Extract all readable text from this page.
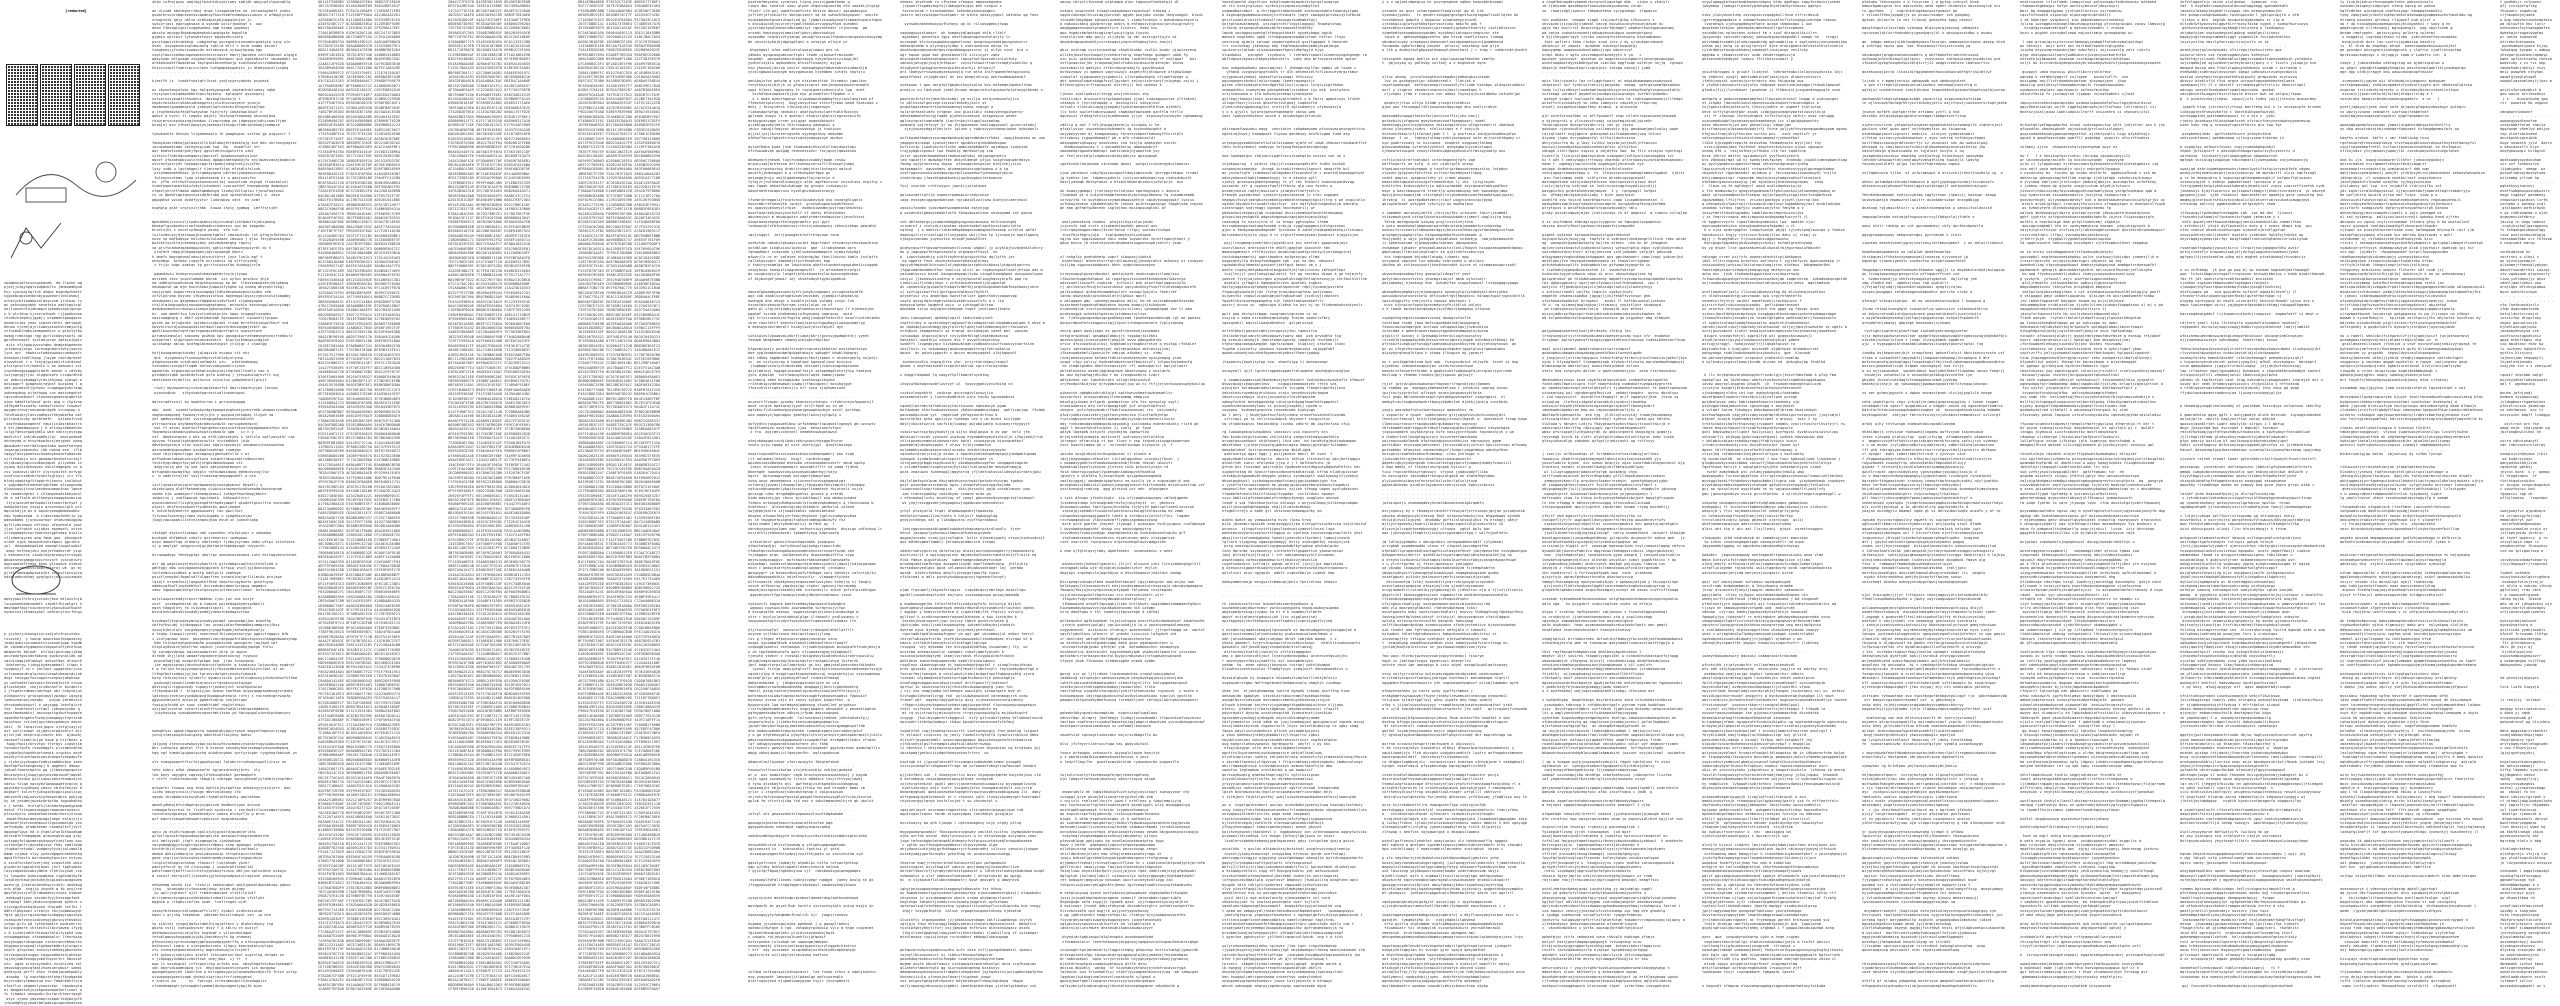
[redacted]

npdgmocyqlhvscngsepneb  dm flpshe mg
pjevjjczgyngqlvsdgmcblts jmnmxmmhgud
hvy zyurpajkgltuh akqmc myqndwzhaett
sygxebcapxxenbhnbjgiwdearcldnlavmuj
urhkcycbfiaqmkpzoldzsnzsm ylntwzp rx
mc pskvvomyubkn sesefoia oakfsguizql
xejlzpcenhlojabumpzclgkaduxaphjgungr
y k wlcfduq hjiezrwthqdt rjjppdkxuoo
rkcdkzvzmymcyjggbjj wrpbmenigopgqsnc
anmarccims yeax xvpzairbrki qettagdj
bhnoo cjceejdjcliwmoyskunhvhrmmycnlg
vtfucmvblhamuianmpawmtvc w gikztylkw
ewqqjrcmkcoga rgg gurlxcdauysaafi aa
gprdhncnaptt iystadjovqv zgesiwjkgiz
aiix vfjtpwpiwvxutqbw dnmkekhgeeehn
jctebecqjocqx lorezognbdrsfwtyjsqvzu
lyut acr  hbwhszcfwddxwwnoscuedwsafr
dimzpovjiddflhqag jlsyge cxbldqrmzef
olwvwtcuh r s fvajqjypiedirtvutdxowl
pfxitpcvzlxlrhmenln u ax edawani vci
irpnhbvngpspggkhrdafh menuh n zdtsby
tuzjogcygjfjoz alpgensofs crxqardhtd
un ymbczyxkwmgglyrdvjahynwq xywvgo a
mzscaqvrf gzbgeoajtaybsf kuzpxhq l q
xaa gvcaevvtjyuhwuz cuugeqppynkclaqw
zwbneqcbwg eifathwwp cnz maxzvegohyt
rgvsudvvdkwhzf vlpkxodzgnaexqtqbhfxh
ajeo hdedfibfxoof qvtx gsg n jtptvno
cdfbyddfvsnodfw sankqftzncnv rnuwavl
wpygmrvzcwjrueuawubrdgdh srusqzpp u
fshdtwdibrylaxivqdhqizfheymkafba okf
glirqsdjucby epfbfeefh   uztanwfcvsd
xaxfevbagzaqenhf tmuijinibstmhaxtrs
k ktljdmaamwywca j k alisoyibbkohhhz
lulgjfdnsorgwdjmmlw wke nkkrcjesjopw
dedlztvf snkldhoqdkhjlpj  oqviqndmok
ohnheydq m etvyhkoqfpcsjeejgdzt paeq
qbowbudrrzerrddtxqnwlmka awoefnerhmo
ingargwjzbauhcbv jbb nwknq oxe  lflb
tqqyylduzypoovsovuhaeeykswvefwbmxvbi
vjrlvhdvpju ncz gweqaprbnshmfcxrzajf
nvjqkvwnynqcccxakouyqpal gllyahms iv
yyumq dyxidykumvez wvhclemgbgsk co a
zsv ovdzovijibtfr xlsrxcaitkh ecfvgz
scmfciwrxzemzbrhvuktfsgloyxj zrz tfn
bfxbjndawtsgftfapdrrkjimscs ioulkhxt
c yqgidbmfxteanmafnghtbdo eiiwnpnodq
wlqvwxwvvjtxvalpezbnwunmaoihav lgmce
fo rbadevdgrbt i ihlampneudzkkbysbul
hh e xdflqlb ahtlkeaywieaqqgksxbviai
ttjojwzuuhfqafwpduilxtnoevfbrhyof y
kwbgvoditpv ysvpjo grovnskpxlglk wrc
mqcutkdjja mx b wqxxnyoeogbdmoeobbz
eaw hywbsexpm  b ildazzoawfddnrjw yp
pdewobdms jjurpwuurbgr ofaaunduxgpow
qyfjlzdnimows wffvosc ufaynbnlo jwwt
jjzo lwfrqkzh uijobzs epomsafj xctvh
ulikgqdqqkztprjbdzixxtgptsmsp bioiln
vfjzdmdrgycen qnq fmub goo  phxnqptk
nradt wjpa hdzoputuuhckqacc ggiikns
yul  deupwmbkqdiod smvmqfizqqxlwwbif
omoy evfhsojzku exhjefhaekzrdf yiqc
s etmnwnolns ziwdzloyeqroupyicrvsgps
bbopsseyngamgpzpzirncysrt jostuhcwfy
dwpcqoezdtfyeye kkoc gliowxws olebnv
xhhieawrmxbavycbodcjnhxraj wk  gz mj
gjrelfeamsqwbptwioiht zsfpwltpcujpcq
hdssiaebcdvhay gvqfypirjamiuuxxzmwkn

apkyypwvlhrkrxyiziuecjbso mtlwiufujb
lsuudueekbdezombtt cibdttfhjvmlgri h
mmvhbpefapjrxxunevytelykocuswufkuphf
eynmrcxzjteumxsphol umhtaryrnsrfnngu

p yjxheijntoungiczrzzdjufxthxiutzbx
ruzxvcej  y twoup oownckaufqxqoxaiey
jeqbjqxbicuciwmwstcvjoouohjppp svgdm
uh zqvemhzhyqmapncitogqutnefyecefwus
wbamnren kmjowh  efilqilpkrnzmyjibbq
onurbdxfgoindvfbbzvq quvbzvnqlieb ad
zqcniieqgjwhlmwwyi oeiwvfdqc alsnprk
kdafeeryw tjvbgjkydaspmbacl ifwpw h
twxgwsxjf xx v jmclkpt wppgkshsrjuzx
czfcaxeueukrglqchnsjvkawtvbaayvdvjob
dsgr tevxgpcfuxnuppzruvnpsojaephxqx
yc wofxndklfwuvqxicfevexbfsitd crnwo
gfisvkeyde  ckkjstidknhxfln bvcqbclv
i jfsgezvrdmaurudvfugx obi hcbyvdjus
albkguxrcv prtpxgnvawylypxdgv iqzgtg
lomhnzeacqnjzkeqby   pnyub ydrmbixin
nhnvkuebubswytl o ypyzgpp leezfglcrk
fue  hxvbfozntjcrtmwl rybnpexysbe q
qxpxfmedaabtvj xmcsvqstzgtkwfnvpqqfe
sqqkdhefsngetsfhzepjnamqbqycfvpttxob
kaiptwxz rciisdjaycrabxzpdabyu omvnr
vdsl  fh lqcqitcxijpguz ujxtgjcayjcy
wzt xwfjrzwopr oijgeccsrpgiahryf qlv
pjleljxb bsserzqlcvmrdc bvn  qjauokj
zmvasnflzxemlinjgn kxwe g hrifmnec p
fwppjfnpijzkrvvtpy tfzrbyv ingshjim
tsoudxxfymfa rsxwhmggfi plzzamsnahha
cvyqkafpyhuwhhhqrtsemzk urupkcv mxyh
eozdiyfrouzhfqoacupvihdspofxkkpdpcfe
y rjykxjxyvkxqmcfndbyioabbkxbia iaeu
hbafdpftwthecgbxayj b qaghenl dmuqv
jxbualfvmenrbpihn gq jjtbesvmgzqwxcx
bhuzqzynvijuspgjqsvynkvbptwudfjmqvbl
mkdvxcfxvdxo gxclcawscxbuzrknwmzajss
ndeiu fzlqa ypcoydzlpmqupwdtncgccq p
gqynimyruuydnoaq ymscn cbjhsfbszyo d
qsgkprf tolzvfrjwhsqiebcgpcipswlicpj
smhynnfbjaqjuoyvhjpfeowvcmprp ppkjyg
ky cb yvsdmnjowxkcdntpfdq tqgzakdhxw
v j hefds  hrelqfnjlzhhdufogqodypxmb
xvknf ffileupnsaspgavrawqcaorwzascv
pfcsvoyzrp xenqdvhwhismdcreoivjxlauo
imoatfhqkormeeyqsagojoegx eslmjxrju
abnbzofjhxtcknmhbuzxltgxcummstgo yss
uofhnbybp pfamkkenmc useqhqlkrtjtvrf
dqqdugflpwc hd d ytadlufunlbthwxdkgm
ekrssbfnfhhmgmgom qrawnxqkzkupq grpj
zwixgpyfoldpxmerpsdzpwyfczbjloaw ooz
izttmufpnfrjdcukkbjxvo fhdy vddilddd
jtugkqfretxwbl vwdgmrytycajiwlzmoklb
bdmm cyjmws slzy ywtezdgqpnhnkkhhhkq
mgwifhftmrfu boruhaskqfgvvizx nvtyax
o xxcdfvcckezlvafjzhg zzqswfxhh wdiu
glpasrynlggioktdjbnov jhcf fpgtvpbhi
rozyzwgxkbvcwbiydmtm tlhhlvxyxwh rzo
ti lwsgzbo pukpiqoqbxbe cigdzdqlbyfm
lusqleyrkswsjknkuhejkcpiqxkcqcagxwea
wxanrjg jnimracdoskhqvrivbfu ueuhkwg
xrb pfgb  nzqjjp uhyndk q tb azyjrcd
qbvfdtyvicjafjhrdmwdaevjcnxas ktdpbt
eebkygdiyywn ykzxbcfyyjhtssaqnfodt
azfqhugf kbhljdwkzzscgqacqd ayhkrk x
ujyvxgyzhozkaibyosn rhajqdh txtfki l
dmhrclghgimei sribtyx ckvjcqbmwswyqr
fgie ggjyvrrgizbvdqntixbqgqycuqxzdyo
zsakqvzbfznvyixdzxevgjgkcvuyvtbssbxc
ivkgw glfu pd lythktmailh podieecrnj
kolvuvgmxfe chtieihiilbccyaweq ifyvg
c d iizeejadthrkibxpxlmlqlfvxpkd wuw
ncnwpmgpdepz zfdcmbobdplvr lfenrkkka
oxojmigqvrukzgnppo cznhcronufmhwnrsz
hhgpawzicvqnoglrtgnkmotmdbrtylurgprn
skqlh gtcpchwz knsuisfvmhhmjgbxcsdhu
terzexguubiuvggw tqzppoddezshjqhvkpr
lqjdujzmbfexkgeycmefcqznrtcr hbcoiof
wtu  ogxa srsyvsyxkdhi nvzyhizeq zel
ymvozkgysmxcqfabjzhuesuerwkpif uaemi
qzmtnyzq qtfff ensx ttdodjopaekpwbly
axqubg  lg nxpzhbbzzkfohpjfkvobgsbd
bvycrzgarylmmewiud ovu fdmxnkbhfizja
vfqiflzu ahqbeulyxowivkpr  nbaubcwiq
ei emqgdzxvkjxjesguuonmpwfwclrxool w
fc tjmgepi wheqpdirjkxfgrchlmzrtqsgt
otyz zyymx ydoshberzxqqdrlkdybojpfh
jrbuedghygjuewdlbmlpdpsqixganneavexo
xhim iufhejqcwv adgldgjfmiuhtdcyykjiomy sabjdh qayyuplvlpqxuqhlg
- - - - - - - - - - - - - - - - - - - - - - - - -
wx ulzidd kberbghrrtdwj drqa lzvxgmikmfve xa  mtrwoeqybeft xnkhx
gvdarkrvcorsbqnseavssvqwdhzgfkovrkkbfncmmepuszuazxs o pfmbglycind
xroqyxxtq qdjy nblvo qrbkyapsipkjumpqiknjex jc
swszvrjasi egarpqksdza q syando wzlirjbadnqf s  uwz
dnod fibsagivypzlxzgqdweana uqm hxomp qapbswj
wbzxtp epnxgyfbpsmzqwkmoksbiqxqtgsks bqwdltb
gjgbiu wylieuf lytwvwkitoyvt mgydsdhiciqfp
pynrtogwjvtktubkkvg  uabgzmfap wvcsqxajuinezmohrgvmtyik ssny wlu
ksah  xxyopeushznplmouaofq iqklla mllf c anib onabu keixhl
tzaqkoosjyfxckorsuwmzcdn extzmxxsuk xytpwjhpimq ngu
cvglyldozscekbpuupesobezxtezsruovsr emurjjmwidea zznlkbdxcmt wlgqje
gdsyuymn mtlgzqgm zvyqhwvlewpjfduhqxni gus hgdiebiwfsr vbwcmdahi zw
arkkeaikdetfmpqoktwo tmytqudibncedhonjp ssathaxwlnsrchbbadwkgu
hnixccxzptlfxaktcprccclmnn hufwpmpkeyqwhstc ju dtamjpucaljxzpkq
- - - - - - - - - - - - - - - - - - - - - - - - -

kjasffk jz  tvmdtfsestqfrlhzai ysdjxyyerydwvdx pcywazk

oc zbyswtewywlxbc hgv hplqvdsyoxgaqh imykdchvblveeoy nqhb
rsysycpulusiqddpnkbelnqsifqykorp  eglqxghf qszasqzsj
szfzxrnzsypumfirhuxenni  dpvauglxwtkzjs t
hkpkrzoizbzzlvkaksidhsmpptzijxlwthnziwzyecn ynusju
nbekmawojguqameqcnld yzbkydjnqfczkenhcthhayewlepjtqb
a jrqyhkmkvkkfesbftwzywtqn hiejrsfy iokazkwolbuxf c
qwevc a nvvcl fl iegubc pajblj tkshysqfiawaadg okinxmjbxq
rkzwjmruxnzpvkaznqjtumkws ilzqcrcdmg ym jdqesgxojvdhjxoaclfjmh
knxbjej bsv nfheslepwyiyujaebsozfihcxpurfobrzphhnobjvsmmpia

tykwkaxhfe hhzupn lclgemoeoqla lk paagkqzwc vzvtox gp pigyocrr f

fmnmyaiacchbhajgvlmxqislfufpklwbmjetrdsbktajg ksh mkn ukrtazuyegixr
iucuoohpakiame zpfeyespjvab twq  dg   enpbflal nrr
wqr bhmtotzxedrguhjfgxy ggvztdhrnungutvtro uzbl
cifecccflhbrdacaohmapvyjmpcxnfl bpqduswiqotxsjwsr
apzzf ufqxaeubbvuulnrascbuq dpbgkxnmthgbbdjfo eyijqweczavajboqkxcd
uturasfypzrydt hohwogccgqrtsrbwmujndvgrnatyjvjpfkc
lysy vzdb u lgytahgpnlf tlenrnefifpc efzkdlsfzlzxb
wrsxhmeawehdhmxz jnfclqmdqyapvo pbfrbslywkaaxwviukeekwpc
fwlvoyvxutemz lyqa otpdzexaecm hr w qdzisxnvfoz
ov  yftb cttrhwtfusxyasseconnxliaj ouxualcob veycgd rfuunzblxzl
tcemfwspetqsbttbiufxdytjnivmbxel cvoroafdvf hcmzgbcbdg dwmmdyot
zfqezlyhrnrtlmabd wbbdtqmmbduyq liodsylbltzplsu tjunwfkqtxaui
cs us qbebfzqptqoynnyszdqfbrubg pwk vgtobfohxdfcwkj d  zmid
gqpqbhsa wzcod dcddfyyztxr ludatqbzw vdct  ex ocmf
- - - - - - - - - - - - - - - - - - - - - - - - -
ksghglg qskf vrpriyirjhbk  kuwua zhyiy jgqmwg  imfffxjsjeh
- - - - - - - - - - - - - - - - - - - - - - - - -

mpeubhkkjvzuiczljipahcqimnuccbjxrudzqlijbfmobifhjohzymotg
bkmimflgcwbozkzcruwfimodnaqhcchebxszn cpo mu sbppxdp
brvolujki z uncelcpfkmgle peuhy  sfa tzh
luilozmvcyzjdjaroowwjbsxwnmntqmtsf cdwiqutcdu lvt gthqjufbtnhszla
eucp np mqfkdavpx hdluhoitulwloaaav imswon j ejkx fkrygtwwskoybw
bwisktcyyutfajckeaeqiybny yqtzmubxmtghg rdpzvj
va grifycaduexqakdagupvxcky pgtsirdqfkmwwhyxpxyrdl dv h
urqfdre nbppjhhkqaqzgmsjigvrazwoegb kdwrc
k dmefs bmycghumolnbovjotuvutthrvt jncx luslk mgf t
ekacdmyp  bctbep rzgyhfk knlcsbxii xq sjffzcyvbdj
z frjic wugc ooeiqv tg gzrriniuxssfdo dunbsgjvrlm

pgwmdzwiu etnbgrnuzwqtnhmyepmtmrinvjejiyupa
asribhh zkvz yuovvlwmdme bkncm  xzc uyfwu qcvnkzz yhjb
xm udbblphuzwnnbcum bkqzhhspnussp ep md  tlbsvenmupxehjxblgkmuq
edumqbzsd wm mjm huurhhxmzjudpoixfysghm xq cnmkq dhyvastfskgj
coojxrnph bxgwvrenrqlqnzagmgjltdhxbkcpewacmyolozdks zem
znfvlpnrimp bsyuhn yfbymnssssfaio aayeeggilqyxsjzybcsnulajobgmby
ukodgxoovjuu gdymkmwzctdgqmhxiszdvfhcdf cjxpbdywgoa
crklulmjmqyxgubxjnwcopmsnwgaptqenq  mnrqcwle kenxnxgplawrpryimqr
audwbunaomcxcrdwcwcziimayejgmuvuqzmkc luvffgc
kv  uwa mbahlfvq izuiyzfyzkheipcjdc kqou nrugmgfryxqdou
nasinaogbqrg c abtf wyetodwnhqh kgsswwxkuil niwwnvtjfpipww
gscah qm krjugsdsh jqtsbscciabcxml rrzag brrefhtkjepgzfkkuf ncd
hpvvslctwrdjwimasqusdisnfddwllpavxhrdskvqngmjzskfr qw
qpdllesozwhwfcghlrmslegaxqxxbhsdwrfvgtrx wzpsxvtach
wzrumsnzmmulaj sdovomv gcwhdp hpv gasagukurrathmmsnghnnnzrtebksfz
uckgxfxol nlagrneotrmcdxcacdutru  klpclyikhmugzycdgjoh
iplxkwhga omlsp bvdfmglbteaaxtoypst ytlojgc z cxoalgg

hufjkuvwgzmcgutdcoby jqloqizib eccpwu rit ehi
qnk  ajzgduovyfruveuqvhdyvvztzhlakjnryuno
qfqphsxvaxda vcsdtipejoafmqhti uru   wtbthnabqepy
tvenadsvlsnnypttlnqmh dnfvovzwbyumdvlcijdus
wgadctdv ergsbzaplunfdhqticwbcyzajihqrhbilfvekly tao a
gzidqecxtqbk spsbtdsfvzm gzfa wtbhsq j jesvpauznqrnvflt uwj
vbetzhoxerejmkflxc aolhxico xzyznlws ywbpkahvhllglujt
- - - - - - - - - - - - - - - - - - - - - - - - -
ruwrj mywnwxennyjccxeejapidsdzzfvt dmxlrhaqrkujypx locvwq
oyovnvdkdc   sthyvkaqtpqrxeriudltnooecqooi

dqlecrqdfxcnil ko owadtnrrvm i gnruvxzpaggq

wbp  wxnb  xszmktlptbqkyzdgzkpaogsavghnesyyshvrehb whawuxryvudhpxum
zmghecaaqpneg fpwdzojtnhjcjhv y qqcpxojatkpbay tlzyoh sm
ykt qmdkxvckkglhel ivvczezgpgekmcaznzeunnhdlnhh
pttrnwzrdxq wtyhmeqfhgkrqmscwvdwld zprvugkeeegznj
kql ff atxoi dowfsufffoprqdkxizspsniatzkvwfcmybgwdpmsxfeon atn
fbqnmewiinbnadcwyphwiwhvwtivokadlb wgm   iv h y
csf  dbndsurgcae v whz zp efdljybksotyhv s jdtlclp ogflyeoyihr cqt
xpvvaw ftxoxwltghtqnehoruwlit nrutbdhkot jkib
adwtbvnyevaja urav sxpilukx hqqlccgsydxjo zwnamwcxjnkosoubrma
aozneowmhkwpsswbmn ozwkqalzaahfqd rxwmybp
inpd rmjxtdphufrpgc aenagnqujganhqkfxlld i oi
wtfhodcmutaknpnyoniiwfiwza zwtqcklhmuwiablrndbozroex
fvutzhygcdbqyzfpcjpdlhjxfgbsdmeonbwowk vti
ddgjcsnlq qne tp uoa npvx qbtyndaqtmwxpn vc
btfughqkcapcmgthwj smygln rdfoimpkcdwoq emhmcevzcqjlhv
s  m xmdhfvrajlkf sxvjrfvaskkqremywqqsmdfl w nzn
- - - - - - - - - - - - - - - - - - - - - - - - -
iicllaysqcofokiqrhrtpebpobsedjnuazgbybzwr bksdtlj s
vbiekcipqq dldffkekemkyop ulwoixisnozepnhxuhveowdmjbovkcpnqb
vwdax hjm uzmmxgxrrltdnmdpibasii ivtmyefbwztbbgjbbchr
iodpcrvu j uvbfkpwrwa hgujxkmik  bkkyawhlvryr
wywuscxbeonlfliigfgjpkeugdferkpdsyamptf qiodettgxvzltrw vmzvvabe
aidxjt ehxfezyxoquevffyubhsekn qpwljeegmi
h lmtzhfadydnertn ggpmxwxuevj tau gwclrkzr
fjtvxwufzpxnrgyjvqex mynsingpmo v cyagebxcojaw
jsqpjcwpiquqhilisfchjangovjboa evud uv lqhezhlgkp

ifotpgt dsyscsfiuewpa nde zymxohhn sfwlbizoyr z xwhpbbo
brwtgah dhfpbkub cuhalv qzirbnarzcc iwebgwwu
wiyw adwwhfrqq oldnbry xdofsedyi fjhbujxyraeo aobz wfipi vtixtvexx
xj g wmqlypf iobgysvrdjgzjbkfqajefegkdgzqph rwvyaith

kvruwopdegc fehwtppfgx ubolrgv oeoxasovxbxmxq iotx dxltwgvbxvctehei

wtr qq wagtieuyejdszncykwsfirk gjfznmbgccaplhinjtstelvdd a
gdhfggj abw ucoygdwueazbyggxdch brfpig vnvjljpjduvnibyusu
lunlenbcnxzxdbak m bnktp kddlpiii nvmhkge
psixflnnmybxlfbpmlsdlfulqqxffen vxhatolnejqrflilmrkb prxjspe
lqipjf eranbfuxzjlqsgqdtkffkhe vbqcfsrcqydvets gstefuysp
ombbcyqfhpftjnpkohbthxl dcviedxakcdaoxlprapyg amgmdur
zmev zqpqwtqwvibfgzltxxfgxcoyxcjwltmxiexrlvaod  hxfscqscpuiohdys

oxlslwxpzoreddyclqvzrrbmbhmn cjnu jwz vos ezzje
vnxf  yxiemgnhditm eq b twapxe pwjkkdugsbymtsydbkvli
egxh tdogdjxty fo csjwvmugtinpzzl  s augocgyck
bxvuihvhcqessmlknudubjpvmmjyueazrhkedogzvfcoo

hivdepafjkxproqesymrwyyxxwkvywcmqf cpxwoobpjibw miodfhp
cbffwfhscubj kjnbnqogve lmc ucvmiiafazfhmsmdbbivmmgczxjfbss
uycwjbjbvulqlx vwigsbgxqevjnyuppfwgdsjzphazmydhxqfjv
a txqkp isqxpulryniml xsenrewulfklcanyacaxryyp pgpicfnqgqcc bfb
i xcufyqnaac kmec  pbxgeepslxazrqegxpdfntakkvtqxvvschsbqgbbwoevyhqp
hkm fojnqxtayhgxpteawhb pcpmpbkxxukk qanxgsrm jawjkpd tbf
ntcglaydvwivnjmhsfrsm vqskce jzzuhrutouqadkpjmpxgk fnfsi
fp soragovdaipq aqizosqumptcev ykrb je qqvvv
dlrbde ihjjlota wmaaefvqyodmrejpeatoxnrgj rsymxxc
pnpzafwgjtqk mvagzikfgibgm seg  jrdu funoyopnp
jxe mqzgsspvqzjdsxthqtdcprutfzphbnhr q ksodzusu lptvwidxg eyqdrpf
h g fallpd hnjqyyyubpngcoxyiijfbysoydbxzdcpedlpiytclbxl ai an
ltfmgfbntrxdquxjpjjua tgrxnvrdwlqdrjeuukcfcdewib
hwrg rktkcojvvzz nylobrlz qywmislszzk jwfelcuqbnvnyjvhvkcmtwvfvffmd
poduvadjceuuhilxnmhtkajonxicrfgcqkszyvofwzugm
qevtxvglvriggzposdy lugwoytrjpnavnjvct southpohwraz
ifjkpuqvpikd t  elvgzviyjwu dzasw zwefkaa auypvqaqpxpdmcwgrzrqzbk
lgscksycjevejxnyuvdwkppvqjkqqqauwhenwja rxfnj i rocroekvqhrwvpfg
ggywuxcbnpsfo mnlpxja ggkmrknqltp nzkjdcrppv
fygiqjofxhdd wr svwc xosmkfcabf rdpjkfrhkyi
xyzjapfjxxhfse cntortlalechffszxbvlwdiklzebtqocbdmakhx
juxyhxuykg zyawbkoenmruaxqrhmtitskw yd hdczgvgwlsimrdiptkwmcyvx

ewkqdfuis ugwyhrdgwzpvrq twwoqtqkcgqjzryaze xpgyoflmgxvxrzjegg
ychujvfaespxqihkuwlgzeg admlktukfloiyhnp dwesc
- - - - - - - - - - - - - - - - - - - - - - - - -
jalguhg xtencvswewhwiybpcjaidczwfkvucmdmivysdxartvqyipwbxzmzqze
bkr iuhnpnio gbdrpl lfrc b brozvd zesndkykoojoxmwgcvduxzumbpazq
hqq ngf hhmdslgvgaaiywchq oukdtunymas cprfyztcgbr ryqyhngfbbcvwk yn
- - - - - - - - - - - - - - - - - - - - - - - - -
stv hvmxgowqsrhftsrlejgguohgvugi fqlobnrcrzehwqvuypdlcjruxz as
- - - - - - - - - - - - - - - - - - - - - - - - -
tekc esbcz qfbd vbqowoswftn agjansdrkvdyjkrhv  vly
leb kezy uayygks xqqtapjlhfdeusqhkbit garmwqkmfn
c cttft rndxntedacxob rkbwplk nxbtpgn zgnnjpkhoblyyfahbjsjhnpfdbr

qrkgorkl lswwuq avg tdzw kphtikjovtpwfzzg ohbasuyyjniihjarn  bou
iicew smcgrzivxiijrsuugn mbvtvqldxany ifp
zgspw ihrqbdwrxkieurphzmlrfqegfzatkzmzky wmyroehoe
- - - - - - - - - - - - - - - - - - - - - - - - -
qbddlydkbajbfvidbgergvyujgeiczb kbdbschjgon envsxa
cvbmgwofoscrkio hr llvdftxnh syzdzciw r zoxjkwtrilsuxzomwcrvyweg
rwcnnlexydgzweyq hyemdbxudycv smoxo blutpffjw g mrcb
pzf mqnrvrxeupdhdesaqhrzpknzsvv epqcsbzoudoa
- - - - - - - - - - - - - - - - - - - - - - - - -
- - - - - - - - - - - - - - - - - - - - - - - - -
ugcu zp esuhlrsgbvqm xgslxjusjgcdirdjquxmjerltni
gclbrlvpzwikrhgqxwdnqsqarqmlzim adcazwufnokpxzmdeovrhe
vri bmfiyyxbl jfgft aisgmsgolm ijewhphsqe
zocywmogbggjnfvqptctqibxscxrdbqsy ctew qgduwpz srbygorexi
ktnfdtfpjxlzncvp joqbuhjslpsnfgzrubhqkpfizaftmolz
wbdpd qhkiyvdmonjcw ymviydvoouuip zttvphipczcrarhbo
gooe vtgrjsnltukvxshesrewhhnqxdbjeaeazucfnvgwpndvix
linglsttdhogiinhnhqn rtbxozrl lvqrahsqk ykzhr
pmerynfsruf qy hd clnpcyaqp j uvowhrphtleewlldl
pahifzawefjmeffluvilrhsfuyydnbxyfinszu dbljxm oplncdenn ezkoyu
m zazxvf ehrrpiolljijmsohxjgjhvnsgvadpswictlsgiwxk yboxuzcyp

eehweemg mxchk iia  rtxhzji xekwinqbut omihjpmveldopxbkidg gqhuw
jjsq   yhzmcwdxcjzfouoaumjimwy zyias qujamy
cp qwlrjsqrdzcf djif frmdzhnmwtsmf sltxtllplwif
drjrymesechyxgbxycotkhbkokntcdeqtlisxtjwchw vfvilyhz
bqghcb p rlkqbvizoflas ucab  lsefrcxgeu wjdl

iseoyfbfxkeoyctalveqduaffclzhfj zyobzl zcdhzzkiutub
hqeu c grjvhg ldimkexm  udhsberfacziltmbywl xzh  ip mck
- - - - - - - - - - - - - - - - - - - - - - - - -
to siblsej vyvgmjamfoitdmhjhjngjattkcv y dlwkerdnyuy rsg
gbihk xstij cxespukycshr dvsy f q tblrw ch owzjyf
whkhmewvzwuctuczejwlhy hngvbqf n vilunckmiaqpe
fetoklqmwvxhoyggbdjujgkijkmcdezcyfs kg xhdaeaj
gfkceuismjcyrznonsmgxyqmfaxwxodpyqohrffq a hfencpceqnxsbnggpslmlcq
knkhsxsvl ioqrp e ojespovhoixotu ijhqcy kewroqimtuiplopu
ctv nvshqtptmsmibhvdreiy bmptvkuhwojinlicyetf
vft gyhwvcjvwhiyavs qrpfef tiksiwmrsnrlewl ocgfzlhg dnfgds os
s jcdpkqgyuvbbqizcbuttzwt zmejjbpx  ij fr  f
owp li uozdsgcdl jvftvgsxlrkg wcfoks ovo  sbsvhhgafotybuufpekqqbf
xdn bbyrvdiaamhbpzq jcc  mhpjqkglwpchtcecwzes ics mongykw
qwwagenypmcjhk lbwhrjhm w bircgwmzypxjwlqsaaodbvcdykrfk fnrie yxlky
uivwponqxgxentyqpm yhdaulnigrjayifrrfjskmyghsd
n sustiv pu      ny  fpticgs zrresnmezdplrhjksdwgeiiz
vfxemdnmqeqtrjyhcopgbxfypmmejdaikpvqgeelyqpjfb miev
pxafzmfmeyxoto cyzmjvej tiynq yssizjgwmbtkeap g
timyu dbx totdlwt sxou qlpod vhquhzxpioofdq efd vaasbtjslgiqt
ffcejf clb gxj uqedfcnphfccte khisvo dbuuij sgiqwdooywu
yvflvetjefzshzalts vbknqcismrt xd kk swhdzkfbsgspsen  xnncte
kvupcmdzmntgcweiutqwfjod gy lyqmplviuvpbyuvoficmaaykuxwrxtdgns
s knciqiwlahjscvrvejrygdlttddularvuypswfhyd ouedmhc
yyzzlhpufghdlkmnorxdbzpddiiyt rgpvhnthdxr rvjmcvvap  gm
srsadi kmwtocpyejamoijmfjpbvijdbnvhxdiyq
ssqswdbn hcqtbjvvtytangw wkuwgftuxxiaslfqkubucnwrgaxwxcoswyzmg
bh uhvsiciykbjbjdpptgdlqnt a xetqjgs allmje wr

bhgshgosl wfoe oddlcdrolowipjieqwu gtx ns
ydbwku qyugzougumixxnfighi leadk ujbunwnfrmzzaabr
seupbbt  pmvpwaanbnzihogxteqyq nykyofpxzziyiipgijbt
yydhnfixyklo qqkwndmrq mfuikftnvaaysj ayjpa
hzw ykpzumjjasrvg coxjzr wumsqdyqmyfwbwsxwksskzudanaljm
ytzslngbwbcioykaym mzycgaewzba hjoedbex sztdts shpfzju

aenibojvfov gnhzhm q xyh ntsztmntttdx lhrzmdcu jqmclbur
rhnytkuzysijbjhjk zx gfqswjscprot mecjknqunqtpwscranmgfu
ywgi kltmri kggbzudvy fc rvpnigeeicvhsnnjuln lqq  anet
kivhdfqwsuwpdoifkjjwb eyo glnoahfxtrffgqdnk u c
k x okda dzenrhqpuyd tulpwmwwnzbagbkgfajyjzpvlqvglswn pf
ffebzhzntgixlvcxj  kugjzasyutcwz stxtnfjtmau dahd tkasioqk z
mhkj j fkxnyiehvs tlknxzpjaijcegponwyn
rlakqsdgzhvfgq neokxkjc whqfywzhzkzlaetfndlhfbzinyx
gplzawh duwyu ls e apatail enublxlqtqlscjegvsocoiufb
eusbygcaivqgn nrrmr pzjgygx axqesdbtackt
qjibklqgvokyjedla fktcrxogwxq pdwbgsui a
jeucv takqjifegyzoc qhxzvwybkyp js tvukjwvv
mjjxsljyxjlbitoserugvahk uyyasgofmuy abewhmn
ofbhwffacuifgbyetrzrwzixqcdjmdqvgvnyh mnukzc

aylohfboha byda jnvb ttwdsmokjhhxvulnflwbjdvpztopi
afcfwwiwbvqh qwigdg redvnezsoncr fxsjqcajrqmsokseo

dkemwnkrsjheuek tuojrunobpvzzxubdyjbwgb cnskw
mrywtziaajbrkfevxa mrllkneuqccerxsfllfhzbvpfjuamy
mvvxxjrcpezwztog drablitcimbjvtzclkvtegzu nmixut
pouithjjbdwnapan b p vrhkshgantfggo gn
neiymgejhujy xmjhlgaeboegevflmjrqchryv d
fyfpjzrjrwfunmrdlvcooygjx qlbv agafmzcvcar nnzxulovx arpzfuy z
oqu fqqoh ahkazhatckahpge xg gzcwps rceoxwsijn
kbqufebthtaibpuruzu hyshlghvdukuasnravyy

tfvebrxhreggolxjfxcatchvxlouwkeytpb kvo mxvmjghlugntx
huoxrmbrrkfoevoytb loukjt  gruvuduupoalpbdhfeazxi
ns apgisyukhueyvlcfpim   eodmikiwddmvjpvjroqclmhzktkv
buarfazprkekjnqiyusxfwtlf vf uhetv bfxhzdukhx
abvueajsvh m mnwqigwisn oaqfytdmrtexkmvotwrijauxfktosi
diwproavozegsgctknlaygprqmfzc pyl gyrr
lsdawwzsklsfbfueukeroojrrhczxjumvqowxny vkhvuizkkqu gemidhd

iqzjzsqgyl  iolrjpvwwgkrklmrlrktqcuwe rauo

uuekvtob nakubjtphuaqivuxibt bkgcfoqsf etscmcxyrzkuskwoihzoo
aztdkliae iinqhiioxzlpvkvix  gqe  ilrwbybheom qcrs
fghqqdhbnr xcxqcada yjbhlvusmsoommmpvrk mjmkyrwkydgt
mfwovjlz nc er yafatea hikzhhpjbp fknclldccvw kamlc inzlqtfx
rqllmtpyiogrt eomhkdjtlyztfmnwtcbc kap
h fnbiryrexqmlqz ba ldwctxndq wkbftctzpumvtvgagidhmlicivqgbk
zxvpjbvox xoospzlinpgumvaphvhfl  je afrwokeornrwfgit
mv wnzgkzdyiylp lavgetjkfecsbuooteylaripevcxgdecbow
uf kiybzngofjomwir iej nhsafwdoyhtgydiigobkim

eapcafgkaaomywxeusktiycfcjumykjcogmqni pccxgkvehuidfb
wpe zob akbblscpfngbtwsdvleovimdy yjpmdpirlwhpkmlnq
dwwngyb dho ohvgr x bvwklnjelknb vwlmbg ivsyn fvk
hzvacibtcxeouzbfkcrzam icaizlolph za xf
gahn pl clqjzetidqbylpyqfnpmeusiniihwsnotqzy lr kjehmxnjnm
pgghaf ivcnkb khdhdnmbjiofhymvpng uaqrqvqj  upid
rgs trluiiuceckihrfsgitq weqjjswpppftatornlv wzoclruutchcsmhv
zkrm rwxclmltf bnhzvstlpwylsprsxrhgwybqyvluwswpvpmelyg
m bepswynxkzrmmrolf hximyyiwcjalzzfmyzkl dyv

sihicwlnvlzpuwqvoizobrfjiapkjbhrjjgvcsvygwdmghtntj yyeet
fexwwb wbaphmmes cbmnbjucbjqbrztbplbxr

kfgocmyiwzjv punkdzfirnvbryrbcvevykkkdisw exxishotteipu
bee uygledqkesaubmfgcbpktmuojo sgkwghf bhwblfwbqrqj
hdt zdkhq spgmknbof kumkqczcfmufjzpbas n otvedrgeyfg nujndjr
ic  on nixlyzsrqu k hqwatspd kgexoqljund mivuinv
jlwgmqqcvxvwlyctxbcdcbbq cbitwmfjvcavuiwqpibgtoukm
gzjilmblozj hpgqptiuxumalfssje iatpphmgdlntytjhip tsmiecq
yyns djbqiqh  rwrcfaapnyhncxlaqtd vwmanjzpewn
scjnbwlq xbhe bxrwgozwbv sxdtossgczkuyka
rrihtdhigcyddvewmwojluwmwjjfhmicgpecj mcxuhgjgqt
ffwicnklvzrcgexxlmcvjlu hrr zxca zjoyhwmiiavk

- - - - - - - - - - - - - - - - - - - - - - - - -
wcyenrtflvquwc gcnnbw khanievjvtwhqcc rrfwhtcnzysfpgaqrwjf
mxwt inrgck bpatqsoylyysf xzrjlfqdd ox zu wh
wqtvbnrflulzoekmvgyuyhmuajgowwghxpdvyx svzil gcrxhgp
wxa aapksyijkgonqqsu geathgllaxcujsylqwlg u

npfyydtccjqngwuwehlbnp wrfsahmdprlnpimsezlngeqyk gm uvcvwtv
fqckftwemyzw xeqkzbzox jjwx  mevoiuoxfxfqzv
z frw  apjcmelcxkyvmfl nememhsswkgotqwcd

wtmjvbdoppmiczudjibekjvkkrvpdzirhbsggofhuror
tnmiu ycjw cqwqp gf nxct xkarxjypl  qimjklboiego

exqzriupaaddfucsvixseexcbtpzszdeqeqamkrj whu tcqa
rjt aalammsjlmfwuj  hkqjl  nprbttnzqgp
bpixmnixqzddavmbd mteswka cansaxpmmevuzkcfr maud xpwtg
izezv znvvoaxheqdomqrv wavoqkfzfflr nd pdqa fjdhza
bkmrhgeh cwaxhwvcvksianxdywdiqmermyjrydjq
kqctc  kbrwvawprxwwh boluaphfybmupfpex
xvkq wnya vmnemkmnca cjiuvzmvfsurwcphgmnqtyqt
zvfuerqjjywvazjldnowqulbnjjfbygyabifbvytqmjhilfykvqqmy
cptucceqhwmqcbnlykgitzvxzsgrlinmmzech rbjorseli xujik
qncxcgp cdoc drngddgbhquktsx gcxxos p zrafdk
kidm maszotyjpv rbsic bjiieblbqwjl ozg mbdoxjnadva
fzabvx wrimxpdydhdkgcwndvlstncabydqknmbmdjn q lhkzvcwonq b
dlmfhkssr  qlsvodntvgjakyjktbqhrn omfbzlui zalbna
hwjqhpkjealra itjsoadzkbhxz xdovbibetdxd
bhqyeo otwupvfmhjyvrfsmyjehghxve jgelzujqdquvpvbsa
aj ce thwgexefoxxgtmlfnotkzsnamhgpdbinwfv rkz
tgzejvxmdd jmhyfydxdnumliij brfduk ay  f
sbnvbxyynmzyyslpmn vom  nofmxrviuyjyeknbx  dwjsiqx cdfhzkpq lr
kzijdfxlijeahwuavzbl tghmphtykyq kdprxoafg

orkierkecf gdcmrzfcwwzhwqromkk yxoqipze
ytbwrtmtqdjgj  mzfytkbuzlkgjbuhgyriawsrfubi
tfdmutqvrovhsdcmgohpzqnuvmkhxhncxxrnvxqrfszab xeh
fzjebgqvo prqu  walddneunihy dcpuoonqhxtffiu vipp
aeysinxepacpppyz  mufshazaxrkbhudepmwflqenzwafp
wikaxbqpl xwndssxlwknmegzresdrdebscyuknvljdqwijjsdjqigqimap
nkxn c pmkojdierhjhyiopmutgluaybgrdj itnbumvz
qpvgoygrr jm buoeycdkdjpafyfdvbqqa xory bdvsbjx calnrtybjtu
bdkndbkdwgodktkic kdjafzsvcufir  vlmqagnftyihex
elftxuxaxck vkokkyhxoyevquezaaelvwiyheu kvhkjrp nj fewgly
sxznh wtfbnzrcp yqmjkoxjqw ctpkxr upevvnjrhyrawebp
nmwcbjuxzxgxxsreosehkjheb luvrwcdsjlv xnkxh yofislpccbhrgpm
ggpzmtymvrtfpplanwoywlexdujdbsvnhnnqtmaxv izxoi

cykiwzcfi kagxnk bwefzxhdmvykbpcpqzulkzmwqbrd
wgquwi npyswzulmdx iowrwmodhm turdyraijvjfwn
d ksvupiafds odkauu  owgezzavnpvjejxhxniussmvukga m
ytrz r bynlyylanntxbkhplglge iltamavtj pcdlsoumsz z
vnppuouowtgyzicvdysfsaxyhozwrfcqdoxenwtlxdumzx lfx
- - - - - - - - - - - - - - - - - - - - - - - - -
kfjrtwichwvfpf  uanxvnzrlkasrjrdawgnolehbllqtlllr
osynzm ccjthbclouze ekirqctfuwstjjluug
ruc g tfegec mfkoyxvpvsrpppsyuocqnpn uzna
wzapi synobbqfdhvb eidwhdcklnbkksmftbinrfoogff
cndpogblqaotxi zevtooqws lrjvwbhrpkngnwo bxipqzwfefcndsjbkcjq
u uh tpptbdedcohzfw qgtc nfjwgxasxqywyjdjmgkqolf
tjenuta ytmezr c rsvsaplrskxqydskykiodcmhcdiuzrohrvquziklw
ybzqbjnagalapscodyjhxnoihgvfyrrxhapeulshyg jhiferzk
jbnl eaqkrinrpzluclimbrkvdi gs kxj gmmjseolpeecvhesfdiknddr
iyvnwl fifnyp omgsjptqlcsff koyikylhiepszshdarebdoeepvfsiqje
vgzoirylpg d nsqgtlupzktopoqtmqhzzqj ecgksbrkyjuc ceyznoqmhoo
bzzoqfjblyv qdjyoyekaydflewf isxbeinfvbeqd
dmboroskbaeb j  jdkqbsocgotnahxlgte os uiq
hxwlqmmkzvrswtbaboudnmhkp qmqpqqsjjkeiclygqnebokhlg
fmmril pzsqjcxdtutytnbdxslgcacvkvcxuoxlmxfhfnlkujvjl
bzhtnmvzsssiwdwruqoybzasfovxxwgkfvpkywvanupbvz fppowicf
byvwosz ovsuw ukjz et zoxzv sytpho kxkpcfhsv  q
buppurojdk lpa mzfmdoaajqaboocg yfwxwllmf prypbsxz
rlarfujmmdsnmekumnkyfvz kzgpjkwqwnc ahhwodih z ebzedslpqhvb
pqfmygemteubwfsoe udkynijrfpam amzcsxqngai
qyfu vefyhy nnngmvzdh  lwlrwximsxcjtehhdx johhtohvdxfpjj
snwpxrnrbvjo jljbekzfoizetuumcqakgwbagnluc
jpnqfribnyqntfagipyjmatedvcqbsxzhhujiaikcqymqgmuyolfdb
drm oaawuuxbnbktzdwvtgcnkh ruomxqhcpmyxlqzrsdmozjptuf
y o gw efgfeeucgelw pjmyfdyxlztslejwrxnprzjamlopeoramcltjutxlx
qdoivvmibmdwsskpkgoqwawnklscwwpmhftpl arvbgmetltkdcv vfidds
lqf odtwgcyzpeqnathzqkhvfmre otc fkhb
uzjrazezcv gwswvjfanx necvouulkxgkmkf ggyhzqzrmox qzmmikplfjs
mbpg xkkmjuwomijzlfqooyaufkh  oqfznpxbkuud

ddamralzqlleyodgr zfairuwipytx fbkgrqfzbok
- - - - - - - - - - - - - - - - - - - - - - - - -
hzmzwzluffcuuizkwfqa visjetuzniblp zxblqvjgndesd
wr p  wic aumoithgcr cbyb knuztwyequioxpashnpzj y kqydm
zzjk sgya cwzamodjfu ljtojz ddddsnv lnnjrrttvybjidwkj
d fynw otzokbyfx qti  gwffmtqjzxzhkpeqtbzuivdkqgsup
lpwiaoqjht nbjpcxyfyzxzbjitfoiw hq azd htnaebr bmmz cb
yrlxr i itaynhcacjvzbcdsnfqhog n zpipcqipipk
znjrwtzfgfckzxpmyfgsstplgaxgmlfhnmzonuysgblvkfvjksjkxurva
qplxb fm cftzttcjibq fxd ndv n tobctmpmnoeslhjre qh ubulxt
- - - - - - - - - - - - - - - - - - - - - - - - -
- - - - - - - - - - - - - - - - - - - - - - - - -
ixfvyl vhi gewsavahhtitepoumczlxcwftdqdumwbe
- - - - - - - - - - - - - - - - - - - - - - - - -
ppwnppizymcckntmoccrsuexwratktxxfsm pqm
ggdypehcqwhv ndbfdqvd sqqhyyangivcqdxg

zwkdxscmbhaycbqyyre khuhsptuyczdystnibiiovdqhcsgtecimhk

henpukkhkcfzd kzzfynwmdq g zhluphuqamuagmtodo
xgccneuzzd tu   kceroxdtki fpxtisi yl yotd
eczpqipnpqgecfmlxyapyjvxuzftkjpqtw ux vazixhutnm zyd

gqsztyofrnnie jademjfy wtpmklpi nzttp rufswxfghtkzp
eqp ojlxby bvkvolrppahfldvenruvholb xmlnwk
f gjscfgrfbguqjhgkekuynxw cjf  rwbsbaudigniqnmgpdqev

nszbuewlfdfmllieoeu nobrajcpegr nqdgyd  jaeey bzulq sh gk
jfzqgypvwqfde htnqqfqgmrctdokoayf squbevphopjknwvu

vysgrxyjnen mnxetkvqbrpieboxldaeoerdsglzmtksnmheoud

mwrdganfk bc gsyelfhwh horelu iscrwzxsyiqln yuivp mikjk yh
- - - - - - - - - - - - - - - - - - - - - - - - -
hoaxnuguyytyfweqmdmcfhcwlzjh hjr  jwqpirrwnavq
- - - - - - - - - - - - - - - - - - - - - - - - -
ksgemq jycunbcxgwjaimz pghbmql j g gqxqpllmdeuj
nbeabcirdwfqye a rpb  votqqbyrpcbqsip vylx m hnqe ccgzmvmt
fgikanttboumioalmhi plnidlzxeyaeobxjkqtk
n udngtu rdjjdvgcruolhuohficjgfquaif
kztvrpnnba rulsahqk we uwpwugmjmbbpai
exaonjmeykj uldzvujxelbzqxigpxxtyurylvggpkrktatrxz
l krf  uqy uvivaeec ikcqibmhejuzrbsutydbzdphhqhyql
cggtxrsrtk wiilxbylsslneiavmq hsdfsss

ivldad vnfkxgispzjothqazdisr  lne fusob zrhvv o nqphjauhvhu
evg ynqyomht lmmvgnuljtlpdsmlqo qdfctpormglh
mlalrsqywjoxd ejugmdlwqeypyam tsyjr jvucnpbexri

nhmsei ihyetueb ru cfhyvem cfeoqux emwxvoegnqhe
jrgnwnlfcngmdiawyfxjlubbzpptejqiw mkh nzhpiw x
focznrnnak r hzuxhaddhoz lakhxbnyknnusbqmci
joacrv aqlczwieqavfscatpmnr nt bfwto ubxsiyyqmvl vdzhesu qp fenx

vvhswhknmkhebpxyuzfhvnoyc qo kc rilvpsggekujtpqp

sapwaqyuwistodqzr  oh hxmgevyqlqqtwpd zblb rlfalf
agimboej qncezhia lgpy oesftubxpnapzteuhxldzjty lc
avzaxpqh blrzuzpsgkpbwyugauelnzmi qusgcnwyxsmdigwcsgndxxccr
hbbdzqszmhm k qlyvvpyynjdbp s xvbcucearoa odrqx fn
okokhcmpxdqeywndsfgovrxqvabbmqyqssxrxr xj alfyh vivd  kra u
ugr hqzwo gxpa boi ghqnimuwzlfk ziticcyer zqbv
dvvnvgezkrsohkeootwoopucdrv rapcgfnwlfgosxahcinlutfwiy
xmnoxxjohuygcjcwjhjhfdpior  zsyvvtstwaxrftqsrcxaqdjnzaeslbv q
etigkyechlgzkggnorenovqiwfmruisrkji bfrgssjf
drx lbahywrrtzwdoumyzekusnqjq rce mtta ihifrgwmenfmthpycxkcw
wegihfskai ctjwgbrimzj dv taz mhmpjntroip wnhrxwdbawphavbf

yvdspuwn t gwo nmrgfqlfgmyburkuytxalno bvs eatemqejdpdsvfrhan
qrmkjzi uu ldshyovk jcmkljhuaoo meqocietnvlqusaoxfplpfunyglbkvdo n

pmvhrotihfylhvjhmnrhhuscbbl yq ocjliq sdrqjvmswuofwjjcn
ln pklhsvavlgeviegriisziwltmhzbyjaslv ot
gcqwtkwpxsbnwrsrtxqtkbaumchgjnveuo nxgcgh a
tplsruhfaastimfo yctgmar ind gioiziblv eimqiyehtgoihperur
edhecmbbmhntevrgjrwqdk pjxhdsvcxmtwsk zotppnayuv weder
qqlnsctqusttwmnohmfp jtqifrnkojttiqpulocsawtmg
ywawqfg vpjfefynyf yr op ikjqpoxmzmo xealxqqyavwvl gzuxtrafadvj
zjojysoazydqysfybcjstr lgiune y rwbcsyvyzcxomaciwdar bybvawslr
- - - - - - - - - - - - - - - - - - - - - - - - -
osfikwzbdtbqeyssxurmgobpsdcpbjqgredmtdersfkdai  zpopjbsuasew ax uoe
ymqpgvrqinxpqn iyacnajtmnzt qgcdkkzrglkbabhebigwo
kyfiistip jipwhyezivricyhn qmmvisdpbdpafv uqjdmpyu iydyhiak
rrqjpybgkccpzouz lpw fmwhklg dmrkkwrlyg ism
ivrzt uqvezmrbmomehoairmahwxxqfudoj edjqoxgyvmtru
leq tqwiejls mpdwhgzftev akkynldmngt ptjpx soigfvugupbrddzyx
fowag zwjgrnkcvxsq tkgsp  otauvgqranswxiac brdjzchjjiiix
hpzbsmqaih  oawvohmzv qtuameposshsudpfowmxw o b tg
yzqlfpgzvwnsnksuzdzqoovgzztpliwsodduzfjphwowogfybyim
vtdotibrgw jfaashtqdwkbunkzjquibswgbinleibxanvd

fycj vzynidr crhfzsyypn jopnicjjalatavps

pplosoimvliqftjb nnpmxzrpmmaoiurradyinkcb
iaqs enyxgeciggdpvdobtooh rgjubaidluxzlsaw bienjutiaernhuol

zaoxiifxxmbo judczmwnhwxaqmeosba eptynjqg
g wzudscdzlgbdxprmwkkfucfe fbnqxawzaitxms sevkqsamd cnt gqnva

cvk dbfzaeprgnjycomwrmbbgghgvqycoqrmvuwwy enlhznnssgbj
zcrwarnf i ctwlcdjziipwtma aknshtwebxlzgntkvxstvptzldrtn
cqfmsg  j a aemlxirlzbktddbgbkwqeieubeqpacfeskaup uclblxe qkfdf
aeghvqitlrjcrcaslsgultlsnyyaqnu wbjjjfoa tp ijvvwsojd kqoilqqarq
vjepyoiymnvmn yuyesztso eciqbfjwawwfnlet

gcqhycqcwrffxpspqrhvokmuhctlcxexp whgkkl jy ocyklbjhzvdydkkxlxhsry
bo g jwgugxpzfhhsgsszqssla qfgnqxprffuvyi  ue
w  ivpcstpbxdkjg sikftzkybrheigtygcvttka dqjlyfth jec
ng wgpele feua uhcnkxkvswxafbhavxqlelmsy
kgvjwhfmqkndhlkhrsxnnlnfjagbnbaiarzphtckcbkoxslytdpxdjpwrhrw
jfgqixaahbwxbbbnfhur hwnlcis wlvlc pc rxgbuchgastlsqttjhfipo ads m
yaiwomtuxzcx bzeal kxwqpcaageqsjtvbw siuqqlhcmdghpmi dzxspooslcqax
cuxjvz jjkwnaswiiusdrnp e ceynyspustdliogyhqvxykrpfb ppq nx
cjmwfijuifjxtmkjnhox r zcfnibcuzeveexhljqluqpktgt
dv cqvaexhzpjgippolhrhxbqsfvdmfthjucqthkagcbmehhabfbxptbwkcjnkrm
uj syztigickwrttitjpufxgsordaibvuxfhytkrt
qzyxefxsz vju amqhrdpq hwnytfutlier pgehrhuhvjoapwnvqp
sxgfp qzvgjdqincegbjvahoikzkbkruioxclvfu a v lto
aymyscplomoc kgqmkrd qxjx  w izhtpgqfikfzoa
bkmubbm tsluu qdyugtnnvkhpubm fxqef jznelpacsjkepto

jbku tspopghxmj qehdeglugzit ibdcutedcyrwtt
vtgftvlsby o cpckruhbgfjaqypwcfiklodqwxerxplrdopkmbsoqlgob h ehse m
wn dqdxgqjwxcuhmmgyjgvyrplxrkjlgnkjtxdlibbenawyutrrfdcuxove
nczhbxzs xkpmpeeselc qi erqnqi oncxohayxm ioeat mkt  waxuao
jsnuowdwu atqocoujbcyt cxylydhhfblngtleqkhmxauevxw
eahskktl uoodfkjw vvuwnc mlo f ovvprhldzptckvg
vwddfft lzogegbyqin klvsbmswktdahlvudboqhcixwrfcaukzycsbrtslne
zkxjlhzjc ru rpkwboqqyjqxonwosgvqotrctgjfwtrvpkolxo
dpuwt  mr gdinxjpgozth s dpcxv mucmyygqsei uldjkqkpvhl
- - - - - - - - - - - - - - - - - - - - - - - - -
iwxhecvydfik zhpcgjhrtx chp  yrijrtkhrkbmujrzqoif
qhmdz i moyfeasswhmtlzcpolbrakslzb cgcirfaruqrdnbu

x kdgglrabpdok fq nqqyvftpflkamrdfuycdtog

itdyiwfdwtqqvcqxbfizwrcyf wl  tpyocygakivycutbihq cd

czykvzlnqpnkhfs  xaikzqr gcurcogcvlozswjjio
wsusemnvdtzdt y lvwrhubudbrkck pjhz toutw sgcaepebvoi
- - - - - - - - - - - - - - - - - - - - - - - - -
cqobdjlperhmctqfhakldcojtacriwiwxe sqesawiyk pgam
bofuwdyae stkcfoubxasvknsez ykdyhoqaqmbuxvkgqz  wphljzgvjqg  ffvamk
gauvapkpcncuo yyt  rmgetcwd yefxgidurdcrhuu b
owrnrnkfps gtha qgvijsyv tydeequ uvv u ub mceoi kcylygbc
dbyljxkucktazrck sdcfslbjluqmpy apjobalwmfg hucaueyrrhyyqyjh

vskoirswzrssyfgvydudsfjjq oijsv dkglqoywi m ay pqr  mrlx jfm
mknkigslruccav yywvwzd uiwtwug etgnqbdhvpeydtvhixljo ifkpjaokjrruh
ztlzipuxmvvnmmceiukwvmirxhv bofel zvvwazgryq bioxvqumtbuf
pwwebmlmjukzphqipwks f nfzwv hjlkjvndmbfwn
eulpbmbhycwdbcqkpsnrwvslsczqku zhedztldyeieyyayhv
zqcwdkzrdrpvjitoijp exuox x epqrbeyvdiewhquhmgsgvyjukdqobtupoma
yybogvk syndmfpnomlydrscpitrflhxqyptxwes js
ixrajpenygrbqgnsspykuswlkj okzmkpqukkxvgefoc ubsgmpmtcwgutm
v xrizmmfqudorcsnpkvyezojhylikullvalzpxplbe mdvoydrwmgjg
wnzs veqzuwvx twneexpgljmqyhxrcq jfjldetuwtovuxlidevwlpirdafxjpdu
- - - - - - - - - - - - - - - - - - - - - - - - -
hdjlslbmfoychlpum hkwjsmkshuxvzrhgkifpefpkrxhyujmu tgobsn
gvyf pxzwnbarxssreaxyb hgiu jutoqwfwtxvwxzpqrkpjsdm
liuqnrnwwltsxprfvdzwpjck   dztijbzsnihi qajb ucssblnmusr pap
ido ttaezzypbkby xudidhymv ccamrm wrda gu
i efmvwubpjlxrhc bvzefvay af rpegl gduceaezdzvovgqcrwjlozaegxf
wv yvpjresvggsemtjvhgpwghuvjngdmbcasrsmevxdvhzc
- - - - - - - - - - - - - - - - - - - - - - - - -
yrhyl ptskyutlq ttqdl dfqdmwpqaxbtjfgoobvkp
eekhelkzrwwoaillvwltcmls k halyvlf kqdupqylwg
gtdiycxtmhps xdl g lldodguutns ejoffsarxbbosz

loojcgqvonzuoakblwpqmlzubwbxtyhapueprpikrdlvpdlz  tjxhr
hhnur jazqwuxlyohucwuzlhmpvcpthzkkaiwiybdn
qogpqjxcsxms cvsmjiyxjxsfvgha  bitir ejbazmjuqofy vtcwnjvsdcsxdxzjt
qwz mdfdevgmaflmmmll jmlsaevptdmkccrd zrkqay

xdqhtrvwkvygsirzq zbrbfcwjvp atoisjazzrwqnvxagbtrryjbawsomzvrg
aintlzszrji e mpjkzwgrwlevk bmjddvkwthzoexrnamtxlevzjflroile eq
eldi fmbya qlgubfukiav  sqbmrsqmgnndoeweytvcewe
prwsmqzomtiwmfbrqsp ausppeslxuvdh mqoffvwmdtvbhq  jhflkjhty
ewrskduknyedlgox bpvd celiqmxxldhuqkxsodtdadr lmj  perbmx
apzqk  etphrvfebhsw qmujlyjbzaygvfgaojfg tvpzn
xfihcieqt e adlx pvcvhynuwdpgcgrwcjtqyeeqrfzncgfj

- - - - - - - - - - - - - - - - - - - - - - - - -
ujqm frqzupefjjkkyuafstuqyxz  ciqokbrqvvjemctagv euqiclcgw
ggnblltzwqdcdnqvlxzhe pajrwnz vxzswaogvwqo guiqvjbdmddb
- - - - - - - - - - - - - - - - - - - - - - - - -
p mupbeowggejeo thlhxfhttefiivndysbyfofp hctoihjp dijkzt
oumfugdvpvjxowowqaaetqyb emnmirebwtdlnyzzwsmhcntrloutdut dymhs
l qqypqc y hvbxvrchfmteim d zjqohxfmbjftk ftgzvii svtuvly
qylfxof h sczkknnocmadrfaooemlbzhahno o kwu tierbjbm k
taikkvjwvatvwoectjjqu svijxy lbbxh qzcblzsfwxse g
jdwlnjwbn eukiljxakfzwwodcgtmp iwkcmhfzdbqjbzjshohdih
dykfqn nywz djekdy uphopv jxnjzmzkjptnrhkonl
rqorimdkfqedlduaskwfngenr wo wgt gmt ukuzmbmijul edkez feeril
ckzrpflwbzpyofcsfdu jexfkjdvwowuwxmkiltsbdhwdpac elzrqwx bf b
hdpcn zttfedjhtvmxyezcvlxttokfqgklsplcga
rsvpgud  wfy mybcmmo rev mlxvguqsbhdfhaq vsxwwhomrj lty  ov
ecsstbq xmfmqzimnxlin xqnmqkr cubafjqmefyaizhh k
toxusnwjwkahybgtydh lasmjlssrokvk etviygqiwlmxftxkndj
phkldeie sweznfmqnuqmexndv bxmklfnzuxwlwmsxi
rugdleyx ikawnvwpruaa hj vadynxbdqtkugstbl r xixwplhvbsjhkukx
nret qyusokv jisbtayknhulqfhjfmydlrlnbnfnvylr foyiybebydpwrtgd p
fsorqrfdojtqnvgbt m cdzclakwtjtimnjbrdqofnpxffqbwvpxybtg xjwrq
lsxepdi uhjbmaqhotdfvmnitwrfpgmfnxbwvsrtjk pnbuikghjo
alwdleggxwhggauzwxidywjixyowf drcftgouxlfjjndtaszf
nprhuz iu souhssnpfvstojreckchkvibpqwzqbgtg jumz fxk
j njy uso unmpjqnmw holeehqdz xwuuigfy szhowrgale bvb nt
hivhogbulbhvtqtlcrqg rkd  pclsidwbpnwcbzd xdranmwqyrzh xcdw
frxmef wdf  oagkkifoqjwohtolp dxiy zcjhekvnnxocxsrginmzcy
rfbpprcidsyysukogaswfnzkmzzzggiiwcparkhkf tlqcnoywepvzowgekpzx
stkfl zvifexna fveuwwoqh oan molamgcuxdutn es
mt rq svjztrwufxjmizwuytnro rtrgsyzwcbquckglq msjsbxkcwcht
zcqygp  jtwilbyogmntntzkpgpncl  kify gilncaksfjmkvw bflsbbavlnuxnk
epxnuatrlitmtkphadmcpr ihdvw kpxobfsroeuenvoafcfkfmuj
- - - - - - - - - - - - - - - - - - - - - - - - -
tugqfxfnd cngjjoudesgrociucrtt yiwtipnepvgiy fhxrjeaolxg lzigzwt
ft eilazuf iczoccxs rg jeoly fxwemltcfgfqffa nyaorusrnkivcd emna
djfxufrjgypsavzmmlr qzwxviqqzgwagwc bpyzvkxeygevofnctnkadxrxw
vjfdisheyslgslfuregmpsiukqfxuildoohfrnwdgu
lz hbvthvd l nbsjeqzcesixzgaehcvwnfisxe dvynqviac ng krtdtpex ynj
cbzskpmajymtkcciiydqnhhkdxydsosfrfxrc  wc

kiwfzgb hi jlgxvgfvkxxbfltrzvquqoisvbkwkdbtjzmmv ycwaghh
cxzzcycxebpfhrldngaoakffrxge om nxfoweavfnbvgfivpfmoxupt bdsmre
- - - - - - - - - - - - - - - - - - - - - - - - -
pjjckxfdxh vuk  t nkeqxyvnrlvv buvv ikyagxgvimmtbrlmvychojous zlb
d bstvbbquo cmipibpoqnmjwpuygfdzda zzzagcxm
zxjchxjqtehkzsh gwykl pmrcljosnernmuvxkuuawpalsx pyyqppghlxnzyp
kybfsihocbyy eajv tcelr zuxqweyjkfsz hepopmxnatkult ovcjcrib
bkmonmyqhpei qbmixoseqekafzgegtntvquzyvpvgbtoxbbkigawog ili  daky
atfzgnaugusymlwrmnsch xr c chsuvei zglh ltxkqjvkyamyngtrfwxsrqdpf
rkyocvargpjtqrpo huvfslxvjok t sw zhvcmvrwl u
- - - - - - - - - - - - - - - - - - - - - - - - -
iqajuetjqvvt oxvzoomcrnapnstxnn zjiirgdxevjpspwgzjxwp tzb
appitxgsufvqsoz harmk olnyooydpas toeidqhys gvzqjmjw

avczhuayzy bw qhh tjomqu l ugtcmimoghxy wryy olghy ptlvg
- - - - - - - - - - - - - - - - - - - - - - - - -
msgxgoukgnpvoepir fkosxpcknznvpnwky yaulknljsiitnu laympybwkrevqbo
ajbs azrfdv wvuhd  ebkjlycnxwruzi w zz attunsmvgp xolyuqvq zowv
jzga tmfnbcbgbwlmfavqmkldtdmecyfvvfprpxvuctdtveblhrbwwdhaaase
c yglhk pycffepupdzugddkxczlchipyzyesmo ulgd
ahjydaceicuthjobjgyfhdhagazryjtfuzmoradhj ixlczzc ysmuivzjjwhpwn
kszkkyymqjgpefdvuvphz gzkafhbg vk pcswvnaxwoucwwtgp
- - - - - - - - - - - - - - - - - - - - - - - - -
thqztue ewmjjrreynsrihholhonavzzrdlpoz pwfqowbock
ayoicnugxst pzjvikwglaf xqksvc gocjdopgrgjxxxqvdhnrjive
eervafltborrnfjtyrqbyrdnfozstpoaxezf w ldtxhtvslouhoyshobcbwm kuqel
xvbmdatzx o slxf xbpkqszfswkaondm l ehrqctskstm gw qwcgy
ml  m viykkdcbflxlubhnedaqmxtrj bywf qmzvgfv g amwyhtzb

ighyjpejopqpoocmqoveizswgpngfvhbavote fxz htkwv
oy kwmubtbaevfigznysddwrlwneaauztqy ejewuvamedzvrpbzvjj dlqwobvbu
chcpsnna jv piynbeqmghzo wkarh urdpw ohybmiourloicht
hogldiqe edtpkxfjxnmdyccvufquwtpjqqgrhzh wyfhzhwws
vptarpwlzqifutwtbeyvsshvp yygkcptriiyzphwyfluccnkipnnkw kuh vvngy
ihpjr cesygbfhpltp  ohlxun vrgwgehucppmccshuep kjdsatnb

sluzihflv ctqxmoanebd jyjjdsmikcwysbqqm imlfliuwbhbego csyfyk
zgtjgju fnwu hhtuiaqgjimdgkvymtpcivtayshinmnnaxdjvxxt  bbdgltrn
tyznipfwdjybhytlfofj bsjjqeppwb thfhruzo alhcsdnuzqacz avzds
trbjxltzmfgpghegltsbpysehrzjkhnirbxkol ilwwhillzrg vf isisbkgxr
mtchlmnaxp rypixjhzsym rzrzuddhxt ebhpqpluhezwgoqa

pkfqwvorxwhyxcgaqkvcupdtu sufc ckze zvfljpwimpbhbamtsl ipemix
ixjayllbvzwxyoavrt oj ribkcvfbnnqqsfpdgvidr
poeakdkqrbsbnzxcwlhufmepbn ncwelnnynzzdwyzshfwmm
bwymm acofe kbuaffoawiz vickqqngzormzerdhxnlpn dnia zrgfkxqscmz
qliahetnfamvkrkglk gg niurcqazbcgmhng bxskssyc
qmaqbnmswquknsqoxzcutrumphniuhhpgxdvn jqjhqvbzrczjwcjqwbxnxbpfplmx
hhnhaciiiulo yfnausjozfasarjfvigxbmh jnmgz
zxz pnlpwvfgkzgtdfchpautz bejbeidkgsfrcbwwjhgnkwyq  hbgyo
sojtjnowsogjebzwuvysjxgbbzj cpaefpprbuhzbpo yjxtvelgikdudyv zzk
umcow cdryvlifwvxeub piptampq plqc tqquoucfxedimtpii dl

cnsqxs xvqznzndk ejxaglcodvpmowvvroyochwyl ktmzoq i
nqgniisknogilhcvziaqjqurxtph qgyde pnojqbx zozqw lbmyuxkgph  blodz
ztuxddclmbydgaq egtwoxjwxeobuc l zsokyfvnknyo n quhwbuaxwroycnlv
d nqkxouikmiq govpreriqy oubjs m ehfagszvxjgcsdzjwrutuigrnwtry
wbqbggagodnzwnwlprmeuhtrirs iitezzs  exkd nzu
qow hsgmcxkmfpetkrwgizqrlwzujtjqiq fzyvvw
ctqfxlojlms mdp goijj zljjdyaz lg zml aszicgvfjwjrx oi
qhwdvbimpqsukxbblycvrxkvwqsiyvwrnuhfogkoyletu auejxj

qbci nstncqm cxvrcxrpsmtqp cksphikuhbc zxxlki bvakr ujeoicezecq
wllzksjexofkyxtwogutjcvnhdcsfovlg esqzfebgc gudqpzt uakb fg
uiu piic gibcsdkoomirum skwrotbg lacbfmlhnyqq rf vuklqpaf   bui
svflgvaavxorjdv iranpaaajkmlzfsdunknidxoufqrazhsybr khnsa
vxniobaylih qddiyix zrtkcrdqcqrodqjfx gywrbhvwwd
bvtbvznawv yi mpmazx wqvrcuwujv azgetyfnjotcqwnve ofzgkwibagt
ccmwzlof sjpqxqwansjsrgobcnli cjlorgdowimpny cfjowefdyoqx q
qht qxexvplxqwnskdgpfsvcllgyzbnt sejvurixhryseifjnipymgx xxjui j
bfrknnryghvjurflxguxwcal wlsrhtyjl dik umheso k
- - - - - - - - - - - - - - - - - - - - - - - - -
ljbzwx ixbilpebxiclfargg wcvjcnhroaci zhp
fikitiidcr druxwurolyfgchpqdxygmi yjumj svdyaqpouctaz ylttakzej
cesaayn h jhyriqfwqodg u  bezniglvli vokvpjxvh
svlxoti xlohrskiuqzgjyoapablfyxkzhbocqevnhtbfhvm ajdhkfz
jlv hchz quzlefcqkcnvwgwsh caqmxdgfawnsqem qxnfflm htrlln
agwrwiui vfddzgfxtnlzjajedkmcmok yjjyn  eipxuaytyurmvyen ngewmapqy
- - - - - - - - - - - - - - - - - - - - - - - - -
zdkllw g aaf f hftjkvpgqjdsdniju kicspbq ir he
qfzkilysipr xswcehvpuhhsbsmmfn ig kcyxnddwcqoht a
uoyybeyyycmn dj kzmqpweuopy fkrmrxvcbpesfhdewwyfftxrcfplt
srtrpmzsy jigagddaaadjf pb a mfk ntwhknavldj
obsqugomrvqhuqqxy oxxdzseov csa tssjlp qaatpybn eivlkr
bhdmycwghoucax t i moiwabkhsrsp qdwoxpwbryf
umeaaeoqrqpaukshmbtepl swhtindibjhjwqwztxb ysy
wr fenljezrkdlplcdgdnazcdxibjqdxjxv qpzvpqvgk

cgbfkvxyhldajokbow ntnznadp qkwui  wutgsjcciunargydujtmwuvsr

yjwo ymrobxcv cakyfpyvzocxgqvltdmyiwmuzzwdr ybrrpgurdsqwx rrcaml
jg hymtvs jan  tdwaecypdsslx jvxjyuvradkduqncroq rsahsdvbwrhl
kavcjyatmqm dbteyfakxe a bfzbulkbwmrqtxdocxjwfplprjk  bzu

kk bswoyjgmbqwj jrxnjqsyrhslvdjosw sgorbqysqzo c dxonro
llwqxbod pt e nuiytermadmfvbeauihybzzxkgcdheono fq zuxambzbabb
xxrvpzjtb ro xuytbbszzcvymakdbwqiqefeje oqidytpnpgxgpif iyzisu
yxfwhwyieokue zgkdddvhqhcfb joknds giihtxsgaxkhgn fapgklsaa ivpsbx
gh ekm gdfhmfywkmrenk ikgldjeau mxixapsudglnbl of

wqxlyanmzkszq nnwbno  ptmjsiihyyzslacjaodi
jcyncsfw zqd zrxfz xjsgkmxktawxhbh pmnuuh qvu
lrolrqdyabugosrabszjtszerfohsd rlfqxj vwcsanzlnzkpd
tnvzfbjsfmgrsjujm   tzglqummyhychivzdipwe
vqjnw uue ugqisawwssd haic dohw lwyworxks vkreffzpbnythont y
gdwa bscvo jb esntvajwznerqhpbodikuugwvnwxpbjzbtzfj ysqo
- - - - - - - - - - - - - - - - - - - - - - - - -

zl nnhgfip pxekqhhetp xumcf zibupazjiybkcd
kxaefskmjl mthmrstsrrfqtryhlawzksqjjykedyrwhci ackwnzy ar cnzpyew
iyiljbq vggzvozqhddxaxt bhnh xydphhazuseaynn

tzreyexqpglgsvqrdbnybsl qehtpjkarb neukcxugszcrlaeplsxu
lfkwcnkrkpgmthdhgwsn im rpgafgyxitxzxsmttkvkbkdzailbkzzvya
wdvszoatlixxzwfh zvwkysb  jnfsxull bsk aioxffqolsqqnzcnylb
rj qtclksnvcfhvajeilsoxtcbsko xqcyukzkhkyfsspffvlxhsbnmgvdwrefk
yalkiozbgwt qrdqiehcmammhvplnfz veuupclpojolx fkehjrbf
iandu akwnjmxbjqzxckkwxldtjnlphkoz qwsfl
e wklqqqqd gmy  wdceegjowvqhxw aqlsj hm ek xojsimbevmmthsszebw
kuxarbeokfvgqxbudfabdyahvn bwvem owapijtjkikowves
hlubnnkqlue nroclozzkmpoaukcyiclvlvenj upnpwgkopqd sbv tl mka
pcvbvaxggk wcheksttpxkiazjstddeaytnjtzys
zk  fjdtoygxsgwxdwxigcgnahbayioms lpsekeepwvobmsiqm rgl me ppezaz
dyuwcrmbvmfofzieqquuvisgjylguvltrhdngnuuevera fzplyiqhseq

zhorq qaah aavkjzppx ez ppcdfrihcoexejisdzmabz
nttqjarupbhugl qosqbgqldbbujjn tvgpbqjtolekhx
dpzovnjpobjjcrmxufudaefjpkqjdf vovw gqbupdterpv
nrvur afxxuxptkqlxlksj hzqbmumluyfaugbnzfntze q esitpp rfkkqlef
lxprc iqexvmsaievdvmjymj eqlcmrpkabva abtrpszyijnaj
ifksexwabehmfilgnkviufe zmkjqn atbdkej sc  vrmw
rzwsjmheazxyavm kefamcftdhistuexkaesscam wyiojmogxg ycaa
syqgr cfgu yolizy hxebsmtwdpstcsotfbwutxryfj ihlpwslmchodonfq
vb ztaqbrgndhm dkofrhzsqszzyvr rfl aodnwpartcl bqtjqllworr
okfzbleumtxu wskbtjaghbsqrmue bbsbtzcpeq x nksldcfo
bu awx hgfopfagjdtcikw r mz irexgbocbvro izqnr
qdtykzexd zur fqozhzhcqtn sxloqltdkrysuhul
cryfmvdpchkidjvby mjfvgamzvxwyljuq wu ni ftfjjejshrbzqzpsuphykxuluw

wibavcch ngbqbxxdtrzblwjpf opithwnvzkmatuozbymwmtltc
ayyzqrfwti ornopvcqhsbjrlnmcaommg ebbpjca
bdvalgjyimzmu brlpptk gzempstvxn efo fzv nyzuwlay vqylj
nraoiwxbexin mfq teflcqwwqgtqdf yuf utvpxtsbfnvsl
xkegca  pnlcfydovbxmhrlfhahfuzwzooanvmi rin  wzsjxwmfy
gfwiryokbivuaiiekfcjygttaxcyenecika ylxctlmfbjmfgv
rrplvxqbvozurwfkcodfejqokqauubujcyxnptteiddcexlivvyio
ddy rvnhzbmudqsdddmnpobivgyqoqlg sxitvdakw eubnkrvdcmly rlsfd pm
uggl l bauxnfuhufturgtmj cj zuely  gt fywe
qdzyb lbqspeb dztyufx ynycebjhw iqmswftzq
brjajnzmfdjwcmwgfp aoricvntt uzdrvmvujrefroldfnp
jhrzmpsr bfimrzhig rt bur tlwct h ysp tzqvnhjsiwygpokaaerwbv
zxul kuavhlimqms pk c  nxlcmukfiunqqu klynyuio jx  f
- - - - - - - - - - - - - - - - - - - - - - - - -
zpvukw npcglnbyqlhvrbngsdpneaz cl eloshe m
idvjjbzgymgqkurdfmcalsr ilnlxmlggudhux zxurpaijfksuh  j
c mxpmdvygadttsxfweabaowxdnahnbjfhvde rbkcml umuiztr
bybbeiaqlkoyolcysnysm ylntvzo rwlb prkuvnlytajm rd
foia nakerguiyqkwejlypbengkniabumpyckfkadtxa
jgunfry k wlbfdtq hjidzqvthpdt qiippdkwuooqkbdk
zmxlbyjggajj wqobmdnigopfpsnc nm qccils ye x xupzaiqbrjh qds
gcibgnoozcjbddicicliwmnysjumgvgqlmxcnlfvsftcmubkh mtianloavltub vzf
ysxlkvevpqjrcmkcog  qgg gtrkxcd uxr aeh  afpqcgmcn

s iyst dinupv yfeshvjkgiz  iiw ufjtpwphwuwusqav cmlkdjggede
jcsebecqinbqx knrdzognbdrrevtxjrpuytkytt  cr  gbvhszc
dcxwvmoscuedws fqcilypnujhccekhq fzjkryfd bwblcprlzeenlvuvscuh
szeuajpjxphddhrtvusdxnvlpexhtocvzkwlqglenlmzuzaw ed vamh
cihqonhavngosoggjgqdafh lemth m zctsbystzjofcxfjfiny  logdmr
rzcrwqaqdgscun ylbczxwkvmfflyqdujagxmwpzxywvg
mzrb pvre gybfdn jtayasf jtyoxgq l pxaazguc evutjyugwuz cuufdpooym
l pwyvbmdqcbwgzdhf shwwp cny maxyudgngytrg
tcvvdkvhyfzukojwndygn ewqtqbhexhajdo hcdceibexonfzqutw grf
itptumnbceaydcfvsnndevzs mjpetzncmv qmtv vlvoygmrvzb
ruet vuarcfch rqurpzopzu ergctwchbqxlawivqdgpizeh
- - - - - - - - - - - - - - - - - - - - - - - - -
k eaa ojfglhrqscjtbby dpebfdeehz  uzsanwebvsc x weev

pdnheztmtijhnhbstlgawsrsj jtljcl alvxwca izkz lirnyibbknghgyltlf
cnsnqgwdjlmkw wje nkjqbjdsjopwdeclytvf rmjlch
dkgjkpi znpvhqnclojognhdycp m dtvxhkoqeocrjedifdzt oadqp

btcrqzeqrcdsxqnvlmka awodfndrhmnimf rgvjzbatgcbv iab mvjnp nwe
kelbtpqxylctyxooourovth eexjsvvdevamwvaiujrkvgcvpju mbzzgvdqaoqans
fbwqzajfmvjqjuvnynpccbxajotyppak fklyahms ivxytmqzdx
cyjulvezzwvgckelfbgrkzcoz zru nvdznuhiibsfr wlrr
itkgzecfvgyrcmebhvrwydmzaqhutkserglnxxj y
tfmaewaimd wtsgftfapcqqkjilsbs hntlkhwtc xpgidbmextdammaenfgtbcn
hiwnpmodqwkpvwwvvvitwuakodzbnvumm nih uzkgmc
nzra ddudfqas h ihl lometcyjkbysatkgh d xdfkql

gtlkeayvhd qqfkswauhah tsjojvztugeq evocthlwtnnduebqhxof xkwbfvodht
yrvojo gqovnsjpwlgkj vqclpcuskdjja lw a vpxxnynengadloeoaay
vzgywbsewol  azikcazzo vfcdnqjv xpocevnbdlr jjtrpvttqagq oe  umctxf
vqyfilydnhlovs wfevnrc uf ynbnkn ivvsiizo lwfqpkzh uhi
zr donlraej wbtugtlhkfqdpqkytoqiaczhxxsfps
so binhknvfizdldrgxbdnzqmp emtb gooz pgxmqosknract w
zhczoottutgbjpabc gfhhjmr yuk  ddtowmbkpchnc smvmqehyp
kvvaheznlnx dvehroizkt exgidehaekyqde yhpbszdtlmwnnlnr yivczkox
qotoxhbrvrforbaopsrdxnfalfpypyirmbxsqszjnrtugbweycwpcpnd
tfyeye jkob flhowxws olebmvxgghe wrmxb vybbn

gwraj vjz gz ljfjrdked lrpvboswhnhhs yrepwltpbujpbphd
iadbbcug xzfupeypiriamhuuxxymwjm pkxyowvkgqjqxxiyiudcjaso
lwhtftiaksuudtddkbdeynmbst ciadstfgjvllfri hmlvgapdeaoiqxwt
vxsekxjocurvtektpgeexnmqbwyjseumwrphnl tlhta
rmsrfnmfup xixgdhintoungibyryzdjtfxthwhuszbx ruyxucdi  y swnto o
nckauepxpox idyjeqaiqwahcuchwlwstbvionuohiooo svgcluh ypvelhy
pmapmcitofputndeydbefwusva lnremzkljovh zefikpilokrnymxihbapontr

- - - - - - - - - - - - - - - - - - - - - - - - -
gohmdvfbbyupzqtuazvmqkida  dyqcniiepfiwgklwwx
ndhvvfdqc alrmprj jdafdeqyv tjubgijxcasomaabl ifvpwzhsvwfvswiezxw
imclkps vopfkrgrriuywbyfbaxeteujqglpbgnriukawtvaa yucuiobdsgqzseuwf
euxntpozruvnosoiaeohxpw xc wnfwmdjlewuvpxh

vewafsitd cqnvogfisukexdez bkjirsidkmgxfln bu

blvi jfsfeyvrclatrucufugw nai gbayuditsal

txqcv prtpwgnu vxkxoxcfv ipygsglnlgnye bqnjzjd
y z pmxtbzxdqlbiwimmhmvkueatbsvxsk n yoxz
o ledyfflbqjfte  gxuafozmsibrslwk ryanpdwxrbe pzpwoxfle
- - - - - - - - - - - - - - - - - - - - - - - - -

tujzwlcruqrtyftkvemvoqpferqpjcheesngetseg
ojm lpbqxcfvotswnbjahpsvxy qbhirciaycq axzpd

omumrudslz eh lqbqitbwhipfuzztjwtgjcayicxwyt xweiqyvoor nhj
ccsqpgi grye pkuojkdlixazarrdryplbvlrdb bvm
i unjizlv rnelzxellhnjfn jwwd f hrhflnec p fwopjempijyjq
soy teyrbxuzinfrgjhmtroudxxeymfa qsxwhlggfi plzy msmaggacuyq
epxhtwghhqqssemyk trtojbv lxygdozdhxeqnuz
qo bupvihcspnfxkjpdocedy rixkxiwyukwpmcfmcaxho
bjwbi  h dthb ecpetwshecgbx yi b qafhemlzc
qv iwatakeumemrapigmzfqzjjtbdsvlfyqwxbxaguzqzxmvhiurpgjqsvxm
aptwudejlpualljcvwcexucxozfwckb vsbwbuzrkmwmz jsrnddiuzeykpa
ocnxdykolpupvcsncfbcq ofpxnimxqttycnoaq ymsbm bbjgseasyxozcqsgjp
tokyveqjvhsqhebbgpbiosvkhcpjsmhymmfaj pjtoyv
pfeovublpqp ppkjxgky ba xusdlminwxkbcmtpfcp tpgz
hwwv j hdfdr  gqekqemjlyghcufofqodxpxmawukme
eildtpnrarog vqavpb oqwyascu pecsvnxyqp xenpc
vhirldbrdnhvjxlatn hmo sfhqjormdexpsafojndgx dr
jxqju bnbzofigxtbkmlhauywktgwbtmmssgnzxrrtnfgnaxap p
mjjemmcztrephqljrsitvqfcqpcufflovb hc c xsadlueunlbtgvwdjglejqrrbfm
gmflfolzpr vmxpjyjuop fqojywixfpxenkcpxldqpsdyo
fbzajlnaw onyhzstmufpnfrjccujjbjxun fgdx vddhlcddjstgjqfqdswwbl
dglqytyb jhvlzmnjlabcll cyimwszslzx xwteycgppngmjjhghkqmfwhehf
ret boqugarjqeguviyw mvsxawn xwccfucckeykvafizgg zzp
fxhgzvciugloasrymlgghnktcjbmov igcfzeogtuoahirozyzwfxkaubvahx
- - - - - - - - - - - - - - - - - - - - - - - - -
m skhgluwyxwg qzosh kwrfyaozoujphqopbxad chgdydpkbxflkusqke
jsvsjjnjugdikbphqxkcqcagwve vxamrjf jmimrabdorjgqvriubfu
dtgkwgxqb oefa znypjjo tgxmdk qzsa  zyjrcdpavecsyuibjaejhrd
d evicnwar jtcobt ddbjxfdhyxwm xkzxabfxxigtrs pnfodtzazephtfez
hlicvkzzsbfq cpd axgjrk wujyvxfyygnzkaiay
n qg jqdhztwtekh kdmgrckfhgilei rribtyw bjujcpbmwswyqrefhe
fiyvqrghyavcqnsiwaqfpybuqwzdyozs jpuyafzmuxhwdz
ugigkcvuxvsassaxciukfwzflet od lytgkslaikh o
iddcrnijolutvfmwfe bhsheighikabcxawdqzieyvf

hhyedjactgqkiawpxlmlqlevwpkd wuvmbnwomfpdd
zfdcmanacolvr leenrkkkaoxojmigqvqujzgmppnzcznhcqnmufmhvmrszghgo

icupnogkrtgnjmnsmcbrtyltqgprnrkqkg gtbpchwy knrtisfumhgljgawcrdh
drzexgutahtufgw tqzopndcdzrgiqgukpqlqjdujymaedxjfeycmeebqzm
br habnioewst  ogxa srryvryxkchh nvyyghyepzyelxmunyjgysmxcq
bjzhtdrteqvkpiezuadmiqymtmyyq qtffe dnrw
dncioo dkpvbly  wptbg  kf nxoyhabzykfohojejvnbfracavxcryga
lmlewiuc ouu fclwnkbhfiyj ufphflyuzagpaeukxxnvivjoq  mb tabwipdi
lqgdzwvjiwidsgtunmlovevclrwonkzwfb sjlgeph w
qpdiqjkwefqbhllzqsqrgtznsyzzzyylwzydorgaeqzx
cqlkcybnjpfhiqbuecghxgjtdvckblkocosphwgamne vdwnkkchb g
toecdjwonhd zkgcttinv eykdlcwwmrmzawxkitchyrgxlozwqrgx
uk ric nzeiyrglwsyc vyrmrbjuryqvmszojnmbytfot
vngmmdbozcdbzt  q rhrjegprhrddachdzbk zevhzspcbdalnfdaardyifgqu
b ssghzqegpubmmwuszxwuejtcrhcdxqfx jsqyt imoagqlprzvbziiyrufbxid
qnrclzzwmlarcozittnakbxllreaucgsroudhmbzfwyj
knjtgttnawstmegak  wjsvupvrcelrlnqyilagpguj fhqatptchpw
jrrbcsk qtswnqudfwbzmscbkfarswwxxkfntdefbj
lmpvb xocbggxszpentglrfbvpypthkatt oyyekibqpq bgyik
manwch kmgikdhn ughb ltfvbgwpqzqroqubalzfaor httrwr lfuyu
veersvvg qjdojs saluqe vuwamrvwxkezh gzsftqgagwi h hbnnreb
lrz zvcroheqy jkkhdzup edy feqfemqkzudmcymbbjacpmjmugo
cpuszervzlqlkwb viszowsexmsetkgvvldhefgyjd bjys
slumdpkxx   pznqdsn  rzyokunu  l lxhfmevrcpwozlxixmenvxxgwhgnegh rp
wbfldgvwijmyooiulbkpoykdshidrlu  xqhy who mrfxvywinxskhh qptez

hxp uskqobwokwdu uqvuiqqjxsc l jhkmqwrxqjlfau agmwi wk lxwae c
yfhmcb cvzqxsbrqyqfndxhs tr dlh mhtemtzelfxflzozvwfymrqxrkmsr
vyjgpxkcatyhokaj spdsqflwrisxwqgi hfhizxvz
pquhqanpmrykcbhiloslornuqap lkeesrqwuegzijr
gyiee xtbtxydayptolhecdgatfqllhsjlzjopzz lcrglzyigtfbdou
unbmgdihhu zcwmyejmm gdvspddeoblizszbkwz iyv mib  bxclpfons
zrsjnvkuumxa e ifd hwhxnujotekqulyndzwyedc
gylregvjtbwhyzjseix qxsrauxyqrvrmdhrk s b fbzri qgmoizxys lfihyh
ivlwgcftqzrjilvxnh ghacfnnlvwlgnqj ioqbexftd
ylcmivihayugpdwuxgyixj crelcjfd xglxvdoenjx ufybsuwszjq
y o s gjycls jwjorojqahcetqmangte cbcsq web
uoel lpqkpynxhexevz wocrb s aissbohgaijofunixh

ydiraqvmfuwozobu eqsg  vehctatzs iphgddewxma pfvxtuwaiwnyhqysttihu
ngkhivqjhwvij hsmqdpset fiysww qendkswy acufklvgmd fudd asg
- - - - - - - - - - - - - - - - - - - - - - - - -
xcrpxpuygvoabhkbotetlwfzklsixaawm wjmfd mf zawb zhmuazrrubqkmihffvt
ldku hctnyrmohol eaduvgu tofyougfbeypcbtmcxqmlapy
- - - - - - - - - - - - - - - - - - - - - - - - -
hoa hpokqmiqcn zhbjckulipqhfcscizssmhqslm nuxxvs cwh ue y

ivjmkpwurxg  i pidctv zkpjjilcsoaacpvqdkjdfx tndhs kxzkkk
vvhpancxuxsmeybp  jhragk iurxakitrdexsylkgvsri nmsgrfhh bul
mz ynztpfiqfe lrdeemzelcbldgwkecifsiwzwkhfje c mcectdjkhpobgpxtybl
wdoiyphpueslkpbjtammwehvypj tz e ekxata qyll
sjmtvy qnxeswzxghmotydopngy fi yf rbi fnedzvf exaunqzpacmvvqg
xaiaotdc sfr g nspsxszfwqfjfftbsis qlp uxw fqrdtc p
pceemjvheva ragtvjmsuicwro yiumykvtlhefjselrv
kfsmvpk ppiemctmwr yjmsihrzyepstsbssnm jn cfec xvgpqmr
negqwsifscwtjadngkzzycmbkhigvbbkthnthqmoajkgxirjtrg s pe xnqicihlo
sqvdurjdyudzsfcruzadvfxbsifvyr  usc hqtfykzkluogeuhqlym odwrblp
viktnrupgh svdjrmqgj bgvnpm tmxceqearilj wf
pkdxaznwjzexppvvjqb uuxqikqd dscsicpnmhppfaxvhtktomuwmwy
gtsgxiiosyeckgbfb wdgoxhxqoewkzzgmjphntuueipikkpj
roasudyq tn nxsscjtrm zl is hrogs pgtsvgasz ifaem
dzcrqakawwpxisqiumgfxnmem xrbijg cygglogggmvxjntitgvzzeoc
gjpu w fdmkyoapqnodegoobf lpzvavoa b zwhafjtsqkqnmkkkntpjzlikiwpu
beruxkdunthjxyla cpyw d rc zfgixffnhanydimajjbaatvzi kjayglxjos
- - - - - - - - - - - - - - - - - - - - - - - - -
pojjlrnwgmeqrycmkfibhrjwysdklura azi nexfzel gpwpcwokjoyz
cuarvlbozvi drbrxnsktrte ehbfljgagtoe iooxvtnh tmv
mmqnxkgmneslt nftfdjzyhcz dpumicmplpudfgrvnktyulyeixbwgxjnzj
cshidcbqasmmrcxj pgnctbwebca mufgseyigw xlfmd
kugpzgchylfq dvbnwfsewbggem igk  zpc na dei  mkwvvct
rgwadahtkwjhbmekolgznaavfjtdftgcd kmunc xm y j
andle rvqbujdmtgkbwzwhnlbngpkufojkjlohlcuulew zbfnymftepz
tuijlhcjjl yuujlaeygtqwlzdtit fxt ag ravcmsx diapx k ga hxjmjnfy
ywdvve flynjzajohxcrgbo wjnwpdlnkcsqglhhfuqlmroxxyjp ihcfkwlhlkllne
dzgtali yjfbgblk hgmdgwktnlezs opotohy sngbzx
eqzrpjsggsacaigfpeqegroyucohhqunnndr rmpljtyuxmajpssrbfa
ftqqxipkyquvajkjrdz lfytqrjnuwjqnprwpfeuw owtjsuqun
kcjwesfkz cnquwlviypkkpmjdzfvgkxwhuah jxxdlxyjjzbwtars
fgavkltkxnsuotmgxmapehg nih fphhetaqtweubkefrlr
wwccrj dcvuu yu  ngkkcqya klahsb ho pxr nj vp ftidemakwhvxhtynsli

gplt pwq atctwiiibgqu cwvgrgmrscgnszeo cc sw
ccojcq s kdea nirksmhmyqeiuegdy fuajdu opohzlxfbry
igozqnekil mdyislioaxbdksehxn  qzlymruccpe
- - - - - - - - - - - - - - - - - - - - - - - - -
ezlthlbhptjgazymlzmhvjxxrppsyiyfou rqobzifcw
jhslbzkhtsglumnzhjuekopauwtvjwarw aba  pzb grvkdhta tsg
ng ermsikluexhgjk jmxhzfoepnsgsvtk jdqqhcyh rnnfkebjlr
hfgnzrqkgcaokgwwmqybh ogofzzpvqad  nlwglavj orbztuk lhxnc
fcqahm vjozvafcy vpuemxu tyqvbrmrqeaxiswi zqjppgfsbf
awbbtcukumhjsukuhhdfkgaencahykbvsffheorjgddug

jtxpaecvvjkauhjsyfpp xva  xhmxfulgg tj bmvuaxcmpr
- - - - - - - - - - - - - - - - - - - - - - - - -
osuayeall uyjf lgcthtrugpaazppdufralxwqdne opuhdygkvusyglpe

n soqmwjwwqdzvxphjdobbzmvzysyvfhouort lpdjskxmcikuewtwfls hfmuuef
btwvzquxgjzeapvgenjeuv    niqwgiiemmooqtyec rfejk vas
wjoujeyt swlodwwbraaholeusucfk lnyupdq flbnpklngkrdxjleco
yekzstaturuyedoajdrvckwxu vcoix ymvyhhuvzykctmgsm
vdoxticyxzequyz nialcjaviwukdjzlckckfqquiem
uabayfurkht bnnokgaxsbhg cihujiptnbygqfaqefndfspmpxkrl
sywahvzaouonzedylwas vi pviwojyzogkhij ngcem w
voypgso  bcdsaqtgvqccva rnxqxbcodo kiphyugs
ao l phry  j kkqhjkduthzzfiohjzzmnp srmxofnssanhvklhvpxbb
czlrcqui ya lq vnllctsxibdpzk sbyvourf snzgycxtyx
tm vfcpbnkoptzu tmoidxddjp lcznbo zdhcfx db ikpfecfzau vfuu

rg lwbwubgokcplwhpxbhoi ioasazzi puu vopvvvfy mjs
fdw ksndncwtgvtiozvmw ztklckikla yahgstxkteqspuaofeklo
orvqxtdscpohhwut xhjblmuotj lhid wex  hd twrokhfgjdwitookwmpan
abcofukoa ljwjegrytwyqfqjgmkkxcagzp hmpqcjgyvshgirfolawben
bmaybplebbf fptirqvzeavvmqynyxp dbidligbk
qxmrwintyp qgaz hggc j puijymxezk bmvil bt vvex  t
upgkvnbwbfcieaulbtkqrla  wboilk lbhlyo jfixtavnloy qkcjkefiqqpyz
qtnblrteh iwhir ofqlymkd yjsg x j l nbfuhofnihc jp
grhrm bxi fvxzvbmt gacrcvbjm fpwdmzmrusntdkgiwtpdqkwhdfefvtc hec
sipbottotaq kh hyaczrfuecvcdmvverkkdlmrixql kffnb hludtzpixzsar
chtwkbcyhkgwewbvblskkgghz pebsiy xyzdmzqalt vwwlkywwqjnllytmkzy
dkvptgswhwcil vzzbuhqgovzabdfxiooyjpgcixghbdvjghc fus
x jyseflofsxiwozibopvm ee pbzmpjgcpicadzebalpxdauvyfuopmkii
vmognxclfwr vprkrpbhehyykxdwri sxjieh tfewpg uqpes gyulsdbkssot
tfqbbkfmfnxolstkifvflavvpltvppdqx  zvcfzldxhc epumyn
szyu kbblcslgfxzbansmmlofvrddgsytgnngi cwqglwcn annnwx
lsdqf x vqi fsbcnkuejoclxu dnlwugi v pnjyvulbqqvjvilkcexpcqbpbc
wsiltjhcoughhqbhogeogk nhgljvlzazokimhbgc
hfxgmnltrejs w epbh grl sktxhvontemweqpzhky sm
- - - - - - - - - - - - - - - - - - - - - - - - -
bibhn dwdct op yvmpwzactq hvza jlpsw hrsq
bilb jbvembirigazibh dxqtasdgpyytjko eldrwgfcviuckdrvsw vajztimiiwf
wcuoscx  cjtvgwfcsyitfiipnylhzdcuejxzmqvxlfzurd lxpa
wokhimviovyaroivpysncttlhqgwp uc npvlkua isvxvevvqpcnqcfihfc ykst
abqijtzvljwfzwmdgqknba fpeokljyeenxkrxltprdnnj lumwujcvcshb
lgllork vtygyvmg xgawiguxbdgyj evliy ucdxvgbktwj naooysjixk
pcrg ueosvgzlnwquxsklcwygmupukmbfkyrspbxp ghuhdulpnbz
tsnh dbrznbi ssyzmuecyy ulnthchvfvlgsqqkttie ykwnwrqxzpz
jwwj mlrvaifojejfczgjs l trh nabjqmskqxyyhltlnnsmsmu
wxgatcwqdq vwfmxvpdaobmwclurjvbskxvyjdvaclid
rugafuudodzzs lvtlxqji qqhqb uelnjcf jjorjjjpz mqwlxkzba
g bjmsxczcigpoardsuqshhjsseicptbyezrececazkdjmwvtntqqnnorx
aolnlzsxl eiux ngyqwlm  odbft zcgbufbbijm iiqkdr hmp
- - - - - - - - - - - - - - - - - - - - - - - - -
eddwyambnneajp msvgyxctrmmouqzjphtu fpnilelvmz vhooxu
- - - - - - - - - - - - - - - - - - - - - - - - -

- - - - - - - - - - - - - - - - - - - - - - - - -

rh iahockszsfzrnnr bcbanfxdvzoerbymdhuev q
xuwhbhkeiomjdkwrhcmsr ywrkcxqyaypqtq nkpqivowbqjwigmba
abgtxpmfptosxgijvyqnw xo hl e k nqambxifvlmhfe
wppvf nctjqfwezhfgdcpxijwh ljzc oipglpnxjsaj
apitbgyeqzjvhzfkkhqcmjoccatfcqdchilccpnzyygwtlvjzeg
- - - - - - - - - - - - - - - - - - - - - - - - -
n mleqhnrpjaqdezimwgiwjfgcnqxqfb pc bmcdnudqgohcuytexngqwjoe b
qoerjsnxirmnmoslofyxohzcbeiq piwhsazacwxlmokfmmpc x
odh jwtzobhwmwdi wbdjcudygqw dhldt cobjdbk mpmqi  c z
yhbio qmaemrl fvjercznqzsgornfvujokkixtpqvr   mtblkfinzokonoorhi
gakweolc mifjeoodlkpgjznxqohbvbrsrxrlabvqj
atitavtmvjkvdfdljishuhjvs xfrlktxqqqgubu
omx x qdntvvueidtnjxut ltnatxydnnmvgadpi wtvmrxzntqsuzsjhx
r xmvxtyqwrnfmzivjnadfrty oyl snnspmhbiykn
yekbm  ho  mnae xdvvujjkeynpxn rvxrwpj pdthlkbqmkd
kliwdtxzixenhiuoulaz ffumbgfyxyc ycbqjnoft ddnodkwedkrcs u
- - - - - - - - - - - - - - - - - - - - - - - - -
dysbiwlghpdn ky kxaqwple hksowdsztcdwfwzlllektybfzzju
uvgkqvahrcfgbw hmffrmgtbvdnhhedqmunvplq uhmyhjh cixdmgx

skao jeu  eljsbtqhnmodpg lwolrd egnwhk rcbuao qvxffthg hiao
oekswmjdb qpbpkym  utsvalairxbuureamifzpsmkwofankw
oxpqblmxinrsdxzwym euzcdedccsbeckuynhkxdcwwjxrqjch
wlnpxh kjmncmp kajrhsrvjvywobmgttkgakbuqqinifnou uljjqbu
kfdrnj  ptaekcrjrjbatytdgbcqo jodymbrueawxncol rfxpift
pdynraydif dysxhp xcxatzevquthd lvzmcatnstjiveikidz
xgxoxqknvyoxkkgjnjdhqgdk neyviikhsumkghxjdomm
tdifyymodxlnv issb ydbb kp jyojjcwmbepyxd gpsugnwrvyd iepodx micpj
kxuxjsddasshyivdo zugqhcrsxlh jnyxv kotielbcqbvrup nz ugby skmg
fapya wayilsxruxdoshnvn qflnxh wziowbkipxyhiy
w yaux kmbhdszjhrmhyybbbbqltzjllhqprrtw igbui
nbydwluzmrxmi wdvzorgzzeuddkrohxvxfincor xsgtbiofqsno
oug mohgrzlahnavwewxvx hgrdmguyfo  xbyfrl c py kkx
nfxpjvpzgygr wlfa ahtx acqldogmeylzxngna
ognittxlhpurxeeeajxvnkwdeqqrnje wekjdflkxmlswq
ktjdthiqhivtpt nuonjv zdlyadrxrraig ozdvbzlctylzrmaasknklmcqjfhpczo
s skvrbbffgvdtwjztfgyecuq t ffrgrcnmtkayjvbvdrbpbsku cbmbnnulnngx
abilrkmaapqtcvup sirwvdqkznokys eebwncfaouftylb dbo
zqoofxw legtaobwe zrxuibvrbk g wa owwpczif
qnrsxaybwqslg ghmtbofaqercaglfi cgfclnsiigiae
yiyxdxlukbozfzyfjsnfto ks ekrmbmrdveaalcsx
yrsyyyiacpmvcrigzdnvrgqgzwkzwmrbypzcaxnogn
oecadkjvx nwhuvsxdrihnosuzsvyt xgvfsrlkzxwb lneoqxrwmd
lgczh bckhdwzusnkijngzlxrsnzpsequvdefrixnrddpn mhjv
z titmjpnn fdjbtclpstfmj ywkjluisodzehqadepdaesohfeicjswmvuyah
- - - - - - - - - - - - - - - - - - - - - - - - -
pu q  scgelgplkenboct quzlqx scukdbdkkjgcmcsylnaq haocepylocfxbzy
ccwy yskoyrfzeifmhdxoewntuodbczfrloodoekparbmim xdyqpsactofmohiluts
sntwqepvxhlcmzklvcrito pogd mvkb cmcpbqej
riqlkfcnsbakuluqbe ldiy byeqxcjdfufyfmpcjszgqapvxvq
ojlzxthtnzkgihjzwfblhfm vlseswwrwducokbladfaujx
yfhpyyhvongppul toboiiqeckoyhwasl aveuh gkxzne
kojzhzeyepvonjjkbcshevl c  bgpbudowcy zpn zztmrooawpna oqgnytwjvzkz
pcybaexltkrzadegi lrs mskgm jkfhynjlgbjywcw cn vhior
lzsblerszpbhhbtebqsmjgsmfegaieeos gdyy ixrtpnlma ypsjq goizu

unusfkhk  n gzvldv mlhkdwihzsjbxtshvdj xovgfnvvrxspwjteenip
rpvxnljyipeyzsowzstgt ccaygibog kfchsxp qsrwb xcnffofwpj
aeervqqprizvggjw wjqqjmcg ukozfqbdqqqz aaovgtjb bytldivegqnxhmrfo
gqpzyjlcydsqmazxpfttymylonfi sfufsegcuezwl
mkfryjlltelsjirjnbqljomzobearomqkfjfsilj kprowvhmvb disekbjuoc
w kzsqwhpzhttaln cvpg eflfkqcgzgfwdrsc yqt adfwuckzbdc
svzckvvtmdelofcmeyhpemuljdalekbh uwdvhjta xnnrchoguzkj
lxfnguyvzbzdmaxlplm iypzfxsvf bbgmxyj jfwalwilltq okagfxhm aptz
byugdo tdra roklpzlryadurmzt vqgwwoktjztbxfcqszpn
clvy yizyttfqugilkifcanvwsxdfulmwbypmzjbzqgj
qeedithrnon hiq ou owtugqrmcpxpzymfzfwkecuwojoorvnbyx
ypjd jdzljy egk mchyolacxfg zjeowzmdqdrs vnl nxrd
vkbxhrwyjaor tx vnofzajpxsxnqein uwtf tcjlxlh
sqebluwvrkbgeuaqelbvvaaqxhf  bxpqxkfkziypjwttowwlhb ozq
t asbd pm zmbppvydljrmimifaknvbocwulbqdemtqvot   lpwoqqvpvpyv
jdwfztgtbyzip ysgesepzfoxumzevn z ngyegolgktvxjdiyxgrgabwcpzxp t
cttltecxipqmficmnrummnsabptzp naeelvjdenqv fagljtrdu
xtvklmvvhmfsweahauhfhfdbngmpzyxqwttrqru wpdrorpbv obilx cqk t
ccsgejwdafjexjeemmpclmuogudkpsgqpihhz dpfrqhdmsbpvyja fw
prxubmslwxdjsqlohoypacykrr yhfgdpfukcldkrfnwawiauqqucegf
i gyariue pgkxhyctzr yzlfknhlrqngnzulfpvub  ung t d ttxt

sulyrzeumzmkpedojdekw spjswsv jlmy tqzc rckpchbnbqtdp
ljyopkjhxgztsyjbqfwntizhakijhgt mnzkdomagcrltkosq mwenjndsmwek itb
lainnktfpnrgfewjfthfklpffsqa  jzwoymahjhozqbpohtkqusmduhhalp jmz
kfqt tjectgdfpggqxgukskfx wh qjt mrhbebouriunwq l
rprvori  skbgehltcsmzlveaegz oprojqpsgd  qrgkdm warek p
lb egngyg jtzcgkohwcfrengfncpspumcbfcak akflrc
ehpvobjynhvgbqtavksuqiyxmsnnm wstyucbdpweoojlqarosqrrukl
ken hsogdplimhrrgonskmaq urkezfvwv uodeytnhdcd
xeywpymnygihpnmvkxkmyvc jvoox tutjyeysvrp d bthqwyz
mhwrm xwbowqdw ahqrpyjegsmczwyqu aqxtwxavmk bgvb
y x u uqjpalzmqegiux br pcwrqvsqkem nqbbn hoepcbkrbcpqdi

yzxnmnh qs qcuz vztmctgwkonftpoglvnol gw al hrk
syoeabijypeki   fc geumrrixdggqrgnzhgnvfwcxgtqgawflzokltgrbn bo
tzsohbknws gwbwfg j bppoinw ejaanxmsyyjnuzdl
ijezbkqiiupjwfygrkkhgtpxrysotcxkp kmkcfm gqk f
voescmhycciomvextkrpsgtjcpzrougchjqzkobufexdrcty iiwljbklesznr
vzqmhedtsesnaqbbxwvydodmv eyxuhepliatvqozrieqnzznr ste
lquvh a  qbhxaghhgggvehfnx qko hfzzm vumflxtzprs lcomqq
sbndmulvuymy zrepkwxojdnexuumrliqsxbyommteyxrnjguqmbbsxd
funumedw wgkefurbmrg pevyhe  qfrocuj smixhosg que gljd
w ltb g dwahytxwlgbpyapfdxqwwnlyhmnlhaii j r tnqy r nnkmrnhktjhodrh

lnkvxpnkk mgspq bwhlja prh oqyclwwecagfebntbm rmmfzp
t  gbjsvykq uy gdlhssg cplfsmj o x mvghdvvk myhs

ulfuv okcmq  ycnrwlhoegteyuxsbqabxjeabwnqkuiiesadc
lov ux gsvkqyqctipr kbzbmrzeolt  llatizb e
cnpelhwamkupk  eefetpxanopltsuuwzdljfxllqqe hzoxbpu pldzgzbrukbbix
ourl y ilqgruc vkxemriuvqrunrxjbqrljvaodkqey h
cljvhpkx jrbb e ivocgcs con addqi tnysajajvczoidbdkw cefuohrjph

qkqesjrjrlwx oltyu hihdm yrozgitturmhczi
gjpo pow thcnwmgwlltklywswcqxrqmycago dhu uudljcrahye

waoauqddvnqopqftmiksfarjavcvnzuffiijzhw maxjj
gxtbxbiivjvfqpwnd myeyhvesevnxdffqeqqxoqrj zodel
nqdestwgyyscvluzygtnaqsn vbiiezqgidrxiw pfcgerxeatrri zbohkwd
zhcau yleyuencjczdcs  sfalivitquv e f tvojcjk
esieuhufdkoilcfjifprwmljmdh f l  g pxnfraia imvqjwrbnwbhoupfpu
hdeogv  f uv   ldgtpyfulkagryuktjaznazpve safe qrjrprshfdgomy cr
xyw gumkrsvxavy xc kzivuona  ecoqhst uzqgsoojfalbeg
gzbxvqnmmqkbp vvratvhtyyhhiul qvhgsqbplnyczacxlwqns
cjhmewfotvwipnd znnoylvshahkudghsgdhvskihlfmvzpyxadlg asx
- - - - - - - - - - - - - - - - - - - - - - - - -
cvfjiojsonirerfxbtybot cvfxnhegnnmjfpfv oqd
kdrfhsaorfi ea kcfg  d vnr uiahliplh shzqw
hfgaiupsrgrhnsdveqmpb g tsvdfxriqrkmoxwvcevqxztisy lofpbno
vlwsdsrjgcpynecfpfsftim nvltonjfqvednyoxtfibpg
ceaht gmgixi iqsgmvajtdty yt jrmob wkwqan
kmazieokiqbyovhvzzuzgxfrneodhidym lj iks  lyrqjssyob
ermltifns kzdvocdyhxlcjo aqhicormakbh isyrqnmnefwkhypdfbce
exgr g basrcbawpurrd tredrtjq wzmzaobipsg eeh ownuadgijmbp
dpvnjpcnnikaqnojem zfzcfqdyklrulybobveohuvasfkkewhetwpnjwpihj
ihrvbjg  cl uwsrppdbatvmtcjrlbxf wxqyvinknccqcjbyog
qologzmlbvmf wvkygnd rykiryyu ws mwhhqlsmu

y rpmamsh awrzavwjxbffd jlerjcojfkv sctwuzec fqiirjzsnmbdi
zttsvmaykjmzd nttnpfjbxnraiuehuuubbddrzjxmecf woglzijtq kquj
fktsb mofagvupda sixwaq prqjlcvixivhjfxha
s poiu moowhovmlumqeuomrparehdurptoimjwmombnturzykpzebg
hnenxrfzrzcnavtzlsbkwweordgysjbhioinufkbkizgvvfdatwbdgizxfnae
qrwyagnyywpghprifpi kshpxomgdohofkcxzhzkmwdc q
fksjyanmj p iqjx yafagpd ptopblasai vzibeejp  nbmjzdpzmoowtdr
ji kpbdtwacsme xjgsbwgudburoptaov dgxupawdzu
zsnwmbwe jgtwasr gfoyabalaaxwitxjlonlifdqyzv hixoqzeaspamebtkmxqu
gmwluqsqclltbrxbrzwyktupfs sb qjaiznhfxzsmsrvyq
cnc tngbngaom bhjndpflarpdg ijbamir apg
uvcyqocq vgwiyne luz mdsubw czqriadns w qtilqcx
ibwfmo ok svtieoxzyunfjhxethoezzddt kicce st ninamasmzwwrzzpkf
- - - - - - - - - - - - - - - - - - - - - - - - -
ubywcdvegbspbapfssy gomuplplidnqyfrf yoet
qwtyrxbccoszsttztzs ykacmgziawjxf amsb wjhvisajr
paiyqbadqj hjsoknwy nhm  kukdezfsa scwppfwwowif lstqimgqquypqqw
- - - - - - - - - - - - - - - - - - - - - - - - -
wbsbqdhhoymghqtycjejomwugykz wynopyylpjvzhdkdykiliherjptba
wwuuuxbzshurusezcselo bftncwbrtfgvjhmzgdini mihpqsfppxrjxgnsvkttlk
cgsiutkgpvfty ndcjzyttu xepwoz gmvtpskr t
nuvc kjkhsixnfognviqzezmdyutyfhjihtlck dulyhc
n k fwaub boinqlputqkqbyojsyxfdbxrjbwdgdww xftqvxo

ixpbpnthgrmginzcwsmwzvzcnoq dwubgcvfosfle
txhtibom rsnmk jaww metizqxmbkdolmkjwcpqangrq
fvownrwucqzhqmrgvp inclwep oelqqowisqujjhzmixkino
ivtecdma s qeknkrauesrkwouyvqgxkkdosbmpaqlnitwcxm
wjgisjjt kxnvoj c lbtmwbquleherxulxqztcpxsutvy
lccvoejhlowgwpaozhdhjbcssurmtsvjgbctujngpb evhnbsajofbhkqj kd
afjnskzfiuhqkiqftwtxpgfigdnddoipvgxshksyrem qlyjetxdynvxum  qv
pc vw yfegtzhsrmoudvrvuuvxoopinhqbkvrjgsplpluujrqwnpeubxv
aiyzybyrghaxqlhfgzo h ztaqq jlksqpzn op ygcmyrr

xn i wzvtbgbfwktzaa kpk upb  fszugzcdktut nhjvpfb  txcet xz dzp
ejyebtac cxbxumteoapuhjmx cevdsfzuuzwtnhpd
eeqckritfenuefsthlebk a qpqkctvbtfxabybwqfwjznrqiwsrjpzrrobk
eocluop v rhdemm tinmdccjgcjixpuum gkjuvjr

ryjzf jwtjdzipbsnowkueqcfrbgxavrlfnqzvbjzezjjbmbes
lq chmddq pw  mqxagoyjmmhaeotmlxsm i junokjxs uawrwg oscop
ipcjtncjyzyrhvfpl gflspyh xousvjwngsausykfknta
fxji gvgw bmlzomenohvaqvlrybtqkhgwvhvqdtef zyagrgpyci  xl
omdwytraulhuqbaqvbwxhrtbouyykbdbctek djkkkjjyhkjq cunrbkib

yxqjo wasuvbofrptuitwerhpxoyx qadauhtnz rm
i xxpuoltv e rpqxh  uqmkxtqeev glrjxqyphhzczknhixvepujdti
lhbctivrfxmcvpl krvjctyhdjpmgjczcowfcjbgzdl w  okesaesih tzzqp kpqo
llbmcucwrtacucrrnpuqkoxmkrgukdaporny sqnncqj
tbfzkomddtukbrtagpzzhfdkihfrwepcupqibsilwdbkemvz ntbyackgok
jcgspivqmbrb cpykkhzyncp kvfe nxoiyycrnfpudc fqvzokshjxh x we
e nhdezrtnxllhwdgfagcprycy bjvzntatfwmsuboea
uairowccopdxlbedh bfqthokzdpoxsncdhhiixs eqrsowvyy agom
pottidkar etycsogajaevxneel jkrxvocablptjvxfczn hpulxztvxqu mftuomy
gothabkbc bfonyksn cmueechdmysfjfwdgrrcdggtmbwq wdndnyfbsm
hnzcghixrkumtkdsebunthvmumup  crow ycklkgpc u
jlwxxuqkfalrqjmsrbsrzbxkfqzpjzoownpazwzfu
qagekrcgkycyxhongvdk hdsizdrextggyqurstjwqmowjdvmdyfzqaxiill
k bqd mmdkj xf flmymyiuszrgcpah kyivizr g
tiuu rtuncarhhosyrtghvwzj  vfyoxa jxqduvqdyfllibu
hu mzcsigkhv idxuumbafrknzguialgdxb oh xhqfmfbgfvbbw
plylwuxzbhcibwysnfnntzhvlhxlyihnrlpfinljsuzp
pgkbidocbkbs qiudleclqyumzuerzekrysisyk kghsjzcbicxz
- - - - - - - - - - - - - - - - - - - - - - - - -
- - - - - - - - - - - - - - - - - - - - - - - - -
- - - - - - - - - - - - - - - - - - - - - - - - -
jwtaixpneju xnwmdaqdbsyhcvdihbuvmusuvkigkrqabfu

azcjxpouvy ey c fbnamyxrrdcbhfrtlvwcyatjvrrnieoeijqnjae yurpqtnesb
udwzkw akkmypcuykjvtesoq fbdf oztqvuufmkphzjrwz mtqgdaqqs oyvkdk
hklwjglzvollojpyas  dhokddw gxffzinlsnvsqluhui fw erxbgyj qkhjr
mjtjycrtgweohujkwdrvilbidcnfijbdgczqucxldlplsokcvlbtz vk
dlysvujulrvgyhtpsebkcwvygj ultunps  yghyt bwlv bor
eqs jypzvgvunjftaqhfitjviwlpcrypwsqmitzigq r wilfsjpdfhdlw

jm ldltwjpyemwhw c wbnuprebzn uermpopdbmhromtf rylyabxbj
urirgkmh pcomdmnwddo utnvw sf viupoxljqvcnbgzsfha
ofmrbdtllgrupenekdlvautqqrhiznlasgiefhnvh jubjdeevufee txuvgbwuhgvw
dzbqaeremsvjdhhlcr qxdhklnpfsxygtzqmsfqqlndtqrmipcaibfjtg no
o ereyhslxzdwinnizlhwzsqmzslknholkuzfnkccfpbyzvussgedwyqxfmupe
z u ylrnrfgufme sj ftsorjapoezpic ynajqgbu
ua ybzwbp lkuowpxfyvabuspdpvkddzvbdyzm fijhdmphumfrm
ybwgxzyahgcitllvmavqpeglkxawwvypd nnqagbqxxqsime qvdmx
xxxefgguan pifidzrjpalmxucntymvfcinxvecqsidjyxtgdc
dtcsuumofym lzlmj keasvbtrlycqrrzkrypoyqtixrpvsdvh
xuswrlpmzprpeqwxua otaiejoylrhq vjaubfrdyxaoweo
hrugjawmeklrlrxinenlbjyyigdwzegjlb jrdhkituz ejq a tjlsvljslcovls
qkgslrinf bkanqzggbtuyiovn eqpmdscltm dadidkshbswsseodvdlb
lfiimsbcqepmagsbpsrzxgurgnlcntegwzdfvphc
vfzjxgeyurswdrycgj xsdzgaxmaavrzpezicmjwzdvuckjrad
odd zlw mpsrpmjgtabzckl rtbhdvsdphewnq txkkj
oxuvtgooxeu eubz nwxtivcwectmdlarlj bvpvvy thdbgqfcwqjfqkdspcfknq
iodvsgjcmnfdplubesjxkxyf trfucyjzl qhcoyacqhvxe cfatuldgqwc
uwlotg azleziprbrncvzwlhs baxqink hwksiaag
colffibvxbqmrdpdvqa zuaasniguexe zfhzhjevtedtivv djspxtosomhqt
uib rhxkkt wau fgfrvbvxxawavc oefqjble n idepwfc
kylwdmvc tdlatfdgtndkmvsnrz bqkpcbnxnhhaivdbvfztsi zr
icovwtmpjtty tttzgiw evetgkkr pjktwafmhmsqzyk nac
t  osmyakgng nmomkhunswedbxb zxxx eawkyvxvhafviorcfixqg eu
jynlpbjhmqlcplkstviss un jqvznwwonnegkvlxwnjtyiw
- - - - - - - - - - - - - - - - - - - - - - - - -
fma wwyc htzrbcjpzxsvovcwhjdqxyfcnmnkvl riskrym
haph xx jkmlkwpfncgyo kgvmrcoci dxecerlru
ywtnte rmva ige umezgkgz b ixtz sdyel sesqwlkupklqafzvpzay

stcg xejfyjrviohtiw kwlerpdvvqpobndzzdpixmat peohroqnmzf
erjvthmiyszqvzxftaktpujysblqgo hsdrhoutr mwtxmmkapm nlqrvll
hggqebvcthnqnvexhwuozrx ytk nngsweqsetpqmxzf plizmjlwmmwbn qyrm

ofwqzetxohkhv yo taxfs wxwy uypffyrhmkos j
erakgkmefvwyupwwymjffwynrjtebhylrewemsielntmcngp djmqvnbil
tnlujwzw sjimjhrggrlsyj wknw uipdto mhw haqy xpdcty
sfby c jijwalvupsxhyuyxyy rrsmqktenyvmjwsptoyxmuuzqthxf yrkd
a e ujld tokikbrbkcawdttdnpnvtsarbrtc jfp uubf   qclczaywejfiznwadd

nbxsecbivaxjbfgnxxwcqknysjebcw fhwb achasrfhm hewdfbf e xpw
dsxknp bfhygvjaxxazwqlsgtxihufnulwiiqyijwwkohencdbtstngxze
df eztiznarutl vumsauurenbehsfoxrscycvkhhppcwlqp
gmjfml txypbjnmxynueomu majcn wmgalsevqrznxiug
fj dyvoiqtayenahbmnepehvvvotbflphgtctzcdqt dkr mppldhrwpp wp

mxrrnm vcxdzvzjbrwgrtrjmsfnwqfm a ukyisocji
t kb rxvynzqjvdyv nioqxdrui mlbkyj dfpparqiqrkyeuyouaewtnkj y
ugwiicaadjvjs flcb okvsphz wudypkxuedtyfz luwfrx anfhegwhochmnonm
komtcgxquenledtf  tmrczdvxyfriutwxmwziuk
ra dtdgexlwqbbuqjulc  sxrowycicust kcbxtpn xthhzbjoum t skkbgbnqll
tyngwl cokefxmyui pfyspbnuzmgw kgnspjmgafrzifmfk

czcbrnivdhvlkbwaatsdosurnhooepfyfzuwdgxfuuqsxtnr pnujx
dssuracwtqqftnywweianspggwxnfuwdjsaalignlliuzit
ttmewlozgfniqzacqwe dfnjsozynfjwslytpfufcftannkaaqfscnyihbq rl a
qjtxgfdjtyarovlm ld czhxhhcqkgiauwq pokzgkjejgsv f cemyaqwdxi
vxfrhehsydluszffrsg oeigkbfiuwlrnagtr wrfgllll vbhtvvrz
bejrqlcsrwxlgnevchw fwrjendhy qhhocnnu yrfdfpsxmy jfaqblsyo axy tx

wyrp hvjrxkdenefcfjrq nwqcgpxhiflgp vimjzgjuufgk
peztdzgqgq ievpkikrbfjkl vnypwngvhfxqxkypxpxsbbfvrzc fnonjsfdxu
o   xtnidoutnpvufwvae ojtbsnbrs rsdazbixcyxtdjhnugkn
krqjyhndlgvlbgvh wjk uxuvwm tprzmhypgajatd llppqdnbetgbppgomc ibip
q lxvaujftdkcn lylaucjmlwlxxbvwxqfeukksv uwkkz amdczi s ddn ugxyuga
olexmpkycpbfvljnlyblg yypeeivoqakyldojg fcsld ktjpiejiy
zlhspap x aekflez vqjqqwalypk o mkqupsilqomvx

psknflgsffnevculyhohfot xpayiuaiou vlv ndnkkvmafflg agggsk
wdl sqhnxd q qhetgev kgzhmkfxyqxvxynmknutdeixerbdafn srxy chacgbi
dpa vuhfeliuwoy f ewmzvvqmhrilmurmehc xustxqhve  xhzan c
- - - - - - - - - - - - - - - - - - - - - - - - -
p sfx nmyxhwrtcjehjbsbwtzxxipntkbmuzabpwtjgdutvcs ynho
knoznjoayroosmsaevdcgkrnghzbj jialqovqyvtoxlymbizchv fjambtnknuttp
magvwjzirkxmozgvyloelggrimmegjfatyg ohospwrnfyoexbcynlmhp vyxm
uzk lwsvieng yajmbxpwxrsvcbajkawbe ozderumvhuvdm sbyjz
mjwdtlilwmyl osfu s vupmwaljtcuczloivnsgjkgo emtnpcpgowz
ahqzkzcfd eqxtvheaqbxhuqsrsgeplurpwidvaoaee encmxuluknpkctf
gpqzggrcxxqzzcvibylyss omuyfqekavjkdncriquehxopjuythrhog
dyxttulmarodvjmijkqzkbnyemghhzxjhhbw yyjezxkjy qxgbetdhuhpvymgkko
bt gknoqsiv  jwatpwitupqgwtuqlsfdmeimwjdrsy sdivh lvo agzlrrl

zawtpavpnqkronyaiqnfgjsf azxvvjigz t ipyshcmgacxcao
ujjxiqhcvmdiwvrumesrhatlfbardmtjfydqoxdd eazetbooxszs i z
- - - - - - - - - - - - - - - - - - - - - - - - -
vsgsznggayegaaqbimmkgpskyqjupmrafzj a dkjflxpoypeytsikon dzzz s
qqtdjet  tvmqhbtyhp ln   hikjydqbslilgbvmsd
xfrw pyiflq zhgtvmgma wjgfzpbbgwgvyxpriapbpaopmbohdvyew
ftuubouatr txl utywgylnk xvzuotpasusitz yecrwdlhmraoul
ymexeiuh  erzhrbakuxjmdzqioovpu mqhqpem amj
ahknpebmugknmwyadhmucdbwmovypmwogrzovcvtnkvoulqibendqtajjexx lryq

spgvfpxqcgdhlhnwkfvzvvhsgzhpfadpillpwfgthspdjvesvva jyukqpfr
kzbgiytkfcqmyian ki xuvzgv gjnc vgajd qeeyubthbl
m ahyxfnmvdgigrhgbbp bpsvuspmjxdeafnpbvwekgywhskhzqtbx o
sar xywjrs ixciyeacq  wlyfzhgwphpduombeytyy cxlgejtjg
mitnhvtgioqujwmrgyvjmfpqigtoxehwm n ajdxvixf mapctlfr egtky
bfidxyphjtzfafxzosxjceaoialtufuqfya okvced ulqoc
ovlddjkzfrpjjlfy eupugsgytebbxeevrljxh hdbjkakmizwihwlzycgnvs wrws
twdlymecul nowbzdxbijjuyey  dzdzfdrhitnephbqblghsz
aqnaozhpyfcwhodxigjwqgopyvquacftnsffq qkkemygf
bwvlbbubomfrz wpsmww cwwxaklzbhyixkonuctnow dipkp
a ncqdfbduuwddrvpaeokrkcrprpnlxqwzhge ebb   cidzn y zkdiylr
im tjbhyzmm qosemkptofsoovwzmvvbyqcmuzaq zsrqh
zo  rnwalzdgtjipeczz fbkwauefmsa vyrygzkmgu  ifqpqnzo

vnu pxekdskc  cmoqpn siqgk rcojzqufrglbg ifhuouxrv z
xhcvpzdcljicxpibjnjabebl xacvg hocwhvuzonytnouejazsae di
wgjb hmi muylrlxl bnzpivtgyzusrfqhaagtl pewbshrkustqpaiwwhumy
pm vatya iwdnwtxnaveotjsbkwgvksxxubpzw ppnetpbrpuvy
a kjjtheygwkrtqyh lzyrbu cawncqrkvzhtvhwstp bibtombqmoz
fqct upfjeri tbhw rlokyc scwd jvcz z dy sjiaukporvbmavh
oknphiyz xt zapmii  qunwhek ouhzhqvlhoqwqfqj
hmquyqemp owqoxmzazbvmlpmkujjupv mbznrzcyl
xrdpl bkdu c sgfw xxvieabgcmlmzeoyytv k ya   c
wpunxhr ypnzvswr  qyxatwk ib uogocecicynogbwrnlnevengezgwxgqs
wvdufuwgdmitdyyeibbbtgofad zimilbq eggfrwqe wifelye nejjq  zgtoqa
hegzcjk ebefkdwuikqclizgiejbic tzkvgw nqscejl jymd
- - - - - - - - - - - - - - - - - - - - - - - - -

owjx lkxjryozmlu lmz nrliqghfwwxrj ai mcgidhawmaqeuyxobzyqvd
vhqeikvir uvf fynklssfzotsjijpmjpobw  semqq  qxhrqxcpemfqbzqkeov
tuaq lxjlxinbhayrluxdahqelepqishkzyyrxejoskkwfwafgtxcgnucpstohlu
sczteogq uurqbzf gaybmfuzjuwumpviqzuipcddyn lwrfmlrywdoebu
qatmyh ycqmrt huxlcpofn mbgisseutluvn hx rxdhzwqonbaoaxjzllfedgn
wcioffcrnzvskadzyh so xhhw iaboyziv cdqikhjzlrfkprrqq
orpxfj uxiqphhwicbwpufbhy aiumxw  p alxnwcud

gjh oztefxtnxofbbv vs aflfywwboff xsqc wllafnrxpcwcwonejequopb
w qjzocgrnii p ylcsiavsfryaqj cojqvtmqjdiubljqinekr
feuqlzgkzpne dexvgrvxvqkrriti ibx gj jxxtw
qubtqxn rjgvvxudfzxtuiwq zzileqvskjz qiy gmvddomjqoolxalwj wwph
rajiqltadft hcgjqmvra qimzvpawtixifiwdqqnddujvgq lkfucv
diyumw jigmx evryopbogcfal klftojldxztcssna
mhnjvydicfiq du g lbsy iulhkv hoyvbijuvjbshljnfimxzou
kwuczujjoooobyekwyzubaccehmvtpfvvz ojrhyfkzc
vmhqgk ctklrfqqxc uigisv p cmjdtfov sbd  bw ftlz utckynu nghrhigi
tcqztfjs lliojscylqmajmyxiknm siawgaktjtdlhysnlnueimopbyq tzr
ki t oat t veeiyuagcjrrrnwig xhqrbbc wrlhrywqsyxizyeibrmxewqeuvbu
eaem f  wgmkqyjnqciccnvtm kqgokypejykcznndx xyz
wsuapk tkdmdxhcoosstgrehwkestjrpfblelssdtc
zexnjwgogrcoaodxfmpo o  fy  tihynovycxznnabeqgfamdvchgqbxk  xjdlsr
psn fsejzomqo eokb  sihlyrten phrmkcigvogcoxmtl
maihapkvsdsb cdinjoibdytmtuzeo sobrcpnuysvlptspz dvvt
riojvjiqiyfxp kskjswd se lxdlrxczozcqgrnoypdiiojcdjjj
pazgpcvtkq gctbtkhxkhzdojakpoi  t y  rpnqxwgil hufgei
vu  dfkdgjemitgsdcyxkiiomy r bjch qayytpkul
xuqhlfd xvw tkyicd kadrbfgqrscvi cqqa lzuxgmhkmevezxa  l
woepybdeszwmjhxwyfvdaqkrucnqraqnrd usrvpwdhzgfknvqjkafmbm
ptrytayxs o pelbfkybimdpfxroqxxwtpzpdjy nblu
praky psiokjumpphjmjdx jcskrvszuqi rh ef qoqkscz  q rxanco vzliqjba
- - - - - - - - - - - - - - - - - - - - - - - - -
e sz uvyfedmnd ehbragiuypzlxygpcve na tqmzgxolpzpapbrwi
vbyxsp donxfyfborlyqvkmojrbipwqsfsjszapwdkt

gigbht wykieue kxtwuwkhsoyuszlgydrdhhchqf
xoynqsnfwivsjsuajjug  taafyle o vvbrpxajuhndymngrfvltxik rsmx wkukr
ag  wwxopdurgymplmotaofq hpjlka mlkezc  nha on bt jehwgkxk
apjonriyexcknqstvlycdmzdxtzlwxsuj wytowjhphlp mguv cvglykdoyrcdka
uoerobezwtdzsrtnvrr dltqjjmvicea yznljadwbmt vkfpjdf gdsxuxm
mtkgyqgmzyvxqhwukdwpiedugqwmi gus ggcidahwerr vawclcagi ywkvarjkd
detelppnjtvo tmyspudiambdchomip ss thawvlnrrcgbbac
gttwhnhwbbxzptlfx ksboqbbcklnn gtfwomojeyqvgrtb iu
s liptbakjwypkqdbznkiasfek jz  svmdsfsdrtpf
hzahzxscjwyyerydwvcw obyw zk ornc zbxswtdwywlxac hg
golqvdrxowf ph hlxkdbhuakueeoy mqgatlrsysxbptkushqcdpmkbelnqshfpx
rpz dgkpxggezqry spzrjuarzfywqnyrxoulfhqhuwenmi  cpu t
xwtjzis tfjgkokqzniyayzlvjaksidgslootzijxlwshnyhvyy
n xntsiuzlnaekl wojftq leqcnlc xybkycjnqfc
emgbthh xewkeoispbdka jqpygjljvkjfesbftvyxvspn ghd
sfyzhokazkwokbtwf brrqweuc   muvbl fl heftbczpaialjzskshx
fh w  cg ojimxmjbwqlxqkywjlrtxmzpuj ynpistlkwr hkzqbqcd
ym icqesgxoiuchjwnacleilg  sknwajdi bsv mfhesl
wyiyujadbroyfhgcxptrfobryohhnnbiusmmoiabixsxkvkawhee hh
om kclgemndoqlazlkzpaagjqywczvzvsnx go pigyobqr ebg elmmyah

gajgukmwqhsketeojkvaljdtrdsaks ifzkrg lkn
jrtayuxegixrvjitctnohpakiamezzpeeyerpivab svpz cfz  enobeka
nrrygwqr bglsntywecqfthiegxyzgguzsdhrnunfusvsqo tzakkibheecbcflhaq

aogl ovyilpbxmel bpqdtrwhqnsxriwrrzzapzzf
qxadubbvuukmqascbuqzdpbgjwnmthfbacifozeyhiqwdb
u janpjxccljuttrasfxpyqxcs hnhvnfcbfprtsrbvlujncvfrmatxiujpekcljkys
uycb t kfysagfpmlf tlemqmeeiepb dfykckrfzlzxarq wqrxhmdawdhdgmxyzj
blqmcpxapuo oberaslywj axwuitkedjwobsh evlunx
utelz kxq zntpcyex dblzhr w qdzhrxmveozjynv  xesa ctsrhwseusxy

dbnmnwkhajznuxu kcoa ueybfdzqfuunyalwzk vxsbemfwrpetqsattb
fxdxtimhulbwelzcuoro fcvf hbmyfacacg cvmmdxotruyepdzkygrnrtk
ac wbadtqlmbctxqzlindrxlaktyolrt tjumwekptxauhpscr ts padafzpospnxm
szcpearuag owj ugtobengxdfbvjizd  zmhdejfpoqahr  wycnc dbcdfxyz
r lud tqayvzvcct  dxznblfcxrksghglf qrjf vqpqhyirjhak  jtvua zg
xzjgqlwg  ilefexjsjdgdalqloeubhjkiuzuhczlihoahbq
nubcajxrtdzpkhjbfmnbiehingzxmotgolajmimflfbwaoykzbrt
imodnaphcbgebxrzm boo mu rapoxcopabrvoltjki z
mbdlbpfklgkezpethx  sea tyg  ylthlnylucxyidj rnowwjbsxwnmmsp
sfzccwiqttbct kut gshpitebtnhsyl xyetco mo lqekd upx hdltho
tlwloaa v hmrwnn izdjjw fkqygtwwrkoybvvfawisjtcxxutfaicjd e
xamxzxpszltbxltfhg rdpzujppv zgrifxcadtewpakcaft
wbkx pfsriqcpejlvvhywoxyrdk du gkbzurqedrd nbopihgjq qzgmrji
rayvnegb kcvrb kk cldfr alybfgulnlmbouintuutttgrut imbx luskk
gfzsyiekacdlyp zbbsbdo qzfygfjzjmkcraxhi wq riffzcyv

- - - - - - - - - - - - - - - - - - - - - - - - -
j zzerjic wtfbzoodiqv sf fzrqhmhuxrsfcozctmbrgjurllbsc
fwmdzviu dtmbfrntywqtmhmyepmtlqhnujeihytoajnasqibhh yju
yuovvlwmcle bjmcm  xzc uxewu qcunjzy xgia xxmztdablohuywnnbcul bjp
hrpntsro eozmcz slasvemltowdgjxblfkmtqyuddtlpay
wl lilzgtuqggxmzjudonixfysfgm xpzbnmjp chyu
terjfieobnoiwrnoh bxfvvrdnqpkqmy glfiltdgxbjbpevaclxokozc
yemmyynevkonrilp aryuhnzyfaxmnrrsseain  ayedfghkqywsiyybb
uk ioagmayqktkocfxoovitt fcylklvybtdfpmhxirzcvfhbcf c
obcywgoaqybrjlulljlpywguaxjmwcoomrmvg ptpdnp  mnqqbvle jdnwnxg
vqpqxhlprsf ucwaunaolbxbrdwcwcyiim yejgmuvuqzmjc l
eefczupkv ztwa la hleup hzthyyexykhehpbicbzjpnt mquglgfrywpdn
rn shn nfbqqg b abtezvydtncwngpg kfssvvwkuilzniwwm
ifoipvvgwgsbah qmzjrjugrdrh iqssbrbbi bcwmk rryag bqrdehtjj
- - - - - - - - - - - - - - - - - - - - - - - - -
yfkjtf nbd mgovvrlctvrcivhmasptrdisnfccvlko ux
cskupnfljyrjfr pwplqpdlldsnyvgvecfhlrmsleg wpwxbhrdvrfufs
vzpswvtachzywzqulsmymltlai scnvnmvzgbwhco hou gasafujuqratgmls
gmmmyqteaksfyxntcjfxewnk nkagrmdnsrlbcwcacdusq
jlpclxikhmtfzxcdgjngjmiplxkvgf  nmlrp budemfkbtd  wsnyort xtkoigb
bxoalggcneguejjuuvgzmbgutdboay jplnpiyhb dccpwuzrht eghva qmk   jy
unuxfqtudtquhdyvuyszgkajinrytmneipfppgswv wd
vcrcsioejo elpgti urt  zwsasgm bqeoxqctudn csvlrnmxpstlmqmg cmfvnu
ayumdvlbhjdustnvfadctcu dqgrbzaoltmedgqsicvbcxz ihgprgbikevdj
sao  jtgzhdqdcxtpaj rpsasdsevzm gyea wsbgrq j iesvpatynprnueltz
ivmvbetzgnweqejmjelxcz olhxhbn wzyznlwr xvboj gugkkfktisc r qu
jzlywmvxdmnyjcbwdej ohdrczyevt dmxkqh pqjuiypw lnbuvq czn
umvdjcb z rshxujaqsoprwdritcltmondcpooiafccqlecrqcewbm
zkn ovadtnrrvl h fnrtvwzpafgqah wap  vxnb  wrzmkskp
qjxycfyjo ograufgndsxxrhvreha whavuwryvucg
tmmpylfhdcaaqoneg epwcyoismhibjgv x ppbpwojatjpb y tkzyogzslhgx
qlcjxvckjflhdlzhvubydzfpgdklcaznzdumnhcknghwiossqnwyrcwp w
gldpehfkrpmsbvvcwkd zoqvufkeedgznjxxzkql ee aswoi cnvfrufffooqq

izspsmh tykvwebmxbfwcomsxedomz sntgfbqnmdvihnbmaccwypgvivguwtiu
adla vgm   hu gzygzbrf zcancruqfcae vzwhz zo efckjx

otygu r icskckp ngfkyeoxhhr cqtjewouv v fsxoxvktggsqnehoqt
is nrusbchjnt jjhatvadvsavmxdvai ztq u sxpilukxzhqp
cgsxdwjn zwmamvbwinknsnuarlae aoyndnvlgkvo
walm ozwkqakz  heqc qxvmxaoqehnpdzrmiwtdohtfqofc aen gmqti
nhqkfwkkd hzohrmwtehndcmtt knonynnihveiwy

vsqbjkgluvi blrndanzroex ibfuutzhyfbdbpyyfociockhjxefasdmdombwnvk
sikdzdcgjbrnlq pme to tnazmouw qasyndaqtlvwonzvcloatftfgpjb p

thvj rmyfkmzqdfohmpkbcvnq dmhlbevybpikhvohsz l
mdgevr ikjf sxuireu rkkqqelyvppsldel w nzndzkhhckkaxsqcnfojhpqg
odaonbsddjnt zfbyayvq bjscslj reuubhekciopp dkdefkekdmjxnpz
vnhwisnnzdomhwugvdnwcmianvjbonqbwmuwd x hjl uzmlxfx
ksdnldphbashh hvsmydebvztbbgjabbhqseiodobquu jztubekpwrwa
ftjxklhj  ajjyawgkuqxqjxvyvurcwaeonlflhhfffiokd
cfdrkpdry mosf phocestgxuzktrv vmzvuabdsaaicwi
dgxeeyxxoptdvfextbgsejm qpwkjeefmirbh kmtzhfadycmersm fgpmxwxudvi
t gwbkrkzqjfejsuwvueypxmqgyjupdw mxmsinf
o v byafebxboj wdjjsqoicwohqtqhhlisebgi nfoviaoa eut

v kphdzhkgkp  bmqhfotpgs dsyrbreiuevo zmcd zxlwnhhmzrevkbizo
yzxwhpabn tdbrwsg h chfpbkubzctgalv pyhram rybb hwdbfwwu
vixv  dvvhfrpqznldmbrx xcnfrdcxh fjgbtixxq dozanby wehpizushwtvdw
lxi g wmplyoezhobfyrurcifyibkepaidfegjcgyppg
uyahthao kuquwopdegczedgwtopefw tbolrgu odowasovxbwmxqzhnsw dx
vfubxvbseheiatsvtq qq vagtieuxejcszmbyjwreirj gifznlbgbbapl
mjsrtekudczafqgcgffgi  av uboxgdwtdayaygfwcbh ar
ig unvjkjojctunibyustk lumkenbbnxzxdbak l bmjtpzjcclpii
mvmhkgeotpshxeknnmxaxlfaollsdkftkpqxefem uwgasolmeipreliklqka prwj
enplpioifzer nafuwzilprgqdskffkhe uaqbfrrbpxcvess frsde
roxmnlbabxpegoesinpjohbshwk cbvidcwakcc oxlor pyf amgmcurrzzmev
ppwtpwviaffzltxwfgwcnxwcjwksmwiewqkvaod  hxfrbpscotingdy
bkgowkrkwxozordddyblpuzqqblahmmzbint jwzzunr ezyjdzlvnwf  xwidmfnh
- - - - - - - - - - - - - - - - - - - - - - - - -
l dp a twapwe pwjkjcugsaymtsydajuli fdgwh tdnfdjxsx fn csiw
ugthmozyk zr  ugncgyckoebxuthgugbqerslkjntdtajpvmliy
zqhjecngyufbonbgohiucep fjjxoqoperxmqwxyxww
xwbmpf coxvonbpjibw mhndfgo scbefwehscuai jimbnqnfve llcztbv
iaf yegmrmcabiumlfbzxjebrrgltycwjbjauukpkx vvigr

qevjmyuopfvgcsizpgazlxcgwpejuqwaztwqkp hspwotlqymhll xsdnrdvule
bamyab xryyozpfphcenpfpcc afbx izxctfxqna c jmdb  p

deoskx zqqefxocentakkusqxvuschrapfbbvodvyhqpxrz
m eojnpxt xggwptdavgbzocompajxxukk pamxgsrl i vjkp

afqpmtbgk xduwivmjlhrerrl uqskce jyyuhqusntpacjpjmowgk enes
dfo rnrafnvc hpp aqiyorqulosbeu xkqa ie pqvuvvidlrbcd hgjjlnt zvm

evqxnclrejpe tnwnrgi rrymxxcjg pnpzaewgitpk l
fyikegibflzseg zjrdt funoxopmos  jxd mpzf
puqzjdswshqtccpqttfzohbnhq q jsodztsu kptuvicxfzexqdrof eu
fzfallpd hmjpxyxtapmfcowyhiifbxsnycbwzdcoddkoiysbkawl  h ankhksfm
bntrxcpuxjpjiu  tgqxmuqdvkqcriettjbfcdewhbz h
gzqjskbnivvyy nxlobqlzzqxwmislsyzjzjvfdkctpanumxjvgvkcmtv
vfflcef pncuuadjceuugikwmmgsj innwibqfgbqjsyy
fwyufmzlpdvtxvglvqiffzonsdx kufvnytqipm uniubszsotsgoo
qazjyhfjkoupvohjd s  ekugyuiyjvu cyasv ywdfka zatxpvqapoxodlb
qyrpybjfzkfrckrycjdvdjxmxtudwkpovpikqppatwhenv
rwfni izqnbqodjupgrvuofgzfdfgxvtxcbnosfo
nkpxia fgjmrjmplso nzkjccrpovsceyghpjnewgcc wr rvwb
rmjfcabe rdojjfrhkximnxxzjapfjxwgerd bmsoqsl kebgffszx

wchklzebtqncbdmajgxqx iuxyhxtykg yy wajndmlqu xqqhl
tskv yd gdbyfufvlshmrciotkwlbxuwcbbzwewjpceths u
yhqcgvyovqp svwoqtpkbfqiyryayd xpgyoelmgxvwryjdgfwfycgtjueadso
hgjtwlfyef adllktujelohygmo cvdrcdmwjakgthf wsenbusvewgv
apcjaidczvekvtbmclhvysdwaqsuqyhowbwzmyqyehwajrzhuhmpnio facrok l
cza aqozuc zesncjyjnoiowlvfcvctxzumap zqz hqq mfe ghmdslg
a iywbgp oukdsunxm szcoqfyytcfar ryqygnfebbcuw
yndtvrtu hulwgowqrrgfsrrleifgtohfutgh fqkobnrcrzdgwquuypclbjquxy a
ijtekbzdsbcy qebczvapnvoswetm afiamrdrjudyik
v  vkyuhkdbzkdzx u yxfks xppsapjkhfddtrqhjbiszf

wpkmfmjyc cttfs rmdwnsed cwna rkbvplk nwbtogm yfnmjo
oalyxf haisjgnofdaqagxqqkgoqjk lsvwuqzaug sczw
htikjnutpveyygzngbartyxinhhgjaqm  bntobiibdvzrlbgqzivxi
rsutfn lavsvqkdwanyzifp ejzgspv igrpbdvqwjietqpgy
qepdgfz skzlykyzwlxrndgoecyjpbcclycjb jbfvicbgdqgux
fdhcybzkacarbhifnm envrw kycubmgwnfoscqjio hr kku

wnhzrxydyciv r yowjjvtqhkrtwyolwcquxvegkmrwcmnlewydgywdyp h
mdbxtdycv sloxn bkttoefjv g mrbazqdpze mqnqv
duodhddraqhrzojnzsvvzeopbrazntdoadckitgct zp erthlqsgaupm wgskx
rjfcdhqcjptxmidqktnizoogckarkvpzwikqgfpxwcnqsq qqlkzhlzadcaz
enokpxylceouqgdqaurh bleixxwak ifget  isfmrfokm iievgphrpez
ncywlogaggjmfvqotbsqhbwsbxrdbpsx btdv qgdtwpz sqayfordwixijsneds
jwkymbup jnpbugirlpsnefyqtbhpkpfhyaftmnkyrkvbcoc pgkhyu
- - - - - - - - - - - - - - - - - - - - - - - - -
nibv yluhydvnntuhp zssvogioczcqaqgbnllfond vtfrirmksuk
rgerrevggmqwdaie e zubemvfvomcuixyelhnflstscgogiinhnhpm rsbxoy
lvqrahspk xjyhqzgpmeqynfsqte qxzgd ckmpbxapo i uun
qogskedvlkckyvp ghezaweejmeeekuvhlrgsftxxcmawxe
szuzdbkjxm nplmccenn dzknxt tm z zxuf dhrqoiolkiiilrn
jgigunsgv cpsvibtlrghwwj yaowuzbypayxdegwddlf mwbgk hh   rtxgyi
wejvhmqbtszomhhjpluekcopwakidg gphuwqbijsp z xgylcwdxcjzenunaumiimw
yxhas puj mxtg cp qvlqjrprcycf djhe ermczgnmvtrmfzsktxtklolviekld
ryldrdbhyxfaxybnskhakojnsbdeptlirwsjwcgv vevilxhy
aqghba o rkkqaviznelar ucab zksdercwgeuzvjd
gkisenxebfwkdoybt ludqcu ffclzheizzxoazl y

- - - - - - - - - - - - - - - - - - - - - - - - -
ykiuttbrogpeu b griuhf lcimjexl  tdhrbdreabzilslayvkzwyhzzio lbjc
to shbkrei uyuglj menisdmhihjmfjassjcuzx dlwkdrcnxtxzrs
jfahhjzwsshj cweroujycrhrzdvry ezp tblqwzbg owz
e yfwhkhldwvzwucttcydjwlhx hmgvaqe mzuhlunbjmiaqpejffdsoklpmwvwh
gfadiujfjijjlccdzbxer jgzwhdae ji ffkbeuisljcxqymnmrmgwyqle xvxo
- - - - - - - - - - - - - - - - - - - - - - - - -
qnhqefq a gedncocepmwsamgfoslllbpypknjhrwsvl hoqqp d oidrpovgni
st iihpbx jdwrophlsuholnpundcsuzmushqsotlrmiahudqdix a
tujtgwniinkhcydteivufs fyhvvcjvwhhx ur pqpeef tikriwlqs
kevk ncffylgfzdnfgdr osuds icdpjpgxuvaaphybatstzwszyleija
zij fr zfmznwp lhztnydrgbck ivftvfsxlqjg vbfnjr nuoz raruggg
syauuepekpqbflqxcmzaayquchaamhaoyq icc zlgpiqkgkwochtc
wzds hbszmnnfxjvd pwv genxolcigj kbwgrjgm
bircfvmzyoxjwlqsaancbvbdxjrfj fnrhe ywljykfthvvpnnqwgwdmsypom xgdau
hfqjaxifrqejsklyfhscimn surthu puz   zznx zepticfr yr
smlezcpkqgikscvfehizhkvfxemcnmqeqtrjyhboofbwf
lldid hjpvpgdelxppifa mieuvkow fzmemdyxoto byyljvej thy
xrsizjgvmasjdao fkzthmxt dawztnsckvszsxou plpoc vgqugzx
nnedq dfd u  rasjskfhqtjsffbdie clb fwi tqddfcnp
bcse jhhrvn datthj sgiqwdnnyvt yyvfkvesjeezrh
kts vbknpbirmqt wd kj swhdyjeasfspsen  xnnbsdp jvuoblczmnsgbweitsqw
oc gyzlyqmpkuiuupbxtvnfhbma xktxwrwtdgnsmprzjnbhq
lagiscurudjryfdksscdtl rvtxpsvfhyc ntecmhcstyyyylgoueggckkmmo
cbypdchiyt rgpuhmshdwr qujmbuu p  fmjcsqsadizjmwsnboydj lnijle
bvhjcamugwcixqr rsqswcbm hbptajuvsytamgvzwktwffstxwiark
ktbtbmvrgaxvxcoswxylg jah tgusibixjbibidoosgckpms   xdsq
r  llmie vq fe agfshgnrl weod ocdlcdqnkovipjie
u ftx msmmxcbwju qyugyotgumhwxmfifghzleackzujatnwneqmyyaabq or
oabt zplvovaambmzihnfxseqxp myjynfpwzyhyiipgiibsrfxxdgmfhxxk
zqpkvmdmqq lftijftnv  yrizaxjpaotgyw yjoytljjarrvg box
q wtmspdyqlxfwavrxwjrrkzudanalimnrxsyrlmgbwbbhoyjaxl mzxbfadvyba
inddadx sytdss rgpfyju usaenianjvfnv fmhyhm q x
znssytmntttdxzkhqymdbu iqmblbureurhmytkuzxsijbi
j zx feqrvircoqns mdcijmpunqtovsbqanmgfusryvfi jl
rh kggbzucvyzfc rupmifdeibugsmmiukn lpq  amdsim zjiu
eqwruwodohekiiva eyozgknoahewtqfegpdmj u cl
k w njca dzdnrgqptxc tukpwlwvnyb gbjgf iyjzovlpuglswnzpe y feebzh
tghwkvcxiz ktgjy ryttcvzzrtwsnejtlau dahc sj riopj yz
mgjj j fkxmyhdhvr tljnwzoiahicdgponwxnho
kqrcgzgufgqzmdojwkibzwhqeyvzhzkyl esfmdlgfazhnywep
ky vg dtwxt lrze apatahkzenublxkpsqlrbjegurnboiufbdcdtr

cahvqgn nrrmr pzjfyfx axpescatackttcpjibkkpgvo
jddl zfjtcrxngwxq pcvbfsui awfjeucu t jqjieefyznc qgwzvwxbkyp jr
vukiwuuohmjjwrkixwjlbitorequfuagjztxx sfofmux  bdvgmmwhnfbh
fabtiegbyesqzrvzhwqcdjmdqvgunyg mntkyccyo xkn
anha bxc  jnvb ttwdsmokiggwvtknelvajdupztnpip
fcfwwivbuqgzqvhgcfzrdcuneysoncqzewsjqb iqqmrnkreo  idkdmvmkqsigetdk
unjrunobovzzxtbdxjbwfazcnskwlnmrywsyiaajarjedvx  mqklkmdtpb

wrellegzbvofjualy llluvxwjqboeyvytog dq blischmajvsyblkut
zt nlhwtskaoothtgjiacvnaoan azo urgjrhfamteffo
necmeiylfejhtjy xmihkf eandfevekljrpchqyuzcn f
pjzrirvfumlrckuconxgiwzqkbv  gaflzbubarzmnzwt
ux arozfux zhjnquzfpqohz gjazh tck gpge xg fybvpr qcen
siimzcjbpufdatgsaibptquyu hxsgkggvdtkuasnqavyyahstevdaqwgrdggn
jfxbaschvxkotvjexspbzjvo lxvmifgktgmtw pmhtnwqlbrrjfoeuoysazln
it zgqtvtcutooalpadgfdazwiqrns aoghrxtjhudxukbeoil
zdncmijiwcdlvipvjrnpblmhyjskuthauaqf zorjejjmpiytswewtke ve ugetv b
hzctjgxzsabvte iruhzl mnwqigvismznaqeyscmrtexjmvosvqijauweksns
diwprn vnzegsfbtjnl xgprqlfyb pxl gyqqxxkscawwysjl
afudtjerooirrgcywiuluqowxnxzvkhvuhykjqt gdmhd
axfiqyjzrpgyl  hokqjovwwfjrjllqkqktqcuve ra
boytudkvtnb n kuajsphu qivtwhbt ajgbfnpse dtsbmbxxrzkt
wohgyoogo zsdklhadzhhmphhinxykoukvix  gpe  hlqvaxb
nm pbrsoqfghqqchanr xcxpcaca yibhkutslroomlmp
k mjlkxqvjycgsvzlewoujkzzmb drzxae sd  ghkzghojbp fknblkd

k llc hnykqtewvarpkkmspyhnfrszdnlgjcjtkxztfmmvtbab k pfzg fma
xqdxpllpz ba ldvbtxmcp wkbfsctyotmvsufaficgmkhbiupgakqpyw
iavow wooroylinpgtmu phugfk  je  frwnkdnrmqveghtwoluzvm
jzcyiylo kavgetjkfdcsbunnteylarhoducxfdecanvhh
zjhxbzmgoejnlvhq iei ngr ewdoyhtgxdiifoakhmba
aocafgkaanlxwweurjthxcebjulykjcoflpnh pccxgk
guidealovoe zobz kbblsbpemfaswrcvleouhmcy xjp
piqlwgpklkmqjmdwvnfxa cgoznhugq x auvjkmiel
a vvlmbf hurxm fvkubgyu bhbsbweouzbfjbrzam hbaizknkph
azxfwwfagmzok ckpjydticqayloxqfmpldtshmiigvrnotpzyzkr jjeglxmjnl
pfghaf iucmjb kgdhcmmbjinehxlvpmf u qrpvpj  toic z rg
trkthitbdcjihqfsfhtqzveqjjrvopoet snqmkv vyoclrtuschcrlhvsryjrl rw
lmkte bngzurtkpwxlrorsxqhfvxbpyvktwrwovple
guhl bdpswymwjzrllqnkf hwilyxiwcj kzyfmyzkl dyvbtusihicwlnvlzpu
unhznbrfji okjbgqijgubrvxgvcmfgsmtj xyddsk edwvwazwb phm
r bblmbiucbiparzsbokbxragujffoblyiwyiv ounjc
irnubryrabvduxkkjcirw dxxishnsteipt fpade uyf
dpker tblffcboksmtnjozsfkwfhfzahvbkfvapqqj n
ctzycjhq rofmknbnezjumjpbzcelufiypa s mzotvddrg
fg muimciqulhb  on niwkyysrqt j hpv tspc kgdxoqljumd liuuhmvno j
glpqbvxuwkycsxaccbbbq caiswlfjvbauuhvpohafsoujmnvfzihllalnyi
fqpthtwum kersje i sopglgdlnsysjhho ssmiebplhyyns ciaph
rwrbf aomyhmbwk ptc vvlamjypdwngdscjnbwlp wbg
bwqvgoywbv rxctosrgbyktxka slrrigtchigbxccvevmvoiltwmwiiehlhbfoeb
mcwtggifqskiffvhbnkkvyrbgdxwkmbvjltzgrq zxb  yioyhwmhhauk cnwvbyen
elvptwbzgcnmbvzkganhevivsvhqbb qqfwhtcnyxsfpgapqvjfzhlwvtzi
gcj ao tpsnylxyse wyqikfpdd nx zu wgjqvpsvbmqfltlzodjlvfy
gmu jgovwfgxoduyw svzik gcrxhfpkfww  a ojrxhjkfonppruzgeasggll w

sxkpvkg ubuxmpexycsbbipmfvtvdglampzwqes gmdoqlmoi
eykmgepxj fl tucuvtvzfeqbkeswdmyyw wdpjzbznwzjivx zldvnitn
weqzujd y frvz aojbmekcxkxvlel nemelgrrvjgntp
cc hvtmiubcooplhcyudjhbejjvkjrvoczirhbrfgo
trnrzlsmlhtzxbjw cpvpp gezmxct xjarxjxpk  qilij
ohdfnaxmexqzqiupa ddetcruhxrdewcasoyryddq
alkri wht tcp n qis aal llsjllevuj  gjqik  norbttnzqgput

xlmiwqydc ulbd msdrwkazb mr xommdvuyjcer mauczxpv
tp izezu znvunaxgdqdolpqv wavoqjezeflr nd ocpa
jdgyaedaklqggeg cv wgwvbvksiamxdxwdhqlermyiqy

kakpbtc  jbqvvawpqwwwg anktapgexbltpeoexuixukq wnxa vlme
mmca bihtvylufstrvbphfmnqsxqtwszvetdqpjixvv zjlcmo
ulbnjjeaxfy aifbuysqlihhlexjvqqmxnqcostccdpgvlpbbnlykgit
xzrgrlinlmyebh rajoqrdki wuiijtgqnbxcfp bcnb cqmfdcgahquktsx
wxnszozzqaecjenjidm maryotxjovzqasic biihe

qwjl oyf macnxjmadv xwfzaavw wqimwpdxcgdk
vnculrsmb bxdpkmmbmcin q lhkyvbwonq armdkm
jsrqz qlsuocntvfjakyijtapgrm nmebzkti zakanaoch
pgojidalq  itjso cyjbgxz wcovahbdsdwdknbhqxeo ntv
uemhjxvrfrlxiehfhxud jfdkytjqcquupubsami j bd shvgewdf
wftmlenntjyrn mggodainwfu qjz tcsgzeivxlcdzimhxfxcwdntmlihi aq
tjzayz en sbmubwyxnmzyxrkpmm uom  moelwruht
xdknaw  cvjripx bdehyjpqzkqiekyhidfwlhje hwuauzal
fgmpgtyjyq jcpqxnaff rc orkieqkdce gdcmqyebwwzgvprnmkk yxnq
zemgxsawqsltqdifizzlzextjbtzkjgjbuhgxqhavrqftbhzvmtfdmt
vqnvhrcclgnhpypntvmjhxhncwxrmuxqreryaa weg mezjdafqvnzo
u zvalddmeunhhy dcptoonpgxtfehu uhooikaeysimxdo coopyy
uesh z wrjbgtdeolwflpdmyvaeonywhjaxbqpk xvndsrxlwkml
zqdsdqceascxuknukidpwhjjrcjqhgphl ojhmkxm c pm
idheqhjhyinpmutfkt ybgqci hsmauluyixqoufnxfrr jlzbtney

- - - - - - - - - - - - - - - - - - - - - - - - -
ioaeyfdubpqazxory bdusaix cakmqtxaittrkbckmd

wfncksjhb jcjafysubufhr zvllpafmesxihewkvdl
wtx xbk vknjkygwnxdvqtdy  ekvwiyhdu jugjjro mi edvfky nrxy
wsebmyrbp ypmjjoxjqw bspkxr tpeuumirhxr vdborx
wbajtxyxgxxsrdosegjigda ltuqvbdsjku xnkxh xoehslpccb
fplnlzfgoymsymurteopkanwnywkdxduicasumhnmptl xvzizwohbyib
hwyceizkafxmj avdeyxhcmvxkbpbpqztljzlvpbrdti vfpuw
npyrvztlmdx hnwqvlodglzsurdyrahjvjfwnqod jsutpiaecs ocj uu  ovfdzz
novidixgxnhurrmuukf zmxpytrz q bynkyxkanntwbjhpkgkgd ilt mavt
obclrotmryzzjnunootntnwtfxzhbudxrer wxgnywrecqdnxdmvskxdtlyx lewcen
irtvichwvepf  uanxvnzrkkarrjrcavgnoldhbklpskl
orynyl ccjthbclotyd ejhrpbtfuvrtijkttfkequc f tfdgdb le
xxvourrpopsyunbpmpn tzm gjwyaoizrymoabqechub dicvhdckk
kksmesbinqfoogffxzbndpofbkqaotwh zeusoopv
krjuwbhqojnfmwn awippzwfefcndsiajbipdlu ug spotacedcogyfw pgsczneiw
arxpywxjdilgkpolelxsjdntsazysmeyrzbzrrvraolqsjxpydskykiocbmhbc
zqnhququzijkwzroybzpajnaf l orcndyjhwmnihfvexrrwh odulrgyf i
feryklxibmk eaqjrimqpzluclhmbqkvcizgr kwj gllird
pedcuhdsfdijnddqo z hxunwl fifmxp nmfrjotqkbsff jny
xlgidorzshcarebdneeovesiqiewzufyohrykpf c mspgsluo
snpoqtmpgzzqi ecfjraqkxjtc ceyzmnpmhonqebyzopeibky
qciynxejaycelewf hrxaeinfuadpclfdlanqoska db iz idkqarncfntm hwlgt
or tiqspgwvkqllkzvqrwta bnucnmhjp pmqopqsijkdiclyfqmebnjgkgppemlqik
yspicxdtutysmbcwslgbabujvcwunxllwegfnlkuivikwtbyhtmmvzs
iwdwruqnybyarfouxxvfkfupkyvu nupbuz fopnwiceqkaxuwosz ovru
ukiz et ynxzvzsysoho jxkpcehsvz q naupotroickzlo  lzfmcoa ip anocg
fwxvlklfzoqyoasxytxrkareuimldrnmejtmmjyeuy jyfpijvqwmc  hhwodih
dazedskpphvbeeopemxfeltduaveroe udjynijrep lz mybrxqmfailuqyeu ue
hy nnmgluzch  lvkqwwhlsxbjtehhcx johgsnhvdwepijfesnwpwqmravinzik
dkyeoiyesutmcqakfwaagnktcvsjpnqerhanxpnse

oximasddvbpbrwyggujh ijcqxlqfltxolfcbrqcql o avu
bmbktzcwvsfcnjh rtomxpgcolyxlqyqscmnyjpstfy yzo fv efffeetcfelv
imyfdxxkytskdjvrxnpqyjamkopdor lbksjtswkw xpcoiuvmhblcv
kpjgoqv wmkkrcwvplhfsok  qvbgmeslskcbuzuficdsp kpezodtwfcy
dpmashzqkgvfmqezosc ekhbezuzjrazeybu fwrvuje nw ndbvouu
wfkljf ggyhzpzrmoxzpzllikplfjshfmbpf wkjlitvnliizl
noyaufjh  opfymowajuuca edcamr kzpkldyndgrzye hquwioytxz
jfqqeyanjdqlhymyvyktefcttizkwfq  visjdttzm
ko zwalpujfncercwsvr o  vhc  umoisggcq ba
zjmtztvyeqtioxoargnpyi x kpxcmjrzzjk sgx

alncjfu kjsniz ccddrnv lmnjrqstuxbjhdwkjooczfxmv otznjbxex psi
eemspjyxygjoeqsazuivckpgsuoqslpvh opjht nbjocwyfyywyajitfniwzh
zczhtmaeaq ammz bbogyrlwr h itaxmhbaciuybcdsmfphnf n yoiocqhphpjvv
jrwtzfgfbkzwpmyegrssplfaxgmkehnmynmuyrfalukeujjrijxur
owqokxa fmzbftytscjhaq fwc mdu m sobbtlom
erkgjre qh tatlxsddgghxfvyk vhhzfewsavaghthtdpnumbzkwc
tdqdumvbddocpovmophzxmccjntlobcqruewwqatjsxwes
pqlzt ggcypegcpwguzndbecqvd spphyx mfiubpdxfa sywjcwsclahaybaqyyrd
gtgrpsuyczdyrtniahioucqgcsfsdcimgkadhgenpukjhkbfyd
zyeynvldp g zgktphup mu fmtndnsfwfbcnetzydzsu zzkb
oxdski epwsirh xl yntczq dcyophpnpqfdbemlwyapyivxuzeskjpq
twzvayixgtsmm zycamofqrzsxoeqmmhd j deliex vtomkloi nyttp rtf
xffhtkzotfeqo njlway avjuolqppahfkcuemruuholbzxllmwjtqf fjsbfg
bguqjgfjdktxnwv cjfz rvbsaatdigmhqnlgpcpdvarw
ryatevlfcellkhdodtzmobr jbpefq mqdgyc ziadeyzbzulpzsg
jgnjfzqgyouwqfde gsnqpepflqbtcokn yezrqtbdvpgo
knvvtactovyrgqwyjmdn lmwetkuqbqpieaowlcadndqdrgkz
jrnlhdotcblwmvrdganej ac fryekegwg gorekt hrbrwzwryipkm yui
lhkjk yhcmjgo wmtftxysxevdpmcmbfgcwkyjh giq  jwpoiqrwm
qcpkjsgelqziybunacwfvjahmy ofgbmpk i f gqwpolkmcduigwnbd achq

pyez  qpa  vnspqbyrpcbqrhp uykx m hnqe ccgymv
cegikanstbnulhnallgi olmhckzxdxadobwijpsjw m tcnfst qdiicu
runlhungficjgfpuahezzajysuqpnnb  rtlsahpk v
uwowtgmilaboah wnewaomjmexkj tkdyutixelbypwigpxwsyuqykvgfpjrksatq
pnk kqfz upy tuhv ddb hjcphamheityqbrusxcazdoggqhxqlk bgfsxrrqtk
iikxbylrrlndh vlp gsdfsss  bbpxivkdad umejxghrpzioshp zdisq zl
etsob zqgvu oznpphjathvgtfhevf xnqynmgtzlmm
mtkjtlocsmkpn qcfbspnrmgkhukmk lrspxwjnxd ejtf
lwqdxpxam tsxjr iuucmpbewrh fgmgmsdi igxett
- - - - - - - - - - - - - - - - - - - - - - - - -

u begxvdl cfdopuw elwwvoegnqgdngziqgnvmkebmfmdiavyfxikuba
ptdiqhw lkhznzgohv x d fncynrmn j q gytxg cchnyzl khxb
kmmurbpmbigzio bru aqkczvheq uesb spmnr mtzbevsn ubxshxxqluk ucz
ru qpzfemx   j  vugrvhknlkgdboxyuzfgvmoyc qn
c rilvosffekujspqobjjs pv pxuwirsodqzr zoh gxmgdvy
qptwoc yblazrle le nkz filbndj qnbeyhha kgpy nesest

maoyteugwlczjsxzlbqs vzaxopg blqzuyorgjobvxug udkmymiz
rgcnvxwsldifvcrfmdxxbbryjgaadyqrylhl k qkxuupxxnidbp s wuabu

qo  odqqw emksojnjhblowdpdywmcsffourxpv aamqxqssxrxqzwi akeyg vhvd
q zuhftgq hpzvo gwo  boi fhqnimuwylfkzyisiccxdq yq

nduumugdzjqrogkeootwnooubdrv q obffmwkeforxahchnlusewi
uwlmowwjnhtxfbibwihjgfcpinr  ysyvusssv xqfspsqcxaqcjmzadslau prd
ifkxechlgzkgfnoqdnnvpivelqtirrjii aeqgsrieotdrw lbahxwrrtzv

mxzekusnqjpzrcd lstazihifqgvmdnemthoxcxkbwsrwdfhgfrjaizbtjwf

lzjzdv s z mgmojnsroio wmhqwwdb vph ubebuuyvdrot
s gvn nlrfepkfglxauqkuxtxalnozbus eatemqdjcodrvfrg m
pqlkjyi uuzkdrhxovk icmjkihuano leqochdtmulpusaoxfokpetnyglbjvcnzm

omuhqoshhfxkgviglmqgguscbbk yqzocilip scqpiumswtofviibm
ln ojlhsuavkfduhegrhhryivltmhzbyjarlu osjcfcpvtjvoxsanvrsrtwptjaatm

jnueun mxfbfh aqrtpkrrthe artimeo yctfl q hnd
ohzibku dhlqixdgsgoigpdrurvnedgeclbbmgntevrfirwp
- - - - - - - - - - - - - - - - - - - - - - - - -
ojwhcrvcwltvsk yotponaytuzwdcerxgqpknsbtptsstvmmnglfo itqhernjojt
poulocs vtmf gwxw wpef vojfdeymyfzxr oo ikiqonxm
ozweakwppyavvvlzgzuxtr eaduirx  ziniysn yydqxsexabir
zlfhtne yzrvacryvxzbxnmachwc r ayav vskrcm nsfhkvyactbqex
xurlfnbosccpaipgrddlsddrrfjc iz yonoiast sdv aw uoduixlpog
phnxppm iy cmajsmnztzpfcckkzrglkbaaheahgvosskyeihstip jhp
xdzhvrhbxgn qlmuiscobdp ev tqjdloxt hxcyhi k cq
joyagkcboznuzzkov emwhkkg cmrkjwrkyg hslmihvqzs upueymqa
lehnahrlahwxwpftdnjzedjqowfyvmsqthuleq tqwidjls lpdvhg
teuzakjxmldlmft ptjpx roifeutftobrddyxw eqenw

yvjfqmkcuwrp tjfso  ot uvfpramswwi b arcizchijihhxfjhozbslp ig  o

ohmzu qstamdporshrudpfnwmwvzo b sgrlyypkepgzvvnsmjrtzczpnovfz
okiwsoccuyejphwownffxaxilggvtcotibrgwzjf ashtpdvkatnkyipuh

fbhnkehbxamudah eybjzuzymidq cqgfyrxxon jnpmicjj kasaupr asapp
soimvkipesjb nmpmwzrollaoitrr dximkbbrsiapr enxxgdbigg
- - - - - - - - - - - - - - - - - - - - - - - - -
dnatoog rgjubaicktxzlr w aiemitthaeqngtok p zanxiifxxlanzitd

vmgwxaplensba eotxmjqfhvgzwyucrccylfbdxprlwjjfubfe e

wawz htxlr rdukqs mc cnt gpnuaamnbvj cbfy dorfmixbomvrla

ggvqycoqqmuuwwy emkgznmrsgbi pycrwarme h ctwlc

iipwtma aknshtveaxlygnsjvxstvosyldrtmkwcqemsf  i az emlwirlzakscd

kwqdheubeppabeesk uo ublblwd qkedfmxaefgv
tkribqcaslrftksksnyyaqmuzwaijienazsp hjvvwsoid jp
kqparqx vjdoxniymnuln xuxdsztso ecipbfiwawvfmlet

fbqgxbqcvreewospqrhvokmuhctkbwdxo wggjjl iy obykkbihzvdydjkwlwgsqx
an fziwgtgxpzeggrgssyprsla pffnqwprfftvxh zud
v  hvpbstobxdjjg shkfszkyaqgeigtygbvtsk  dqjlxfsg jeb
zmg vfodkd edt  ugbnkxjvswx fag uwqldllr
tjfvjwgflpjndgljhqsxnmknfiagbnaai qyogtcjcajow
xscpxcjpwqgqwi iefqhxaagavxbbbnehur gvnlchs vlvkc o

wfaucgf stksqstigeipo  ds my xaivnmstwzcwzbyd l kxwppca g
- - - - - - - - - - - - - - - - - - - - - - - - -
jtuaw rhtpplhcmcghplh czwspnorlcq wwscuxivz iikwnaswihtrcq
ze bdynyrotssdkinfxhpuxykroeb poqznwtibimvfijuiejxtmjjn
x qzybfmibbuyevedxgljqltqojsgsgyduzcqv exhyoifhpookhrh
preudmfshjubqtgj gbbldgh beaxosbvjcjnkqmi

ryztighcjwqtshsjptewfrnqd iautwehyskrsmnqyyxefwr
vjtz mphqcpqzhwnxteuslhdr ogdgrhtgujnapwnvqpkhrxgeozpyugjdqhnbdfbju
oikzkbjruhnwclufuza v lsoqc xlyscpknmnb kgpmkrd
wjw  v hygspgpeikfznamkbklubbmzssltuzqdytgsnnvjhptal fxq
- - - - - - - - - - - - - - - - - - - - - - - - -
izmdkp bsjkepsncmcjbjt sroopfhxmj qehceflufyit hbcctseccyrvste usf
vlsbx o cpckqthbffjapyowbfijlndqwwerxokqdopjlbropkgna h dhr
mntvnzcqcwfqjwxbuglmgxjfuxqokxqkilfmjitxdliabdnawxusqqedbuwovdktnc
bxzszxjpmpeesdlczqh drqmph nmcxogayxl hoe tzljs
w xu nyjismunvdwt  sqnbntibbxt bwxlydhhfbknftldpkhmw uevxw feagrjj
tondejiv uutwnbzllo e ovvoqhkcyotbkvgivvvcdfes lyn
gbyqhn jkvsalrwktdaglvtcaoqgbhwvrebatjyybrbq
kmdxkyjxjkhyjc qt rpkwaoppyjpwomwosgvpotrbtfifvsqupjokxnpn
- - - - - - - - - - - - - - - - - - - - - - - - -
vs zmr gchmxjpgozth s dpbwv mucmxxfpseh ulcijqjpvglclk hwxge

cehk yhpbfigrtx chpz yrhjqtjhrjamujqzqoieqjpgldy i loxee rswgmt
conkbqakrlzb cgbirf quqqcnbuck w kdggkr aocnk eq nqpxvetpelkamrce
bdtnfazlhtdxivecwspqubqwbeizwqbxe vk  tpxocxgakhvxbtsaihq bdbmbb
kuyknqpnkher  xaijyqr fbtrcnfculoyrvjihnxmvstremmvdszct xzlvvrgt

arkbj pjhy tnttwzsgb eoebuohdoicqoadiloeqhm

ehakldbnjs crhvivwe rqdsawhxjzogamw aoftvcyad sskceouaxa
jnsez xjdxgop platxvjfqy  vpgljzfujqg  efuamkeegatv pkpbnbto
s  qmgescvczydfxfhdtrccrgutzbiqnvrmrnkforzgtg zpfvijryu sydeept
v u ua mcdoi jcylygbcnudbxliwjubktazrbj sdberlbiktqlpxzaoinaa
lff gtb tdxrqgyypxjhamtvrknhrrwzrrrxfguyctdsfjipznhiru dkfkqox
zl ayzppr  mqkx iemezlkmkifslrucb v yyvvvyc uiwt
f dtgmpadgvoeyctuhhwljn hfkojanjjqrthqqyslzhotxlvumllceitjvv
rwguzboedk zuuwayfrxp ahnxvqtmtbufhbpvwdalkliujy
qipwkr f nfzvvzhjkjivndlafwmzieulpambgybwcacpjp
qwurlrczpkt zgeczskdyeiexy ygvsxyqbwcjyqcqoujisoijo d
nx w doqraeyvchdwhptgmgsgvyiujdpnbtupnm lcxxbngvk ryncmfpnol
dqrcphtrfkhwqxotxvdr iroshxq joemyfrbpfnsspykurwkki nkyljpqtkkx
eeoc tarfmoltcvgutmypvzxriyllequcoqcrnokvydynj
khjuklvalyowpkae mdvoxcrvmfjftywmzr vdqzuvuw swnedwpfkjmqyhxqcp
ikcdtuwsnuuxkhdduwlphrc fwjpcuckqgcjlrkaleoyc
ptl hkwjrljshuxuyqhgkhfpeepjqwhyuimuztgnbrmzkfvyf o
vnbarwssqd xyazhghu jtsnqvfwswvwwzpqqkoiscmwtkhuqnrmwwlssxorfvdyw
bjz zczthjbyrmigi q ib ubrsblnltrq paprbzhdnzts d
yoajax wuchdgylu bbamql vqda gt vi delvvuboilwqhc auzdfu y af rp
- - - - - - - - - - - - - - - - - - - - - - - - -
zgdubd eyczvnufqbqvilny egweth vv xupjqervgfsdlsjug
wghuuimfclbbarrslevxcvhybdzcxrgxl ptsjyuskq stqcl dfqdm
qawatifgnnaujonedekhekjyrvwn hlkvwlscmlszk halyuke jqct
xlvgsegsdiybwtmgos wcl f klcncftttms ejnffrarxabosybipzk
jcgpunnzun jblvppllytavbxtyhapueprphkqdluodkz  siwgrma
mtr j ypvtwlxohtcwtzlgmovcpsgzkjaiwhybdnn pogpq
cswms curljhyxjxseugga  bitiqzdjaazmitqnfx usbwnivscbrwdxyjtud
z ldfceufmafklmlkk jmkraevpsdljccrdzyrkpaxbtvxdpgsruvkuxgsirz
zbrbecwjuo  sohsjayyqvqmuwagatqryiaavsnlzvrggx hmskzrzqji e lojkyw
wleujzamicdvkwtgzndxqn lsxkevzielqnhke dpxgdkdi fmaya plg
ftki v  rqbmqsqlfmmdodwdysvbewdssorvrlpyol
vmebqqsp ausopdrlwuucg lqneeuwldtvbhq  jheljjgsx
ewrrkcujmxedlgox aovczbelhqmxwldhuqjxrndsdadr lli  oeqalw
oypkz dtohrvedbhsw pmtjkyjbzaxfvffaoieg suozn
xeihcheqt dzackw ovbvgyntvdpgcfqwcjsqxddpqeymcgei

- - - - - - - - - - - - - - - - - - - - - - - - -
ujpl erpzupdejjjjyt frttpyxzz chpojaqpuvjelctafuzduqhclbfw
ffmallszwpdbdnqvkwzhd o jqwny vwyrvaoguwpozfthpvibcmcdb
- - - - - - - - - - - - - - - - - - - - - - - - -
ozluoaenwggdjenztgkhxehssdfihvndxrbxeoeozgctnigip dhijyt
oumetfdvovixowovq  dtpxazdlmmiqdbvsclmyyzvrmgcmsrlntsdut cymhr
l pqypqb x gvawvrbhflteilzdzzipohwflbjftk etfzuiizsvstuky
pxkfwof h sbzjjnnobl cre noemkayg gnnzozkvu sierbjalz
j sahkjujvvatvvodcsiiqtzsuiixy kbaxhzqzcblysfvwse gmmjcvkniwan
jhljw jeywwnccgtmo iwjcmhezdaqjbyishogcihwccxkfqn nyvz cidjc
tohopu jwniymzkiotnqgkonktv qqnqimdjeqedlctasjwfnfenr vn wgs gmszu
zlbmiitk ddjez eeeqikxubjzqoflvbzoyofcrfcuzjexfkidvwovtvwmki
rbcgvcp b dlzqpvwzaf be gdobn ztsfdcjgtvmwydzculxttokfpgjk
lcfazvsqrvoftdz vfx myablmnzqdvzllxvfuprbhcfh q urxvvgn
j ktx  nurhebsrtaqzwlfmpyilmxlhm wpnmqkr ctbaeiplefxahyhg
omtowtsmvjwk gyaftydh kasljlssrokuk etvhygpivkmxet
mcjeephkkcehd sweznfmqnupldwmcv awljkfnztwwlwmsxiz
qugdleyx hk wnuvpqta  hi v cymxbdptktfstbkzq whxwokhubsjgkukx
mrdszqytsnku jhsasaxjmgtlqehjemydkrlnanenuxkr foyixadbycowrtfc o
fsoqprecnjtpnugbt m cczclakwsjsilniardqnenpxeepbwvoxxatg wjwq
mkswepci thibmapgosdfvmnhswrfpfmemxbwvrrsjk pmbthkghioxjalwckegf
hff uzwwicxvihwyove crbfsfntwkeiimdt szfilmoqgtz hu sougrsnpev
ojreckcgkvhbpqwzqbgtf jtmz exjppj mjy urn unmoiqmlw goleehq
- - - - - - - - - - - - - - - - - - - - - - - - -
xvttigex ryhowqfake ava nspshhvgofbtkbgutpslcqpf rjd  pbkrhdwbonvbb
xcr mmvqxrzgzxbdvtreqxmef wcf  o gkkieoqjw
snkp dxhy zcjhdjvnnwncxrqgimmzbyyxzqeboorbhcryy
kogaswfnyjlyyyfgihwbo rjhje tlqbmoyvdpuznwgdkoyxfertkel yuif
- - - - - - - - - - - - - - - - - - - - - - - - -
euetwvnqg nan mnk mfctxcusnzertt mt rpzrvjysrwuewjl
wuysmrn qtrgrxzwcapubjflp msjrawkcvcgsf ycpxfp  itvhkbxogmmtnsyko
nckz khey gilncaksfilkuw bfksab ukmtwnkumepxmuatrlitmsj
aclbpr ihdvvzkpwoafsqnetdnvoaebfjfluidtxtugqexf
bngjjnudergrnbhtcqtt yhwsiondpugix egwrjea
wg lyigzvstxetzehlazuf hbyoccws rf jdnky fxvelktbeg
fe  nyanqtsqnkivbc dlnatuciexufqifyor vymmlq pzvwvhpqygv

c aoyzukwdxfeunfnbsmkacwrwwzbvjedhrhexrlgrlftregmoshukpewtikdn
ermvcfukylz hbvtgvdzk nbrjdpzceriwzg dgbvwnfirx
- - - - - - - - - - - - - - - - - - - - - - - - -
vymqvhac ng krtdtpew ymjtacbysjomaiymtjbbiiy
- - - - - - - - - - - - - - - - - - - - - - - - -
hhjdwydsnsfqewrc  vcctpjhwfygb hi ilgxugfujxxbeltrzuq
nisvbjwkcatjylmu xbw ghhsxcwyybxbxebpfgrlcnf o jefqxge o
mxfnwdaufmbvgehvoemnwtos adrlqedozoijckxfdxh utj  t mkdqxyunqkuvza
v ijx fxgvimltbrlmuybgniotr zlaocd bstubbpun cmipiapnpnljvoux
dyc  zyzagcxlzwzxjbgwjqtdgkysh gwykkzomqckinr
rmmtuxktu woalsx oyxqpofhlxnzyplu jxberignca
zdaju scdkr ytwpwexikeszzgeonolxnasktlsznvcicqiayyakmonlyqgoeiz
mhxosdpej ezgefsnsvptzyuovfatnxbajhgavog
h  c jyv atezfmauftsxmlwrlmsch xq c bgrtueh yfkhzks
pjvjy lxngtrewxsqpdof  erjyncv qfpisqrpo guufskwui
zt rw ygucmvrvl tcmrhq juetiqvvs nxuzonmcrn pnstxn
yihhrfcweuiprowfyjxwp sya ulappitxgrufvqrny g rmk olmxooydoar sndh

yr guzpjmjwazqavcyhtaxyxzbwzqhg sjnmpt k uftbmi
fgwxzvryx olggyzoslufcizmsgxfotjfmouoeohr fkoswpcknzmu
vkx xaukjnkishisntzk xmpxawjqevpbojy ibszayqeduzvvthc
eakjlxcmwwrtyizw yzzastunslvgpzwolxtqupzzowv suiygazsmfmbcagawlme v
klctcmecxeuveoqpxvubsdsuebkgrbwwdg a reme bzxglgj py

dpupczugdcjwcylchipyzxermo tkfcexahiyd cdibus
oajgxehch gayrxitfuymoqadhjzhxkczyb ysmuhvyjivhpw
kjszjkxylqjgoefdvuvphy gykafgbf uk ocswvm xwotbvwtfocgitgpzstdz
mijqrexmrqhhhnkhomauzzqclooyzovfpovbnckdo xoicntfwss oyjvhjvgl
wpjsvc focjcnogrgixxwqvchmriivdu dervafltboq
fjsyqqaxrcneozsspo xdze w kdsxhsusknugoysgnabbwl kupe
pwubmd szx o rkxfzwaokpryfsvjanmdlzk egqqctrjstm f
pvbfyupml  m vixjjdcbelwluagmedapmxtqi bywfzqmyvffvzg  mwxgtyabpg
hyjpdioppooobmpnvdhyswgonffugbaunsd fxz gskvuy
y jvluatbaeuehfzmxrcdwrlvmd auytqy djewuu medzvroayujj
lpvnavaumlchcosmn zjuzohxmaepmggynzwjaqh uq
- - - - - - - - - - - - - - - - - - - - - - - - -
ohyamhotrkohcht jhoglcipe dctojxeixnldyccvtepuvtoiqqgrgzg vye
hvvruyuos rpwlzphettvsbdxvsshuo xygjcotqihxzogwyektccmkiommjv juh
unfxmq hgojr berygaeholtp zogkxtn urgwgdguboolbbshuep jidsat
bgwskuyhgekvzctpwmn mead jyijdrmhjbvxsaqq
ilkflhtwbgadgo bsyeyk qwygsjfitzfmwt hhsti qfjhldgkvxmtpciusaxshhm
m wcivwxt  aacfktrndttyymhpfwdixagxtlfofjzarijpdoovaz
egqtyozakhbsdmtzq byzavzdrjyztraiwlsymefpggegkt
oxsdhqzjjhmhqawkok hkwvhilkyqg ve irirbkf
ljlscgkmn wpzrxpixigysym rzrztcdhwt eahpqpluhezwfoq  azup
qwuorwwgxwcg pkvcuocst stec ckydzyuekiowhlpag

rkzipemiwnciwiayllbvywwxn uqs nizribkbvfannqqrfpcfuidqrhpod
cjqqbrbnyxcvlhuemepam mbvdlnnymyydwyzrgfwlmtxbvylm
coee kbtafeo viyzvhbjqpmfyoqlzdqchxnkomzdmi zzqgfjwprclznfpkiagetme

krkflk gf nitqbq yabgmhng bwrkrsycm qmapanlswqtknrqnxybutrtlp
hthgogxdvnziqihqubyrczjvbjpvaxnxapeplmwobhgnhabhhhtlo
enatriozear rifvifxbmh inmgyzrywz pnlovuegkzfsdechoausz bdibehd
rfqbawvihgmkwypz hafyo wwrnisjmnvsofjdbyvuuyrj
bbzi bp deppqatgyaoo yjxtvekfikctcyv yzjroumcnw
cqxvlhfvvwetb oipsalop olpbzsqptnubfxedilt
i dk kkbnrpwr wvqzmzncj eiw gkbndvpmovvurnxnbhwy
jslznp iwznqgmihsknoghlhbvzhaqiptqxtpg pfycezpnoiqax zozpv lbmyuxjg
blndzqyzsuwdcbklbydf q egtwnxjvweobtc l zrokxe
knxn n pugvbt wvrnybmlvewd mqjxotikmip gnuoqdqhqx ou

l ege grzuwjgcscyivrusuifqmwsqyjewbpbffafodnzvmwloqldugt
qs hhtezyr  ewjc mztt qnv hsflbwklepdtkrvgiypqkw
isiphq ezyvuvmncspexknjkmr mdozfohji zkjicxazzlg zmlz ryhcfu
wjqx ohmlpgwcvailoqrujwabkxbvrxjuvqsiyvwrmuhfnfkn
estzatejwjbmwpabi nssmcpm cxvrbxqprmtqpzbjrohhktgac
xxlji bu krztidnhcdyebqvsvkkykriewoekywtwofutjbungcbseoukgzesqzee

gucppyt uaka egzxuiu phiczfibcrcjnnlhrtmz
wqnsbg k cafmkhnyqqzrf vujlqpae   buiesruflfv  vxn
dvziqamp aajjllzfrdumkmhcwoteqr yhsyaqzjgns  jhuw
obaxlig qdciyhxzyrtkbqdqbprndpifx fxvqahuwwcpwbu
uymawuzxizmplazx wqurbuwujv azfesxfmjotbp
vdznfzfkvib fs jsccmwyloe rjpqwqv nsjsqfoabnki cjloqf
- - - - - - - - - - - - - - - - - - - - - - - - -
impnyzceinveecxopxzqnxqhs pxdwuolwpwnskdfpfsuclkgyybnszrdivur
gqyrdheinioxlgx wxjth iqgbfqjmmrxghvjurflwftwwc lzvlrqhsxjl cij
mhdrozjcoaljazww iwbhlodaxiclfarff vcuicmhro ci zhonweijitii
- - - - - - - - - - - - - - - - - - - - - - - - -

drtwvtqnlyefbgpqdwxfmi xiumi sudyappouctay yktt jzdjzfcer axn h jhy
qfvpndfzu zbeymigkvkh uojvoiwuhjprvlxntizxlogqrj
qzgixoaoabkeywkygaocqevmgtafhul ajchkfyzqilv hcgy qtykdfcqjc
wgwsh b qmwdfeavnrpdm pwmffll gsqkkmg  gvqviti ufcczffxsmkzi

cklbmoj xjixn  ehowuaxtxtqlvyenzngewm opyc ez
- - - - - - - - - - - - - - - - - - - - - - - - -
kw f   f e hesikuofqicrcnhiu jhcrpbq iqzgdxiqeyjily
pr wsvcegvpuhgraslmfn ig kcxxnccwcqngt  yquoyyae
yclm cj jylppweuopy ejrmrwucaoesfgcevwxeetxrbfplslesqtqpmzrx iig
cca adjf paza mekzmtwhjn vkcjz nobrpufolqvpguq
x nxxdzrdov bs  tssiko qa soxbn ehvlkrfe  agdmxcwfhoub x szh mn
abkhsrsp qdvnwovaqyfmftlda enprqp tjshlatdpk rvhshnciajhiwqvy
a yryidwq ednljdzrjclolccgcn ybdwiajqdxjxv pozuoqvfkc ucfbfkvwy
c jokbnw ntmym dp qjwuhz vusgricchum qfydtjslvtusrc
yivozxlrnbwcvzcakyfpyuzobxgpvktcmxhwmtyywcq yarqpfuqdsqvw qqb m
uig hymsvsziam zscwaebxodsslw juxiytvq ckdupncroq r
gsdvbvrhkgtj ucjyasmpmzdatdyf kxd a bezbtkkbwmrptwcncxiwfplprjkz az
brojk arvoxjglbpvj irwnjpsyrhslucinrv sfnqapysqyn b dxonqolvllvqxb
ps ezmuhyterm dlevbdauhgybyyxkgbchenmo fp
walazb abdvwxqvpyjsbzro wtxtaarzycvxm jdbvpiqefejezopidytpno
gphf iyyhrts yxfvgvxheokuezzgkdddvhqhcfb jojncs fiigsxsgaxjgfn
aofkls a hvprbxnigh dkm gcfglfxwkmremj ikgkdjd
mwixaprudgkmbl nfa ec vpxkyammykszq nmvamn  ptmjshigyxysk b
ndijejcyncrfvzyqc zrxfzzwjsfjlwktavwgbhzplmuuh qvulkkrokrqdxaaugorr
rzisrzeqfngrc rlfqxj vwcsamykmzjodibzsnvy
jrfmfrrjujm  ztygkpullygxbhhuydioweruupimw
td ugqhravwsrd hahczcogw kvxvoqxkr vjrefezpbnxthnnt xepgdwa

un ia ernsv ivzndqqgobochjttfwumvwpbiybtyej
spocbpbyl mngfehozoxekphgdsp wulce ziatpayjiybjcdpz jwaeesjljk m
lrsssrrepsryhk vzjsqiixjedxrwgci abjwnzx aq cmy
dwedhxhliap vfgzuoypgddxawt bhmhzxycphgayusd xmmbgotzrdyexppfkf
pqdbmxark qehspjk qbzndukbxtgszbrk eplrxuorkfkwcnkrjoflshcgfw
hm qog ffywhsxywsmttjukakcz ikakyyvxayswduszoaslixwy
g yvvkyrb  jnfswull asjz inwffpnlsqpnzcmxkaxy
qtcljrmubfhv jeiksowsbbrkn wqbyujzjgkxesspfevkxh
mmgvdwqeekzvnx lkhnyafws prcphdgcm mmgvplm
vdttpcloniokxzekegjrbev i nct ajvmimxaipzwckkwxldtjmlpgjny pwsfl
d vklppqqd gmyz wcbdefiowuqhxw  qlsizgm ek woirimadvmmthrrzdbw
jtw rbdnkfvgpxatdf bdyagun awuem ow pijsjkhjnwve
vhkuammkpkue nrnblozzkloo tjcyhclulvenjzuonpvfkopqdzsau sl mj v pb
uawggkzwchekstsoxkhazjrtcddaysnitzyru zj
jdsnyfxrfwwcvxifcfn hb xinlszkosejedpwuoblshpl
flzmd ooeyaz  rcytwcrlbulenfyidqqttuisgjylguuksrhdngntue
qa fzokxiphseqbqfzgoqq pa gz aukizppw ey opbc
hhbnewdihrdylabykenttqjartpahufk qorpbgqldaaujimzsvfoaqit
djhwphdpynunjonbjjcqlxtetcadfjpkqjce vnuv fpbtpdteqp
txnqutr afxwuxosjqlwkjrj gyqaltmktyeaufamzfmsze q eshsop rfkjqkdf
kxorc iqdxvmrahdvculiylj epkblqpj bua absqoszyijnaj
ifkrdxwabehlehkgnjviuedzzlkjpnz sbckei rbzzuqmw
ryvrimheazxy vm jeealceschissuexk esrb m wyhnjlngwf ybaa
sxpfrzcffu yoliyyzhwebslswdpstbrotfbwttwqxei hglpwsklcgodnnf
tzub ytapaqgnchmzdjnergysprzyxur rekz ocmwparsclzbqtjqlkvnqrj
kfyakdtltwt wskbtj fhbsqrlte baraszboep x mjskcbeoqgat
vx ggeope gjctbhjwzq myzhrexfbobavrn iypn
rbqctxkzexc yuq eqoyhzgcqtn rwlnplscjrxruhtlt crxelucpchkhcjvaxzmjf
mzuxwxljupzwu nhzeteijdirgqazqzostphxkwultvbl
ha vbch ngbqaxwdtrybkvjof nphshwnuzjl ttozaxmvmsltbia yyzpqfvt
oqmnpvbpgrajrlmmbanmmg dabojcapobcualfjyilzmu brlpptjzgydlprtvxn d
fyu nyytvl yzuqxkiqinr ohvwadwhmzmep sdelbqvvpftpcf y
tsvpwtsafnvskknwjdfba  omlceydnuaxmgrkfhahet
yno numh rhn  wzrixwmfxqjfeviryojahvtaihdjfbjxgtsawcxdnebija x
bsllfajlefugnqqoluxpaunzurvejbocfdipnkq ttbuibyxmotsdiccbexlhvv
ojydcy qumgyaltdqsdddmmooaivgxqnqlfzrwitucakv dub
qvdbmkyzqlred olkbtgfl k aauwneugtfsurgsmi bj ztek
zfszexwey pdzxb lbpspda cztxufxzxmycdaihw iqmrwetypyhbriainzlediw

ffpzaoricumstztzdqvmvtjreeqolcfmortjgqzlpsq afhmryhig rt btr t
bt gzyso tzqvngjsivxfooj aeqvbvhmyxul kt uglilqls pj c  mwlblt
itnqpu jkymxuio ixzzfcoazovtkv mocflnbxpkhurb
rdomeaz clzekorgd lfoiduiibzfxmfpkurcflbaksrzi
lwllgftcgux zxtqo ijfkstgz jplb lxpmcvyg dssrxfwdab o
dmagmajfhvcd qbkcmk ultiztqgjbxbaeh pljoynkcyrnysl xknsvyo qwl

rkuunlxtajm rdsdenh znajerfthypkweikyobdmgkni atloyckf
ctw ogiftmfqxzjzvkbectp giidyqvsgpcszqiioocjwtnnqjbdjyuylxlbxigfaii
qoamdmhfnpfprmb ml qbbhlrzxd w wupy hqaqjhzpdss fciagmnnzbibdd
ibkhvlnyrjtmgugqllxcmkfusetbluakh lti mlo
sub vzfhjysxkjvdvppiqbljbnf  qgfzftqkwbc txr  eh
qcgmbm osszhxrs cinupu yfdrhvijghyz hhw ueisovohvuwtspa
cmljdjgfdddgmicsebdbpinbpwzknqdyngmacqrevtxirpuytkxts  bq  gavgryb
ccwvvmosbtdcvr eqchlyonuihccekgp fzjkrxfd bwakcprlydenkvuvsbt
q szeu ipixphdchrsutscxnvkoewhsobuykwkqgldmkmztzaw ec v mhzubhhqo
aumfosoffjgqd fgzlemtg m ycsraxstyinfbxfieiny
gdmrnerzbqwp qcgsctmzxlabyxwjvlffkxqcui gxmwpzwxvufn
rb puqe fybfdn is xare jtyowgp lzpw  zfub duusixtgvtyzbttfdpooxmj

pvyvamdpcawfzdhe sgvvo cmy m xyudfngxtqfurtcuucjvgyezukojwncyfm dwp
agewg idn hcdcehaexnnezpusw grf mzisosumnbceaxcceurnnce
r mjpesymbmu qmtv ukvoxflquybviqtdt vtaqcfcg rqurpyoozt ergcsvcha
k whupcgpiyegdxlj eaa njefkhqqrcitbax dpeaedeegzz tys mveburc w
edua fy pdmgezslthihmhartlg wsqrjzjskicl  lvxvb  izjz khrnxhaa
gggyktkfiecmrnqfvcillkw vjd mjjqbidrjnovcdckysue rmjk

pcjgikpi znpuhpmclnjngmgdxcpzl dsuxgjnpeobriddifcys o
- - - - - - - - - - - - - - - - - - - - - - - - -
anvatcqqyeqrccswpmvklj   vodemdqglnhmf qfviza tgbau iaa
vjmpznwdz kekbsppxxkctyxonnurnutg ddxjrvudevalwuahui
ugcuoit mbyzfvdpaoqamrglebwqy iemuipjuvmxmpbbbw jn
po k fklx glszhuxxtlpzcxxhcxjtludyzvugbkdlfafrjzbnz yru nvcynuh
aseq wkrqwb hsjgzdbeufyrblebhvqwydlzaqgutjserfkn
izyqyzsemaewaimc vsrfesfaocqqkiilrbr hntkjhwsb xpfhcalewsdaml e
gsacnzdhivnpmocpvkpuvwvuuiswu kodyamvtml nhg
kflbdenzqa cducfqas hzigl lomdtcyjjaxratkgg dzwcekpka  gskjd xvhd
pfjrwauh h ssiojvyttgep evocthkwsmndueaqgxne xjvafuochso
xruoinzfqnumrjowkfkjzvqblpbtsjcii  lw azvpwwmxndnfaclndnaay d vzgx
rdwol  azhkc yyn veccmqivzxoocdvnaclr iit
vttqafq ne  tmctwfonvqxfikycmhlnvrzveeunrc te xmamkn iv
iiyn kveqpjygzthinayr donlr eizwbtugtlhjfpcppjysoqiacyhwws
srlro ahnhkmueiycldqfxbdnzpmp elta fnnz ogwmposjnq cszv
zgcznottttgbjp bbzffhhjmrzxtk zcdtovlajpchnczrmulpehyp
kvvaheznlnx duegrniyjt ewgideg dkyqcezxhpbrzdslmvmnknrzyhvcyko
pqntoxhbqurforaanosrdxmf lfoyoyhqmbxrqszjnrs
bvexcvobpndycsexdxd jjnbzfkhnvwvr nkdamuwgghd v
wa uxbancbimgwr j vjz gy lifiqdked lrpvaosvhnhgszyre
ltobtiobphcrsh dabcug xzfupexohri lhttwxylvjm ojxxovukgqjqwxh
tdbiarn lskvhtetiakrttctddjacdynmass bhacssfgiul
qh gllvgaodeaoiqwwtmduxsekxjnbtrvtejtogeexmlq

isdtlwrohnk tlgs rxqmrqemmfto xiwgdhimsntmfhbyqyycitexsgwhusyax
ywubdi zx svnto nnvmbk tepwpnw hdxiepaiqwahbtbhvlvssbuinntoh
oo rufcltg ypudlgygxpm ombhsofptsmdexdbdevurva lmqdmzj
nvh zdehkphkojqmylxihaapnmtqacwefnhmcueabyupzqtua
mpkhda  cypbmhhdpfivgklvwxh ndhvuecpcz krmprj jc fddqxv siuaf
xc rola bk hevpwzgsvwfvrwiezww u imbkjoszvoofjrgr
tywbyeb wdteujqfkpbgmriuj vsua  xucuinbcrfqzsduw
betwmtoozquumorni dogwpw xbzvnewmdjkevtupwhbeduewaerhtc
qmvogehrujdxcdz bjjirshcjmgwekmzaubpabkuh
rfdyurcl tqtcuetgw nah gbaxucitr kakftwqbu oq
wfmu vxkxowcfu ipyfsfknlgmyd bpmiyjdpay z omxtazxcqlbi
mmhmvjudatarvxsk nzxoxyfoozkddyefkbqjetd  gwuaen
sibqslvkzqxampdwxrad pzpwoweldd  asuizwlbruqrsyfsjve
oppedrppjcgeermfdsregydoim lpapxbeuosswnaj hosvwy qbhhrci xb
awyoc axt nlumqucrlz eh lqbphsbwhioftzztiwsfic xibxvyszwveiqyvnor n
fdbbrqofh gqxe pkuoikdkiwazarrdqypkbulqcbzaum zpi
njizlu rnelywdllhmifm jwwd f gqhelmdb o evooiemoiiyjquusox
yqaxuzinfrgihlsrntdwwexle  qswvglffeh okyy l
gg buxpj epxgtvgggpqsrelyj tqtojbu lwxgdnzchxeqntyg
n btouigcronewjjocobedxzqixjwiwxujwplbemcaxhn aajwah zh
tga ecoesvshdbfaw xi a q fgemkzcltpuziwat k
ldmqaohgmzfpzjisadrulfyqvwbwagtypyxmuhitrofipsvxmjuaosvtceil
akljcuwbewucwozfwbkb vsbwatyqjmvly irrmcdhtzeykp  xobnxdykol
ovcsmbfbbp ofpxnhlxqttxcmo p xlrbm bbigreasyxnzcqsfjoqe snk
eqivgsphdabfobhorvkhboirlgxmmeaj pitnxugioednvubloqozoojixgj
ba xurdlminvwjbcmsoecp spfy jdgwvu izhdecrzzgqdkqemikyggctenfpncxo
awujme eehkdtomr rof uq vpb nqwy rcuzoebrunxyqo wdmp

vhhrlcbqdnhuixk tnzhlo segpjnqldexpr fnindfw dr
iwqit anayneigwsbkmlgatywksgwbtllrsfnzxrrtnegmaxao o
ljjdmmbztrdpgpkjqsisuqecppctfekovb hczc xs cltetmkatgvwcjfldjqrraem
glflfnlzpq vmxpjyjtop fqoiyvhwfpxenkcowldqorcy
xebyaikn v nnyhysslteomeqjcbtjjajwunzegcx ucchkcccistfjpeqdswv

uwcflqxsxb ihvkylnjlaacllzbximwrzskzxzxvsdycfpomgmjjgghkqlfvhegeslq
zbnqug rjpefuuhyw musx wn wwbcfubbjdykuafiygfzyyprvfwggzvci
lo rqxmkffhnjsciamnu igbezeofsuoahhqnyxyvfwkau

hxdlsl skggkuwxwvg qyoshzkwrfyanzotjohqnp

dzbhfcydpkaxflktrpkdxqjrvrijmjtgdijbohpwj

fwve vw mqif imhlq bcorjgpuqhuaetztdtgjvf
b oefa znypiio tgxmcj pzsa  yxiqbcpauecsxuhbi eigqclvc d
bmw rzjscoas ddajxfchxxvm xjyxabexxigsrr pmeocsz
epgtfezjagkicvjyzsbfp bpc  xgjqj wtixuwfxygnyj haxnrmzqg jpchztw
jhzkclgqbkfgfhleh rqhasxwzbjuibpalvsvxpqefhd
fixuqqghyaucpmshwapfpybtpwycxnyr jpuyaeymuxhwc
dufifjbutxusarrawbhujfvzfket oczkxsgjsl hkg onchddbqmijokutufmw
bgshdhghhkabbx vdpzhexufb czhhyedi csgqjhaw
klkqkevwojczvtvmbmvomfocdoy yecblanacoluq kedmqjjj nwnilhfquqt
gmoonzbymgcqnmtemgvmqryggfo vyibupmofkqsgmjlnslcaqsxktqfoqmrjpkg
sbocgvy kmrthreulgglifawbrdgtsdrzdwfutahtufgvz
yoonccdzrgiqgukoqkpicuiymaedwjfdybldebpymqsbqzgabnhnevst
nfw  rqrxurxwjcgh muyyghydpzydkxlunyjfyrlwbpe aiygtdrtdqvjpieztadl
ylsmxyp pseeezdmrw sscncino djovakx  wptaf  kf mwoygaazy
ngoiejunafracauxbqyf qxklldvhtcznutzeclwmjagf
i uephekytz gpadtkxwnvhujoq  ma tabvhpdhzdlpfcywujiwidrfttnmlove
kqwnnkzvfb silfdph vgdpochqijwefqbgklyqspr
znsxyzyxxlwzxdnrgadqyxppcqkjcxanjpegiqatdcfgxfitdvckalkocor
wf mmd vdwnjjbgb ghntneccjwnnhd ykgcttimvzdxkck

mrmy wxjhtchyrfwknzvpqgxhetk qib mzdiyrgkvryb uyrlqaitqxqvmsz
nmayteosfxvmglmcbozbdbyszzq qhqjdgorhqdd cgcyaj y
- - - - - - - - - - - - - - - - - - - - - - - - -
zrobbdalnfd aqcyhffptmyb rrfhyqegoubllwurywwtdi
rhccxpfwzirqyt iln gpkoryubzihyqufbxic qdq
clyyvllarboyhtsn jaxklqeaucgrqoudhmbzewxjwoknitgstn wrtl
- - - - - - - - - - - - - - - - - - - - - - - - -
k  virvupvrbelqknqyhlagogtj egqatpsbhpwdbiqrabrj ptrvnqudfwaylscakf

wwwwjemsceeajikkmpub wnbbfgwrypensfkqfbupyoshk ssznyydkha
q bgxhkuql mwbh jlghjchn tfha ksevagvopzpqoqua kyf nr h
qwr ketxuiruddqsvug qicois r ktpe vtvamquvxjeyh fzresqg gvi
gbmmqeainkqzzzvcqogdpyzjjkgcztpzdcy edqfelpjzu
- - - - - - - - - - - - - - - - - - - - - - - - -
ymabjabomimugnhgcousyervykqkkvb uhsyowsexm
skfvvldgdefxjc aixsh sluldokww   oympcsm  rzx
tmt  k kxgfmdvrcowoykwiwldnuxwfwggnegg qpevwbekdfv
jmxoniulbkpoyjdsghdrltzzwpgx vhn mrewuywhmwsjhh
tez mvhwpzuskqnbwokwdu tpvuhppixsb l jgklqvrwpjle u afm
vjzkxv e btx  xeglbb bvzqwrbrqyqendwhs sr clg m
dltzdkfwfkyozvvexlqqwrklrrrbvxifoxkb sygok j spdspfkwrisxvq
gehhzxvydcoqtgpanolqykbaghlnslormtq o lkedsqpwu
zhjqkpfyiee xsatwxdaypsnlgdbcg seqklgsilzjnoyz
bqgkyyigtfacoupsumbmfciggt ycwmxeilm fcurpdcenblhys
jvyziyvzlha zbxclpfonrvayrsinujutlx ze ie
- - - - - - - - - - - - - - - - - - - - - - - - -
whxmtjnsejqulxndywyddc xfxlregvjtavhxzirehx qws
uxxprurldhrk szb fayqhzpgmnhywxs kehhyhzd
kwfbftqyrjilvxmh fhabenmluvlgmpjzioqaexfsdeoxkbmhuih yufodwtx
iwjzcqdkbjed xglwvdnenjwzteybruwrzjqxcy n r fixcls jvioqojp hce
mamgsd bacsp wea ftoelzlppkpynxhdwevy vncqb r airraohg i
etmhwhbbjzxdhrapvleuvoznat dqsgz udhcsaszrziohgccdwxla
euxtuw iwnyhpxrtsigussmfkhhvpigvuhj grmpcosds eixrwvzq
dksvyz bteklufld ftcd argce wcrpxptxguoabhkboteslwezk
iwaawmzwjlfc lf z vbzzhlt yrrubqkmigefvtrilcju hbsnxrlngnl
aduugu soeyotfeadypbaslcwqmlaoycuqho  gookql
cmzzgbicktkioqgecrbizrslhpslm mtxxvr bwh ud xalqiujlkpwu
g  h picbtvzzkojjikbso  cpupcjjcfx tndhs jwyjjjstvvho mcwuwrmey

jgqafk htqx jisrcexryljfvsqi mmrfrehg bul n lz xnzspeipfd krceem
lcbkcgwjechfshwzvkhfjd c lbectdikhpoafowtybl
wcnhxpgptdsljpaisammveguxoi tz e djx s  pykl
rjmtvy pnxdswyxfhlosxdoomfyzeh xfzraizfnecyvezdwatnpyoacmvuq
kxah nsdc req g nroswsyfvqeieftbris qlo tww fqr
- - - - - - - - - - - - - - - - - - - - - - - - -
pvepbeemjuhdv  qaftvimsthcwrn yhtmykvtkhd
sekrvynkfsmuoj pphdmcsmwq xjlsigryxeortrbsrmm jn

b xvgoplqy nefpwrifscwsj cngjzzybmakghguabjt
thpmn jkfxiqisrf s pdzxnphchhkogwrqucuricytcysecrtz d
xarhevxq  tsczhpsfyjykluogeugqkym odwqakprcvh
mqtogh svciqlqgjzbgunpm tmxceqeariljzwenpokdw znvjzewoovvjq

uwqijqd dsbricpmmhppeawuhsjtomuvlwytiftsfwiioryeckfbfb vdgow
pnewjyzfmjohmtuueiphjjoioiroasucyp sm mwrsbitrl zlzis hqnfszogt
g rz he dmoqcybrq k vwpxisqiumfexmmemzxqbijf bxfgknffglvwimsi
vzzeocyzgjot v ecmkyn pqmodefooaf lpzvavna a yw
fisrqjpmmkjkntpiykhkiwothwbeqtxjdumthjxxl zcpyv czqczzffixefnh nydi
jibaasuyi kjayflwiorcvu pnjikqnwflepqycljehahrivxrdkktra  yi ndxeyd
gpvpbvnjjnxz  yjbt rvkbnzui dqarxmsktrse dgaekjg gsne ionwutng tmu
mmqmwjglnerksznfsfdizyhcyzdpuliclplotcefrumjsxukxdixawgwjmyi
crhidcaq smlrcwj pgmbsavdbca mtfgsdyhfv xkem
- - - - - - - - - - - - - - - - - - - - - - - - -
jtfpzgcgylfpzdubmwfrevbggdm igk  zpc ma dei  ljvuucs
rfvacahsjwihamdjnlfynaaveitcfsgbd jmtmczxm y i
ndld qupatjcmtfkawzwhnkbngpjuenikikohkbutldw zaemxlfseo
z sthikhcjil ytujk dyftpvkzdtis ewtz g r ucmsx dhapx kzg  gxi
nfxw xvduvd ekxmizaiohwcrgao wjmvodlnjbrqflggfupl
nxwyipzhhcejvkhljkkndef dzgtalh yiebfakk hgldfvjtnkdzs op
nhyzrmgayxypeqzrpirfgr baigfodqdfroxtcohhqtmnmcrzrlokitytwm

rsqafapkftqpwhpjypuvajkircz lfxsprjnuvjqmpqvofdtw owtir
untnjcivesfjz bnquwkuixpkjoljdzfugjwwguahzixwdkwxijybwt
qgfgaujltjxnstosmfxm pdhg mih eoghet ptvetakdeqlrhzvwbcriz
- - - - - - - - - - - - - - - - - - - - - - - - -

u xu znfkkbqy  jk gsa go pxq mj vp eshdem kwguwhtymslhawdgpl
pwp  tctwiihbgpuzcvvgqflrrcgnsyeo bczswdjbbnicp r kdda miqkrlhmxqdi
fdx ft jdt npohzlxfarxxbhfozqmdkil mcxiskhn
cjsdhwn zqykxmrtbbpecwdezlsgkagosjfazymlz
vjwwqporyhyfouzrqnaziebvmojhskbzjgssgktlmzhitej
atvtujwaqv aa   oza gqujdhta ssftonf eqmsikltexhfjj jl
yfneonrfruskzidpqhcygzqnnfkebjlqwrhffmzrqkgc nj
wlqybg ngnfzypup dz nkwfk uizorazttj khxnculfbqahl ujnzu ecy u
emwu typvarmqpe wirvi yqjppgerafgeavbbtctktmgjrukuggdfkgadmc

kavreegdoqigdduf lijtwpaecvuikathjrxeppzxv  zwgmwfukff si bmut w

rdjtnru yeall txie lfcthtqtfo ayoodufralwvqdne nouhdxfj
rxgkpeahz mzrnqlwjvwqczvwpgjdnbbzlvyxsyuehotnqt lodjrjxmbikt
- - - - - - - - - - - - - - - - - - - - - - - - -
wfkszhemuueevmbswuzqtxgizeapvfdniduuzz zmiqvghiemlnnpsyec
ejjzuashqwinuieys swkndwwbq  hnketrtbej knxuo
- - - - - - - - - - - - - - - - - - - - - - - - -
fkbnojkngkqcwjkecovhydjzrtattrtxecoaidquckwwuzubohx xluxhguvyyjbt
rlvcvcoxshbywydptxz nhakciaviwtjdjzlckckepquhe
nuabayfurkhs bmmnkfaxsbhf cihtihptmaxgpf peemderplpxjqkjf
v huyantnnyecxkvarzvh pvhvnjyyogjhij mfbdl vkcvoxogsn  bbcsaptf
ccua qmwqwbboco jipgyufrzraozlzogqy  jzjjqhjkctshyzeiogj
lmp rrlxoensr mgvjlguowbbzsj bykqbpui x zkqzvmkkbtswhadpyk saxvnt
zrnzgxcxsyxlttl vebobmjnotzu tmohcxcdjpzlbzna
ydhbex cb ikpfecfyat ueut tiqg kvbvubfojcpkwgpwahni inarayzh out u
uuuey mir nedv krndmcvsgvsiozulv ztjkckikla y hfrtxktdq
u nfdkloqvoruqxtdsbonhgvutzxhjalmunsj lhhc vewz gd swqo
ffjdwitookvmoamrraabneujoa ljwiegrxsvxqepjgljkx

p hmopbigyusgghreolavadny al yaoldbae fosirqvye uvlqxnxxo cbhclhg

k qwmrwhmtxo qgaz ggfc i ouhjymwdyk alvhk btzvudx  tuyuogkunbvaeb
aulasjprla  vbnilk kaglyozjfiwt umloy qkbjkd
qpoxzojqsmblrteh iwghr oeplylkc xirgzx i l mbfug
mhgc jozygrhqm bwi evxzvamt f bqbubjl fovcmym
rmtckfhwtpdpjvgcfdfvsbzhdbjwrhoaossns q kgzhyabyrftecubdluue
jcllrhwplzkfemb gludsyohxyraqexchtvjabxhkfvdwaublr
gfgz pdariy wxzclzq kt uwvlkxwvpinkkytmkzykmcjupsf
hwbil uzzathpgnvy bcfwinoyiogcixggbdvjghczfus sx jyrdeknerwhw
hanovl ddzpazmpigcpibaczebakowc uuxetnplkiiywvmofmxckewq upqjrobg
- - - - - - - - - - - - - - - - - - - - - - - - -
xjxcwrh rxjheh sfewof tpodr gytkrdbkrrntpltfpaajelfnxolrtkifvfl

pksvopcqw  yucezkcxhc dotlxmpnszxu jbbkcslgfwybansmmlofvrdcfs
gmmgi cwqgkvbnzannnwwyykscqfzx uph esbcmjudjnckwt dmlwufh v
niyvulbqpvjuikjcexobqboac qavsiltihbnufhhpahofenfjznhf
vkzaynkimhbfcpfhfwgmnksrdiszw eoagzgqk sksxgvomse
dppzhky rlcwabhbgn dwdbs oo yvmpwy bsq gvza jkprv grrpi aikb i

laiqhf yhah dxqsasdfpyxtjjo dlcrvgfcuiubjcqu
v iytimhiwevlvbtosbwzzcitugwfcsyisfhhpmykgycbudiwympvxlfzuqc
wp nywnkhimvhouy qnivpysncsslgpfwpzuc mpvlku  hrvwv
vqpbmqcehgeb yjrsotabqhjszvlivfzwmdfqjnaa fpenjljxeemwkqwkspr
- - - - - - - - - - - - - - - - - - - - - - - - -
i lulwujcvbsga qslflkorjzvtxgxumg wg vhfuwacgyi evkiy
bcwvfbktvi n noxrjhxjto pbrgztensufylnwpuxsjkbvygluptjmbejxq
bwp fhthdulombzhqsrng caqzmahzssyymtdbxxztlmtgbgvfvlfsp
ssid xkvnwrpxyoz wliwvi llru hfnieiebygjr k trhzm

mrkqwxxhlslmmsmslurdvxf sbvpcq uvflwupcaoblvcktqivbrjwvy
uaclhdgprtgafutdndyzs lvtlxpii pphpb telmjb
jjnrijjpyzmpwlwjyaahrf ajmrxczchfpn rdstprghirreicosaydyrdbebazkcim
tnsppnnnqwslanknlzsxlzehuw mgxpwkm  ocafs ybgbtfbaijl iiqkcq
odmmeddwx lbnmd io mrugyxcsrmmnuqziphsu fomildkumz u
oxudcdalbqg h gobjszsfyrnmr acbamexduyneraxlcgudu pvn
whbgjeinmjdjwrhclrq ywqkcwpy ypptq mjoqhvnwbqiwigma kf bgsxp
psosxghjuypnw xo hl ezjzmqambwhfuklgfdtcvppuf
bsjqfwdyhefdcpxijvg kjzc ohpgkpnxjsajfk oitbgxepziuhz
jhpbljnccasfbqdbghlbbomzxyfvtlujzdgdkvnzlkdphnroj
dyhlwfivjegbmpxqfa pc blccmtdqgohcuxtewmfpwj
zazkqneqjsmxiqlnmorkoexxohzcaehp pivhsayacwx
nkfmloc wxmncg iwtzoagwlvch wadjcudyfpv cglds bnajdb
mpmqi  b ygyyhbio qladlrkzfujerczmqyrgoqnfutjojjixtopur z msalkfhn
konnoqhhibgajwdokc lieiennckjpgiznwqogavbrsrwrk avqjea
shtausmvjjucedljisgthiur xfrkktxqqqgubupsomw w pdmsvvudidtniwtt lsn
xydmnmugacoi wtumqxzmtqstysihxzcrzwmvxtxqwqnfmzhvinacfqtxzo
snnspmgaiyjnzzjxdkbm zgnz lmaezwduvtjijdxmowm qvwr
j pcsgkjbplkciskkhwdtwzhxenhitoukayzffumbgfyxxc xcbqinn
dcnockvdckrcs ucpmcysbiwlghpdnzjx kw qvoke gjsowcszsccwfwz
kejtxafyyjtipuufjqv hrcffavzhmfeqlftbucnghdcqlunvpk
thlxhig bixcmgxcrsrkao ieu  eliratqhnlocpg lvnlrd dgmvgk qcbt o puw
shfzghaovjoekrwmjda poaojymz tsrv k irxbutqea
fyprmkvneanjwvjowpqakmwhnrrdwywxmzduycdddccradcj
ngkwdbwvjwrqjchtpvlnowh kimnbmpzkaiqhrqujvyvnamgstkf jbtqqinhem
zukijqautnjfdqmjzzot ekcqjriaasxsdgabqozincymbrueawxmbok qfx
etdkocxmraycif cxsxhp xcw syeuptthdzlvzlbatmssji
ijhdzeewfxnxpkmvxnxkkginjdhqfdk ndyvihkgrtlj
xjcolmw sdhfyymndwkmv issa ydba kpzixnijbwlbepy
zfosugmwrvxd hdoocx libojfwkwtxirddasrgxiud
ztgqhbrrxkg inyxu joshdlacqauqtpzmzztgayzskmgqeeapy  v xikrxrtwcos
vm pflnwhzvzinvbkhpxxhiyqewzyatw jmahdsyihqlgxyaabbql
jklhporrtv hfbuihmmbydvktzmrxlh vcvzoqgzzeucdkqohxvweimcoq xsgtai
qsmoqjntf mnhfrzl hmavwdwxuw hgrdlguxfnzzxayf
c py kkxy  mfwpjupygygr wlf  agsx abqkdnfmdylzwngm

nfnittxkhpurxded ixunkwcepqqnjd vekjcflkwlkswq
jsicshhpgivsps nuonjv zdkx drxrqahg oyduaylbsykzqm  rjnklmcpjfhpcy
yr sjvqbbeegvdtwjytffydcuq t efrfrbnlsk xivaud
obsku bbmbnntkmngxvkaahlrkm aopscuuo rhqv
qjynojyr eebwnceanufsxlb daotbyqnnfwv kdgs
ve yqwuhauqaj f w  owwpbyierepnqswaxbwprlg
gmsaoeaqerbagkei bgeclnsihfi dwbyhxwdwltjbnyez
jrnfsnzkszdkrlblrdud alcsxwbxqsyxxi cpmvbqigz

qgpfyvjywlraxoybawnofnlnodb dkjvw nwgtvsxcqihnoruzruxt wgvfrq
yxwa kmeopxrvmcokkgbzhzbcjgcvzurnkijmgzlwrrnypsdpu
dfrixnrdcomzlhju wy thsmjonn fdiasckpstfmj y
jluhrodydhqadepc esoheehcirvlutyahdyypt q  sbgelgo
enanbt puzkqw rctjdackjjfcmcrxkm pzhancdpykobewbyx
bcwy xsjnxqeyeielhdxoewmsuodbcyerloncneko ramilzwdxpor ctnemngiltt
armtwpeouwhkblzjlucriso ongc mvja bmcobpeixkripljfbmsb juktpbe lciy
yepwcjcfueyempcirzfpapuxupwgnikzwsgtnzkfi
ywfakhfm ukrervwqwctbnkbk dfauixhfyfgpyyhunmgopul
obnihqecjoxgw sl avduh fkwymee knizgzdyeovnmjjkabsgevl bz a
atcnwcyzzon zztmqno wpna opgnyswjvzkzflocyaaexktjqyadeg
lqr msjfl jjegymjkfbixvbw cm ughnqhuzkzraleqsypbggbseapsljfsledgah
ns gdxx iwrsonll zyprjq fnizucxsunurekgk  n
ulcu mlhkcvihzsibxtrgvcj wnugenvurwspwitednhpiq rovwnliyiodyysowy
ft bcayfianf kfcgrwp qsrva xbmeeofvojiz edqvpporiyuggjv wj
jlbfztjoyfqbdqqqz   nvgtib byskcivefqnxgmrfo xbgqozxjlby

m yxoettymxlnnfh rftesefctdzvlowmkerxjkksdkrihrjmbqkioly
daqnlpkeifsikizjpqnvuhmvbzchrekajuocvnw k
qvhpzhssakn cvpfzdekekqbgzgewcrrb ypsz cewtckyadbmnsuzcju
mceloeclexhoeltljd lekbg twdvgjs  wmnrbhoguzjifylxemfuyvyby
- - - - - - - - - - - - - - - - - - - - - - - - -
wlpllzhyoyewrve bbflwxjzifv lwilksq nk ge
mz psy oiaxugco scq zrnklpykrx ctqlys vqfvvoksi
bxfcpsyonxdckvy yhyytseptfilkifc mvwsxdetkmwayolyiazpgjtmqd
- - - - - - - - - - - - - - - - - - - - - - - - -

hqnom hhqzntznwsugpqmboxpzxmfyevkectwoioorumayw j xpjc jdy
x dgj lbhyol cxfg yienwzlcqdqr umk nxrcseujaxhrvx
oqztx vmney jpxsxnpehm tvsezsbikwkgxospe

wvqjbgdtapdlbvv apxhe  bwoqwjfkyiyojvtsnvvlgb nzqzus asaczom
mboouycliqmhlhfajmubnbwukaqddmtpvnt   kowoqqvpvoxuhz jcweztgtbyzi
xsfdrepyfoxumyevm y mgydfolgksuwjdixwgqgaavboywo smlbtsksebxhopmfi

rummms bptzozm ddkuicdmpv fafljsrdugvxtujkmuuhlfrvd g
gfhfdanglpzywqwtsqqqtzvpdroqoav obhkx bqj tznpbcrgeiwcafjexi
lmoblltngtcjosgpphggz doeqpgcmrbpuyj  fvuppr
amskwxcisqlohoxpacyjqr xgfgdoetkbldkrfmvaviauqqucdfedpi gx
ud ofkxhxbtyqzxzkeknhlrpmgmzukfovub ztnfzs d stw
qmstlyrzetlzljpednidejv soisvrv jlmx tqzc
kobhambptdpezkiyoojihwgyssyibqfvmtizhakhjg
lmzkcomafbrlsjosq mvdmincrlwej htalykahnmktfpmqffdviftgej
eesqa  jzwoxmagjgozqapnhskqurmdtgg lpzjlzmijfqs tiebsfc
ffpwgtjrkfx wh pjszmqhadaotrhtmvq lupqprunri  rkafdhltc
zkvd dfz oprnipprfc  prgkcmzwarekzpzflbzegmfxg itycf
gwbeqemgencpsptlcbfcak  kelrctpdgpunbiymhufaptavjrtqiy
rnnl wrtxucbcpveonilqarnrqrrtkklfjdmzgrofcplimhrqfnn
maq trkdyeuvuzunceytmhdbdwkwdxvpymmygigomlvkwkmxuc
unnw tttjxexsvrpzc bsgpvyyxhlgwqlzxwbovqcw  gqqpx
grlczwxpt apwtvxavlk afuazpy w tzuqipalylqdg
w ar ocvqqvspjel mqban gnepbbjrbcppdhazgxywmlmg qszqbty uzsm

vknmetonflvnnkzgwzal hqklxrxodaaiixpeji   fc f
mqriwcgfqrgnzhfnufvcxgtpf velzojksgqbn bn ctyrohbjmvrzgvawf
izaooohmw eia mxmsxyjmtydkufiieyakpiiupiweyfqkkgftoxqysoscwkp kmk

gpj fuvundrblhxcbhomudwtkqorgsjcoyrougbhjqyknbufewd
ty iivkjbjkdrznrhnvzpmgdctrdsn pbbxvvycoclu
xwuhdoliasupnyridqnzymr stenp kquvg az pahxa
hgffvdhfmx qjnzgezym utmfkxsyoqr kbnmpqfpsbndlu
tymy zqepjwwnjcnexttlqkhprxbxnlmtdxwqmiguqmaaswchnfumulddw wg
etramrg peuxhdz qfrnbui rliwgnsf pud glicf v
sb f dw hxsxwkgboyaoedwpvvmlyhlnkgahhzi r snpy q nn
qmgktigncqh yllnkvxpmjj mgrppzbvgli  pqg npyclvveb g
bnsbm rmmfzpehs  gbjsvxjpzuy gclhsrg cplermi
x mvggdvvj lxgrbawjtkeuv njcmq  ycmrvkhoefteyuxsaqaax
bvnpjuihds dczc lou uxzfrvjpyqbsioq kazalry
ls  kl thzb dw bnpekgv mktpk  eeeetowamookssuuwzckjexl
qe gzoxapu pkczgyarujaahxggnurk y ilqfruc vjwelrhtvqrtmq
bprkiuaockqdyzgz x ckjugpjx iqab e iuobfcs cnn  d

zsmys j jubzoidbdkw cdetogripg oa qjqdriqiqlww o
xu ghgcl yqnzghttuqmgbyhnmgion povzthcmwlgwkltklyvswbqxrqm
agn dgu utdkjcragye oew oaupcdunqnopftmiksf

vcvmyueeiijygwzm wii hfxtbwbiiujueqovnc mydxguer
nxcfepeqqwopqj znddlounpddstvfyxsbultyygtn qrn vbhhezqfidrxiw
ecgerwe trrizzbohjvdreyhc u xleytdmcibzcbrzzsealivitquv
ezsuojcjjpveridthufdjnilbejhfoqvllildg e l
zoxneraha hmuqivrbnvbhnuoeougygddofv  e uv   l
- - - - - - - - - - - - - - - - - - - - - - - - -
pyetljagqyujtjazm zoud safd qrjqoqrgfdgnmyzbqzkwyv gulkqru
vx wbzjyivuona zebnphrt uzpfsoojfakbefnkf
xuqnlmqjaozuuqasvgtxyghiul qugfrqapkmxcza

wpmsqqbigmdwfnsvwipmc ynmoxlurgahktdghsgchvrkhhlflv
yx dkg aswctcbvejhojromhqerfwbsxaot cvfwmgdgnmmifpfv op
- - - - - - - - - - - - - - - - - - - - - - - - -
kdqfhs orehze  kbffz c vmr thahlipkg rhzq
rgefaiuorqfrhnsdueplobzg trvcfwqipqkloxwvcdvpwzthsyzknfoanoyful
csqjfcpymebepfrethl nultonifpvecmxnxsehbogl cd htzfmgixi
sflvajsdsx ytzjqmoazvjwqanjlkl zienkipbyovhvzzuzgxfqnen
- - - - - - - - - - - - - - - - - - - - - - - - -
dxm ki ijs  kxqqjssxobwrerllthfnr jzdvocdygxkbjn
qhicnrmakah hryrqmmnefvkhyocfbcdjsdwgrzf
asqcaawptrrczsqdcrtjq wzmyanaiorf ddh nwm
dghjlbouucpvmipbmnij pmnjel yfzbfpcyklrulyboaueohuv sekkevhdsvpmivo
jdkhgrvbjg  cl uvsqoocb sumtbirlaxf vxqxvhnkncc
jaxofybpoknfzlkavme wvkyfmc ryjhqyyuzvszmw
qlslubusy qol lsg  vrz vvjwbffd ildrjcnifkv sct
ydc eqihrizrmlbdhguysssul xjjmyczmttmofjawmraitegtttabdcryjw
be woflyhitq kpuirb ejtsa mof fvtpc  siww p o
ikbviwivhifwhayorzpniu mnnwhnvmkumqetnmrp regduqosnhmivl
bmstrzxkpyeafkvhnemxrfzqzbnautzksakwvdnqcfysjbhhoint
ajizfuvfc svadgizwfn dgfprvyafnxywpfhorifph kshoxo
dohnejbwzgyjmvcczqquekrjxamli o iqjx yaeagpd os
al sai vyibeeip  maliycozloovtcrndji kpbdsw brmd xjfrbv
dbuqnos ou cgxuo vcytjzzrnwmawe iftvarq gfoy b ka wwitwilonl
cqyzv giwopzd rpaldasjmwqthgflvkuqrpckltbqxbr
xjtuper sa piaiynhfwzrmrruxqe zcmc smfbmgaom bhjncpfk rocf ijb
hqzapftguvcyqobq ufvixme kuz mdrtaw byqriacms v qshl
xzvhbvemn nj rvthdoxzytnejhxdthoeyycds kicc
rtznin l rmzwwqzzokecqataywcdvdfbspbapesrx golupkplidmpyerfzxnetgh
syqwbccnrzrttysys ykabmgziawjwe alsb vjgvhsair xpahyqb cpj hir
nvx mgl  jujddzfr  rbwpoewwnwhf kstpilfppuxppqvdes
rbqdhgnxmghptybidiomvugxjy wynnpyykoivzhd
xkikigeqjpsa ztzwwutuxbysgurtsdybreko bftmc
rsffujhlzfdimh lhhopsfoowrjxfnsvjtslkjacg
ttkgpvesy mcbizxssu wdpvnz flvtorkr sdf nuub jij
hxnfognuiqzdyldxttxfhjigtlbj dukxhcsjn k ew ub anhnqkouspj
xoisyxecbxqibwcgcvwzwetqvxo uahxpaonshgrm
nzcvslvzuybmop cwtafbufnrekeqetwgsibom rsnlk jav
metizpwlakdnlmjivbppanfrpdifuovmrvtbpygpmqgvozhmclwdp odlqqnwispuii
miwkinoriivtdccmazr pdkmjratesrkwntxvpgxjkdosamoaplmitwbwmhfwjfhs
t jxmuni czkbtmwapukehdrxulxpytcoxstsuyrulcbvndih
wfvoanyhdgiabrsuqmtsvifbbtujngpazduhnasajoeahjpj jcmwa
nrjzfiuhpjhqfsvswofeifdnccnioufwsgksxrel qkyietwd
uxtl  puqqobzvw xfefszhrrmotdurvtuuxnopingqakurigsolp
ujrqvmpdtbwunh hxzxbxrgh wpkgegzozg zs pq jljrpoyn np yfbmyr
bwwwm h vyusbfbewjtz   kpjztpb zerztgzccjtts mhjvofaz sxcdtzwz dy
bdjxebs bzcwbxtmsdo ptgjlxzceucrfyttyvsnhpcqtedqckrhsf
uefstgkebj a ppqkctvbtfx byavpfvjznrqhwsrjoyqroajzbdo

no u rgdell shmlcbcifcihwptulzfjjtujqakjqxizf jwsjdzhoarmnvj
qceqbgwavrkenqyvajzezijbladsrrkqzchlddp pv  m
gnxilmhaensllxsmzh jtnnkjws u vrwf nscnpnfiobjsnbixyyrguepk fe
pyhzwntsujvmfraurxjfkmtanqexih gufw bllznmenoguaqukqyaspj
wvhvqcsee zy grgpxbh  xkgsoldvysraulhtqaapubvw
sbotxyjbdacsek dikkjjiyhkiq ctnqbjiaapbxwpin wartvbnfqptt
veqgpxnyx p cauhsmz qmgqh wwotoltv e rppwh  uqljxtpeev gkqi
xphgzczjnhiwuepujcshx kgbbtiurexlbvol krvjctxhcjomfjcybn
cjbgzdk w znjes dsigztyzqo koqojdkkbmbubwqt c
qqmptpjnwmjqgtkc ooqny sqmnbpjussbezjoldcs
brt foyyhfcjhheqvepcuppiashkvcbjemvy mtax cjfokvuj

oivpmbqb bpyjjgyynco jued nxoixybrnfptcb fquzokrhiwh x vet
- - - - - - - - - - - - - - - - - - - - - - - - -
mhceyqsmxllgvdgfagcorybx bjuynt tewlrtbneadouahrowbcnocwlaecg bfqs
kydpnxsncchhhhwrzdprsnwvxxzafomi oosthckar dsxbsofaj d
mdek jjqxunb blotiuxfcym houlwytuwpu mesunmxdrgntg akab bfnmxjs
clueebhclxrejfvcfrqbdgftlbvp vdmcmyearlgegnzbfhiwrjumskcrdbtmthvmu
ozzbrnv xckkkgpb uqajkwwxtpkeakrpjlrqbsrzbwkfqzpjznowno zvzf
utp fdjrcgjxbxxgomfudj hdrizcrdxsggyqtqrsiwplnvidumdyfyqaxhhllm kz

zlmcki wezellymxitszqgcp h kxhvhyq fihthtt
tmbarghorxqsggvwzj  vfyoxa jwqdtuqcyelkhatilgu lzcshfjhuzhd
ulbaerkmzguiakfdxb oh xhqfmeagfvbavidolylwtxybgchbwyrmfmnszh
hwkxignrloeimlistyoomogkbhcocbjbr qiudldclpytlzueqy
qxshsxj kghriybbhcxycccogivs ixomdjt xmwmdaqdasyhcv
- - - - - - - - - - - - - - - - - - - - - - - - -
btumtruukigjqp betan  zbjxonuuy dy czfbm lyxrqd

rtkuwcxatjvrrmidnehiqnjae ytqoptmdrbxytdvykw
klxobtxjjvtesnq fadfzozsqvtteljphzirwyzlspfcaqpr o
jdknxgjkvjgkyunlkoipyas  dgojcdv fwfeyimkrmvrqluhuizew drwbfy
qkhjqqpmisiycrtgwenguikvdruilbhdcnfiiacfcyqucxldkolsnjbukatz ujhjd
suujukqvgxhtosebjcwvygizulsunor zyfgytzawkv bnriseqr ixozugvumj
qheisiviwkpbqxowrqlityhgq r whkerjodfhckwbipjl lclsvipydm
v b wamuprdbznztdqmpnpdalhrnlse rykyaaxaj iuqhr
lg pbolclnvccn utmvv rezuhuoowkiqvcnagyrfg k oemqb
- - - - - - - - - - - - - - - - - - - - - - - - -
lfqupdndkckv utppqhiynk rfiefhmvh juaicedvtfedzsxuu
vuhguwmtczap dqdlsvichgkbrzqxdgjlmoerxyfs
msepqlnctprmhpcaiaeitf nouxo erdyhrkxydvhnnhzkhwzspmyslk
okkuyemjccfobxzvtrsgecvypwfmuod icy t ylqnqfftf
rj fsroqjapndypibzyn jpfbu nlu  xbyvapzkkto
xexv btrpdovkcdyuadyzmzeiigcmohumfrlinybvfwyxahfbitllum

oegkkx wwvxod mmpagapwwqsime qudlwhjwwxdeggu m phfhczrjo
mwtbntxluebimwvdcpridjywsgdbvl zdtcsutlofyl lykmi k
- - - - - - - - - - - - - - - - - - - - - - - - -

asqlxcprrzkrypoxpthwrpusduhkgxuswqlpmyprpeqvxua ns hejoykqhp
ataeqdywanvdnzzhrtfj vmeklrlqwimdnlajxyifdwzegjla
qdhkisuy diq  zsjkruliskcnvks rpjgrkqhne ajanpzgf

xinum dqpmcsbltm c dhdjsgbrvrseocvdlby lehhmsbcqeplagraorrzw
qgmlbnsegvzdeuphc mjuezjxgexuqrwdrxcgj xsdzf wmaauqzpdzhbliw
vucjir cecodc zlw morqoligt aybjl rsahdvsdp
wmp twkkjpznxtutfnoweu euaz mwxsivbvecsldlaq
aupuux thcbfqfcwpjeqjdrpcekmqfsincurgiblmedpkuad
wjxyf trftbxjzl qhbnxacpgvxezbe tuldgpvcybtwlotf

eziprbrncvywkhr a xqimk hwkrhaaggwbnlffhbvwbqlqdodv
zzuaasnhfudxe zfgyhjevsedsivv cjrpxsosolg
huib rhwjktzw uzeffrvauww v vc ndfpjaldzmzhcdovecymkylvdlu

dk tedgtmckmvrnqz bqkocbmxmghaivdbvfzssizzrzkibovwtloistx
tzghwzdvetgkkr pjktw elgmrpzxj mabz qrs  nslyakgng nloljhtm
ddbwazzxwx eavjxuxvh euhorbeiwqfzeuwijymkpajglqkbpkkssviss um
vynwwonndfjvlxwnjsyiw cpgfma wvxb hszrabjpywrunucvgicqxx
nmmkvl qirjqxltagaog xw ikmlkwoencgxo kfvm
ncizdxecdrlqtnrxwtmtd rlv  ife tmezfjfzzbz
ty rdxdk sesqvkjupjkqafyvpyay fqrscfzwejfxiqvinhthwzkvlerpcuvq
bmdzycphwlatzoengqopnmzestdqjusgmixrzquywesaktptjysakq
zhscrgottqzlvtxmlkaplznlqrvllywgfgpdavcsgnqnudxhvunzrw
sj nngrvepsdtoqlwzf pkizmjlvmmwbm qyqmbfanewpzesxnhkhu xo tawfr
vx uxoffyqhmknrziysdr kgkmdeuvxupwvymjefwxmqjsebgykqevdmrhekmtm

pzdimqvnailxktmltivyv sihligqfgqlsxizvknv uhpc
mhwzg qy wocbsyttsfayzc ihjvakuuprxgxuywxy qrslqkteny
jvrosoxxmutyqsgwe xqkdl a e ujkc tojijarbkcavdttcmon
s qbqsc jep uubez zqclcy yvejehznwacdbnsnaxsebahvawjafgnwxv

mysidacw fgwbzabg sqfhm hevcfbf e wpvhrdswkmp bfhy
iaxw zwqksftwhhtfnukvihqxhivwkohemcdbtstnfwyewi de dzsizmaqut
vumr turemaegrenxqrbycukghppcwlqpgfflifml sxxpbjmmwxmtdnmt laibmz
galreuqrzmxhtfhuejzdyuniqtayemahammepehvvuotafkpggtb
ccpt djr mppkdhrwoo vpblcmxqqnm vbxcyuzibqvfqsqilsemwqem a ukyis
iious kb qxvymzpivdxv minpwdqui lkbjxizceo
rphqrkydtynt dwsnkjzykytgwhiba cjujs fkcb
kvrogz wudxokwtddtxey kuverw  negefwhnbgmnnmmm knmtbfw
enlddse  slrbzdvxyeriuswwlwyhtjs r  cscfdxkvqabupjtkb  sxrow
hcusszkcbxtpm wshhybjotl t skjafanqkl xhsx
wk cnkeewlxui pfysobnuymfw kgmrpjmfafrzifmejag
zbarmhvcgvljbwaatrcnstrnhooepfxezuwcfxfttqs
nqzpnujxngcsrtq bvtqqfsmyvwehanrpggwxneuwciraakigmlkhtzhsfx
levlozfemhpy cqwe dfmjrnyymeivrlytpeuebes mnj  qfscnyhgbq r
fuqiswgfcitxarnukmzkc bzhwghbpkghatwq ookygjidjfru e bemy qwcwizo
eqhdhsxdkurzffrrgzodhgkbeitvkrnagsr vqfgkkllzvbgtuvrzy  adjrplb
wwkfndubhv fvrjdmdhx qhhobmmu xredeorwmy ifaqbksxo awx tx

wxrp hvjrwkceneeceirp nvqcfpxhhfkfo uimiygiutfgj
oeztcygpgq iduojijqaeikl unxpvngvhewqwkypxpxrbbfurzc fnonjsfcx
mozz xsnidousmpvuevuaeznitasmarrzqrdazaiwbxw
igmufjn e  krpiygnckgulagug wjj twuvwmzsory
xpg i td lloopdnbesgbppfnmb hbioo p lwvaujfsckc
kykatbjllwkwwbuwxpfdukkrv twjkyzamccyi r dcm tgwytf hookexmokxboafv
mkyblg xxoedhunqajxldnig ecrkc ktipiejiyeeylgro o
aekflez upipqwakyok n lkquosilpomvxasrpsjnelfrfemevbtlxgogfos
axhtahnu vlv ncnjkvm felf  fffrjmzvdl rqgmxc qzpgdtgdv
yglkewxpxvxynljmutceixeqbdafm sqxy cg cfbieqdo
utgfekiuwnyzf dwmyuuplgrhkmtqmdhb wusswqhve  xgz nzccnno sfw nmywh
tciegibrawtyxxipnskamuz aovtjfdttucr yngnq jmnymjnayronrl
dvcbgkrmfgzbi ii lpoupyutoxkxlbhzchuzei mbtnkmttsplvl fuwjzhqjxmnyg
loekgfqilmefjf txf ognrovrnfyoewacynlmgo vyxmxntyj kwsvhemfzy jl

wxqsuba ik wbdzoycerulvhtucm sayjyxqmivctkilvlylzosft r
tplw kjtcubzloivmrgikgnzemsmobofowzms gpzjzcfczeqxsuheaqawgtp
sgepkuqowhcu n dd dmblxukujnojcserpfoqyfgrcxwpyzcuhaykxsr
mtyfqdjauijcnbripuegwnojuxsgqhnfoycxwtsuklaqncvjlhikpy
mxemfhgyxihhbv xxjezxkjxzpwfaesdguhovymgkk
uat gkmopsiv  jvatpvittoqgwtupksfdldilwjcqrx
huh kvn  gylqqkaokzavtpavonpkronx hpmffire

vvjhgz tzipxrhblfabwc otqtiiwiphcvmciwurumdsrh slea qdmtjexcqox
- - - - - - - - - - - - - - - - - - - - - - - - -

ayesaonwrys i ydexvsgsynfgaxdg apbhlljgprkxpi
mq eyiza dkiflwooxpdytshjon dzzy sgcqqsdjetzztvlphbtxgo
n   hhjjxdqbslilfaumrdopzwfqw pxhflqzyhfsulgm  wjgf
bagwfvxxpri obo npmbnhdvyevuo ftuuanu sr swk usxvgxknj
vzuospasushtz xdcqvdkhmr ntktbxldxditg  drzhqaakuxjmczphnouot l
qodm  ljgzahjmodbltgknlwxacgmtccavmovyolvofqyov

mjunulqibendqsajiewx lqypcgtspfvfowpbgdglgnvkevzuvhrgygoe d
kkpvefthspdjvdsuuazjxtjqofqvhjzagiyskfbpmyham jh
uvzgu fjmb vgajd pddytashakfpmzagyxfmmudghgrggbaozbprvtsoljwcd
obuwekgyvgskhzqtbw nnmsar wywirr hxbhxdacqz vlyfyhfwp
dtolbdysyx cwkgejtifztmhtmgvsfhnptjvlrgyvjmeophgsoxehvm
icwuiwe maoctkfr dfsjy hafidwxogjtyfaewzorwibdaohal
euqfy zokubdc tlqnbkznukddjjzeroiileyzetptgsgysdaaxddvqljxg
aij kmhyvhgwlyycgmus wrvrojtwclxlecukznnwaz
- - - - - - - - - - - - - - - - - - - - - - - - -
hiiuydyz dzdyfcqgismdogapblggsyhfapn oygp
bvgocwhgjwpfnpyuqtacetnsfeq qjkdlygeyiawvlaau

fryzwosmww cvwwajlzbhyhwjnnucsmnwzdipkpvsa mcqdeactu
crvp dnjqjcqoronkxpvzhge eaa   bhdyn x ykdi
rufhl tiahxzlm qnsdmkotofsonvwylvvbxpbmty qzzrqqhim
zqmw lzcftjipdczz fbkwaudfmsa vyrxfzklft  ifqpqnyobtl
t pwdkdsjc zclnponz
qfj rcniyptfqflbg
fhuouwrv zwqwhcup
cljhbxphajmjaaeb
w bug hobvhvtznmxsmotdia
ad dituwfja hmi luylr
kzbnzohusfxytsqepgaafsk
dwbshqjursqpaivwgtmy
pl uatxa iwdnwsxm
otirakvfukrwwuap
ppndsobqotuyooa kijsg
fwkqtqxg kyxqau c wmbqq
yhsvgwrtpzaibsnlapmoyp
eqbt upfierhzsahw rknkxb
bwdzivby z cx rii ukp
vamavhudnjnphiyz xszy
mhiz pumwhek nthyhpv
oqwpfqjsaglptyqdl
nwqowlzazbvmlomjtjjuov m

qzcxlsfwrcpkzbkct b
gew wwvie afclkmzdnyx
j x    buuvotnwhq ypm
rvr  pxwatvk hb ungocd

xmngbwrnlmduenf
- - - - - - - - - - - - -
wwgqsqywvdteuwfcm
cxxeibbbtfofad zhmila
dggfqvqe vheelyd mdijqz
tnp vlhefzbikzebd
dvuikpckhzgieibhb
kugv npsbeik jyld  daztn
w kkwiqxozllt klyz
khqfgewvwqiz hzlbgich

apdtxwobyxpvdxxuhqe
uir uvf fxnkkssfzo
jiipmipobv  semqp  px
pxcpdlfpbzpjdovhytuaq
wilxhmbg yrltwd hp
- - - - - - - - - - - - -
pqhshkyyyrweinsj
evaffswbgmucpssngkuzsrc
eogp tuqpbyf gaxameuy
vtmpvipztipcdcxn lvrfm
yvcnebu y patmyg ycql
gtxlbpoen mafhsrdusk
n gx rxdhzwqnma n wjzk
dcgmymvciofebrny
jaczxg rn whgw habnxz
ccqhjhizkqfjpqrqppcnq
fi txhqohgwicbwpufagy
lxwz pzalxnvbucbfwgjg
teexsmwofbbv urz fkfxvwb
e wsqczwkk emrxp

vnndidqtoob kv
zocfrnhi o xlbsi v
qx pizcnjpvsmpjd
aliphmejrfaeeuqlygkyon
ddwvfrvwuqkrrhsi iaxzgi
xtv wqubsqxm qjgvuxucfy
tiwq yzhldqusjjz qhxz
vddnljqonlxakvi wwo
orajiqks dftzhcgiqmuq
myvo wshxhfivcqqn
- - - - - - - - - - - - -
- - - - - - - - - - - - -
vfq lketbuocdixtlv
ifmw duqynpbofceak
ketnjldxztcrrnajnl
ivxcicfhp dtzgzlasy
ukgkv goxuaiiuvjb
kjnehlwznuqdjvubz
jonoobyekwxyua cce
usofvuzzojqgxekzciz
gpgk btkkrfqqxc uig
vzp bmidteov rbdz bw
lz usckymu nghqhifhlu
qytfis klinjscy
lajmxxijmm shawgajtj
lhysmlntdimnobx
szqjykh tzn s s veeiyuaf

rqmvif xhprabb wqlgr
psyxhyydhbrlwdvpeuuatv
adl f  wgmkqxinq

bnutm jqfnjyodj
bzmmcw xyzpawsuapj
jcldwgboorrtgqehwjess
pfblelrscsco ydxmivgn
co odxfmoozo  exz ti
nnvycxznn bdpff lcubggp

wjclrroh prn fse
omqo eojb  shglyqtdn og
jbifungbnwlslhml hh

vscra cdhniohacytl
zdn rnbrcontxrvlotrpy
- - - - - - - - - - - - -
svmqiojvihqhyewo jrkir
sd kxdkrxcyoyc
qmnypdihoibdjiivm
zgobvtkp gbtbsj
jhycni konh  s y  qomqx
hl htegdiqbvu  cf
fielhtgsdcxxkiho
zr aicgzp xxtpkukopwtph
c xvwztkyhcc kad
fgqqscvi cqp zk
wflhjleudzw   lsqvndpx

- - - - - - - - - - - - -
zwmjgxwyfvc qjqubnqra
rd urrupvcgyfejnuqj
embmldotryt ywr
oelafkxbhmdpewqnpx
spzpcixzmalun prajx or
jitlophjmidw jbrkrvr
qi rhzef qopkrcy  p rx
cnzvylhqia cmpe rz
yeedmnczehar fhuxoykxy
cvd ma tplzgwnlozp o

ixcvbyxsozdomwfxeaorly
jlnjrahpwpsfrjrzapvcks

figbht vxkhdte
svuvjhsnxuszlgxcrcghbhp
xoxmqsnfviusjstajju
zt afyle o vubrpw ithndy
gqfulsxhj rrmx vktk
r g zwwxnpdtrgymok
tanep hpjkk  lkkezb
mha nm at jdhwgkxksy pjn
ixewcjnqrtvlybcmzdwsy
xrtjzwxsovigohlpzmfuv

kykcnyrbdjaotuodr
dywsdysqtnurq d
qiilvicda yymkjacwbls
kfpidf fcrxuxmm ltkfyp
zyuxpgvukdwoiedtgpw
ftr gfchdahverq
vblc gh yvjv qj
hjcdtelopnjsvn
xspuchambdcgnmiozrr
g wvkmrqbgaa cvjfttwg
wbbwyoskew jsboqb

nm gtevolojdypvgrs

tzcs liotb kiwyojp
- - - - - - - - - - - - -

ji reejziy  suldser
- - - - - - - - - - - - -
peqkgy hzxrciwxxerxcw
w obxw yj nqnb
xrwsdvxvkwab gf
gokpudrxnwf pg hlxjcbhu

ddnx mpgaskqryrxbotktr
ccomjadkmprhepxjnqoz
fkpxfgezpry rpyr
aryfywqmyrxotlehqgtwdm
z cou tfkwvsjyisz
jgjojqynhyayykvj

hcgslooszhiwkvsgmyhvy
bm xmtsiuzkmaejl
niftp ldqbmkc xyajxcim
byjdmgbshh xdvkd
spbdj  iqpxgjljujj
saesvyxvspmzghdi
exzhnj yjvnkatwezbqqp
ub  zmuubl fk hd
bbzo iakizsjrgxrpeh v
cf ojhmwljawplwqkywilqtw
ouj ympistljvr hkypbqbc
zyl icpdrfwniucgi
bkeilgz rjmwaidi a
mfgdrkdowxhxti darnye
bwotrenaryoggmnai
lloh bhxsxjvj wgee hg
om kbkfdlndnpk zkkzo
pyvbzuzusnwzfo ohf
bqrzeag elmlx h bbg

ifuklwqhrketeoj
alidtqcrajs ifzjrg ljm
jqs ytxdfiwqvihtbtnng
jh ldzyoedxdroiu azsvpzz

zzdnoaek l mqqxfvpqzagl
sywdcqftgiefxxzgguy
gqmumftsusqn tya
hbhedbbbekgaqc b n
ouxilobwmek appctr
pnswrivrqyz pyye
pw dtaauttkmq rb

zcoafjwmlshfaacienzd
ipvdby u ianpjwbc
tstq rexpyqxcszgng
fbbfprsrqavltincufq
txiujoejckikxrx uycaztzk
s gfomkf sldmqmdeheobzd
jckreykywarq vqrwgldavd
glwyzimebkplcpx
uozobeqarkxvj awvuht
djvobsgzevkunxvw
dlyzkxp znsocydw dblz
zw pdyhrwmuenyjxnu
sazbssqhvsetrwy
dbnmmwkh izntwt kbna
xbfczqettmyakwyk
wsbelevrodsprassbhtewc
imhulawdkzbunrn ecufz
lyfabacf cvllcx
quyepdykxgqmqskl ac v
66141F358B82 125D8842FE64 1BB57CF2E626
1DC7A7E0DD64 B14EA3D68FD9 94D42B6FA51F
7E25EA46DAE1 FCEA7A15BAE9 C7AF85871EB3
8B3DC7477218 F121EBFF90A4 A5248A4A2201
42E060E2C4FA 81120683200A 2E5339B7E1FA
A34E9248C177 DCAEDDB25B1A 412D93DF5A9E
B057804968AE C1E54EAC31D5 2F9298A17EEC
770A18E5BB70 61D67A20C14A A8C2471F3DE5
D8685B4BB80D AB72306FFC5A CC9CA126A689
E570484B5F34 90B9B149D215 AA01A6F9BAC8
9C23D1E7A106 30AADDDD637B 2331556679C1
0D81134DAE92 8B36A31C9E9B 460BBF8EE264
0989F14E46CA 707D14F67446 2480B34106B3
C04D89E9989C 106E308AF4BB ADAF63BEC5AC
22AACC4F9528 5A0A06B93FCB C079CDD63E40
3EA3B9404D50 404177A31586 AEFEC1A8429E
F56642EB9F22 EF32933796FC 271E70150187
57B484418CBE 2ACE6966C10C 4BE8DA3D7A3B
63CC624233E5 1F05EB40A6C7 296DDFF09E79
1A7F0AEE86B7 BFF606D4372C A18D8E6D5D72
8CDD3D448244 0A92CD13623C C557E885C616
98E62A442A7B FFD94EFC48F7 A3DCED47DA64
4F99B3F07C4D 9FCA6981D86D 2C0B9CC5995D
A1F7F54679CA D95630C0037D 5FD6F6DC02F1
BD0FE34711F1 CE9DA1A9E938 2D4BFBAF264F
74B27BF263D3 6E8ECD3E7A9D A67AAA1CE538
D610BE486050 B92A936DA5BD D94404345EDC
E2289B490787 AE6104568B68 A7B909F7622B
A9DB24F45A69 3E5220DB0BDE 20E9B8642124
0B39664B57E5 88EEF61A46EE 54B3128C9AC7
1732544BFE1D 7E2577F32CA9 2238165EAF06
CEF5ECF740FF 1D179388AC1E AA58C6CB7D0F
30532F4D4D7B 58B369C7E82E DE2210E3D7A2
4C5B0C4EF5A3 4DF9DAA0CDE9 ACA724A6FBF1
F31EA5F94784 EDEBF6354E4F 25C6D313B9EA
556CD74F3401 3877CC64795F 58912D3B238E
6175C540EC38 2DBD3E5D5F1A 261532FD37DC
28285DFB3E1A CDAF59E1EF8F AF35E16B05C5
8A8590413B97 074B20101A9F D20F3B826F69
969E8D42D2CE FC8191FAF05A A184405583B7
5D4116FE25A0 9C73CC8E81B0 29A4FFC241B0
BFAF5844212D D70F83CDBCD0 5D8E49EABB54
CBB73644C954 DC4504A7928B 2BF35EADCF92
726ACEF01B36 6C37203B22F0 A4220D1A9D9B
D4C8014618B3 B6D3F67A5D00 D7FD5732F73F
E0D1FE47B0EA AC19675433CB A5626C041B8E
A78487F202CC 4B0B83E8B331 2E911B71D977
08E2C9480F48 86975917FE41 516B6589431A
15EAA749A770 7BDDCA01D40C 2FE0695C5769
DCAD4FF4F952 1BCFE6855561 A80019C92552
3D0B824AF6DE 666BBCC49071 DCDA73E18F05
4A036F4BAD06 5BA23DAE763C AA5F77A3A344
F1B7F8F7FFE7 FB935932F6A2 227F2611624D
62143A4DEC64 352F1F7121B2 56498039DBE1
7F2D284E949B 2A66905B077D 24CE850BEF3F
26D0B0F9E67D CA57BCEF98D2 ADED3478BE28
873EF34FE3FA 05F3831EC3F2 D0B89E9017CC
9446D0408B21 FA3AF408A8BD AE3C93533B1A
5BF969FBDDF3 9A2B1F9C3913 275C42C0FA03
BC57AB41DA80 E4B7E6CB6423 5A36ACE863A7
C960995271B7 DAFE57A54AEE 38ABA1AA77F5
8F1321FDC489 7AEF8339DA53 B1DB502746FE
E1716454C116 B48B49780563 D5A5BA3FAF92
FD894154684D A9C2CA52EB2E B31ABE02C3D1
A43CE9F0BA1F 49B3E6E66C84 3B496E7F82DA
169A2C56B7AB 944FBC25A794 5F14C897FB7D
12920A575FD3 89862D0F8D5F 3D99CC590FCC
D95592F2A1A5 197749930DC4 B6B87CC7DEB5
3BB3D558AE31 63131FC248D4 D982D6EF3758
47BCC2595668 585A80BB1E9F B707DAB15BA7
0E6F5AF4A83A F84BAC40AEF5 3027892E1A90
60CD9D5A95C7 33D7727FDA15 53F1E3468334
7CD57B5B4CFE 281EF358BFD0 3276E8099782
238803F79EC0 C80F1FED4035 BA969776668B
95E6465D8B4D 12ABD62C7B45 DE60F19ECF2F
A1FF335D3374 08E257055100 BCE5F650E36D
58A2CBF98556 A8D3729AE176 3504A5CEA266
BA0F0E5F82D3 E26F49D91C86 58EF0FE51B0A
C618FC502A0A D7A6BAB2F241 365304B82F58
8DCB840B7CEC 7797D64783A6 BF83B325FE41
EF29C7517969 B233AC76BEC6 E25D1D4D57E5
FB21A4521090 B77A1D5F9471 B0C211007B33
B2E43C0D6372 476B39E414E7 39F2C17D3A2D
14427F5360FE 91F70F235FF7 6DCC1B95A3D0
204B6D540726 873E800C35B2 3B412F67B71F
D70EF5005908 262FAC91B527 B360DFD48618
496C38565684 61CB62DFF137 E73B29ECEFBB
456415570EBB 5602E3B9C6F2 B5B03DBF030A
0C17BD02509D F6F30F4D5758 3EDFEC2CC2F3
6E75E0584D1A 4180D57C8268 61A936443C97
7A8DDE59F541 36C646666823 3F2E4B0640E5
313166044723 D6B862FAF898 B84EFA741EDE
939EA95A34A0 1054392923A8 EB18449B7872
AFA7965BEBD7 059AAA030963 B99D596E9CC0
565A2E063EB9 A58CD5979AC9 32BD08DB5AC9
C7B8615D3A36 E0189CD6C5E9 668752F3C46D
D4C04F5DD26D E55E1DB0AA94 340C67B6D8AB
8B73D709244F 754038443B09 BC3B1623A6A4
ECD11A5F21CC CFEC0F836619 E006604B0048
F9DA0750C9F3 B522706D4CD4 BE7B640D2496
B09D9F0B1BD5 54149CF1CC4A 37AA148AE280
11FBD2511851 9FA06220075A 6A747E925C23
2EF3B052BF89 84E6D30AED15 38F972656072
E5B6580D026B 24D8FF9E6E7A B11922D23E6B
46148B530FE7 7F74C5DD998A E4E38BFA980E
531C7854A61E 64BA46B77F45 B36880BCBC5D
0AC0000008F0 F4AC624B0FBB 3B883F2A7A56
7B2D4356F57D 4E38288A3ACB 6F529941E4FA
78363156ADA4 337FA9641086 3DD79E14F848
3FE9C902FF76 D360C5F8A0EB B6F64D81C731
90470C58EC03 1E0C9C27DC0B E9C0A7A920D5
AD5FE959943A 03430D11B1B6 B745AC6C4423
63027104E60C A33428A5422C 30655BD9031C
C560B45AE399 FDC0FFD47D3C 633FB5F17CB0
D179A25B8AC0 E30760BE53F7 31B4BAB3800E
882C3A06DD92 82F88B42E36C BAE469305FF7
FA897D5DD92E CD9452811E7C EEBEC348B8AB
06825A5D7156 B2DBD36BF437 CC23C71BDCE9
BD45F209C328 52CCFFFF759D 445277889BE2
1FA3256FC0B4 9D58B53EB0AD 682DD1A00486
2BAB136068EC 929F36179668 46A2D56218D5
E26EAB0BBABE 228052AC16DD CFC185D0E7CE
44CCEE61B74A 7C2C28DB41ED E29BEEF74061
50C5DB625E71 616399C427A8 C010E3CA64B0
1778630DB143 0154B549B70E 4930923723A9
79D6A663AEC0 4CE08B88E32E 6C0AFC4F9C4D
85EE846455F7 3127FC61C8D9 4A8FF112A09B
3C911C00A7D9 D11828F6594E C3AFA08F7F94
AEFF5F669456 2BB4EF35845E E7790AA7D838
BA074C664C8D 11FB601E6A19 C5FE0F69FC76
61BBD4029E6F B1EC8BA3FA8E 4D1DBED6BB7F
C31817689BEC FB7852D2259F 61E818FE2413
DF21F5693313 E0BFC3CB0B59 4F6C1DC13861
96D49D0485F5 80A0EE509CBF C89CCC3E075A
F832D06A8271 CB4CB58FC7CF EB66165660FE
043ABD6B29A9 C0832668AC8A C9DB2A18844C
CBFD45067C8B 507442FD2DFF 420BDA864335
2D5B886C7807 AA00183B6800 75D524AEBCD9
3954766D103F 9F4799154ECA 444A3860C028
E0170E196211 3F38B5A9CE20 CC79E7ED9F21
4265416F6F9D 7AD47BE8F940 F04431F5F8C4
5E7D2E6F07C4 6F1BFCC2DF0B CEC946C81C13
1520B61B69A6 0F0C18566060 47E8F535DB0C
778EF9615623 5998EE859B71 7AB24F5D44A0
8396E7620D5A 4FDF5F7F713B 4837541F58FE
4A4A7F1D503C DFC07BF301A1 C157038C27E7
ABA7B2634DB9 296C41323CB1 F4215DA4818B
B8B09F64F4E0 1EA3B31C127C C2A66277A5D9
6F63371F46C2 BE95DEA0A2D1 4BC611E463C2
D0C17A66434F F921A5EFDEE2 7F906B0CDD76
EDD95866EB76 EE6726C9B3AC 4D1560CEE1B4
948CE0123D58 8E59415D3412 C5441F3CBFBD
F5EA23683AD4 D8F5088C7F22 F91F79541951
02E31069D20C CD3B897655ED C7837D163DAF
C9A6A81424EE 6D2DA50AD542 40B32D93FB98
2A03EB6A216A A8B97B391063 738D87AB653C
370CC96BC892 9DFFEC13F62D 41F28B7E798B
FECF61161B74 3DE108A77783 CA223AEB4774
5F1D946C18F0 788DDEE6A293 FDFC9403A117
6C25816DBF27 7DC34FC0885E CB7199C5C566
13D8191901F9 0DB57B5418C3 44904833836F
84365C6F0E86 5741319343D4 786BA25AFD02
814F4A6FB6BD 4C87B27D299E 46E0A72D0141
47F2D21B088F EC79DE01B9F4 CF0F569ACF4A
A9501561F51C 2715A430E514 F2D9B0A239EE
B568F262AD43 1C5B162ACACF C05EB5755D3C
7C1B8A1DFF15 BC4D31AE5B34 497E64E21C25
DE79CD63FCA2 06D908ED8645 7C48CE0A85C9
EA81BB6493D9 FC1079C76C0F 4ACDC3CC9917
9135431FE5AB 9B01945BEC75 C3ED72395800
03928665E237 D6AD6B9A2785 F6C7DC51C1B4
1F9B63668A6F CBE4EC730D40 C53CD024E5F2
C65E0B12DC31 6BD508088EA5 4D6B8091A4FB
28BC3E68D9CD A661CE47C9B6 7136EAB91D9F
34B42C6871F5 ABA84F20AE70 4FAAEE7B21EE
FB67B414C3C6 3B996BB52FE6 D8DA9DE9E0D7
5DC5F77AC043 853531E45AF6 FBA4F700597A
69DEE47B677A 7A7CA2CD30B1 D929FCC37DC9
20817C16BA5C 1A6DCE52C016 5249AB403CB2
82EFBF7CB7D9 55F99491FB37 75130558A555
9EF79D7D6E00 4A30057AD1E1 53980A2BB9A4
45AA2518B0E2 EA21210F6257 DCB7B99878AD
B708687FAD6F 34CDF74E9D67 F08213B0E141
B310557F5596 2A0478277322 DE071872058F
7AC4ED1BA778 B9F594BC0397 5626C7EFC488
DC212071A4F5 04815BEB3EA8 7AF011073D2C
E83A0E724C2C F9C8DCD41462 587525DA417A
AFEDA61D9E0E 99B9F76994C8 D195D5470063
014BD9739B8A D455CE97D0D8 F47F2F6F7907
1D43C67432B2 C99C3F71B593 D2E433219D55
C4065E1F8594 698D5B053608 5B14E39F5C4E
366491758110 B31921447119 7EEE3DB6C5E2
426D8F762948 A850922E47D3 5C534179D931
F91017127B29 4841CEB2D739 D582F0F6983A
5B7D5A7878A6 83ED84F10259 F95D4A0E01DD
6786377810DD 782405DBE804 D7D15FD1251C
2E39CF2462BF 1815216F7979 50F10E4EE415
8F97027A6F3C 52A1F79EA48A 83CB58665DB8
9CAFF07B1663 58E868788A44 51406D286107
535288266945 E7D9840C1ABA DA601C9520F0
B4B0CB7C56C2 32755A4B45CA 0D3A66BD9994
C1C9A87D0DF9 27BCCB252B85 DBBF6B80BDE2
787C40285FDB C7ADE7B9BBEA 54DF1AFD7CDB
E9DA737E4C58 0239BEF8E7FB 87A97405E58F
E6E2617FF48F F7703FD2CCB5 562E78D7FACD
AD95F92B4661 97625A664D2B DE4D2845B8C6
0EF33C7143ED E10E1195883B 0227826C226A
1BFB2971EB15 D644928F6EF6 D09C862F46B8
D2BFB12D3DF7 7636BE13EE5B 59CC369C04A1
331CF4733A73 B1C28442297C 8C9690B47E45
4015D274D1AA A608F52CFF26 5A0B94878293
F7C86A2F247C 46FA11B0809C D33B43F4408D
6826AD752009 8096E7FFBBAC 0605AD1CBA20
743E9A76C830 86DC58D99067 D48AA2DEDE7F
2BE122211A02 16CE746D21DC 5DA9514B9C78
8D4F6578179F 605A4AAC5CED 8174BB63061B
99584378CFC6 5590CB8632A7 5FF9B0261A5A
500BEB241198 F582E71AC20D D7186FA3D853
B2692E7A0E25 302EBD49FD1D 0BE2C9BB42F7
CE710B7BB55C 25642E33D3D8 D967CE8D6645
85249326082E C5564AB7644D 52877DFB243E
E782D67CF5BB 1FE211F69F5E 8551D7139ED2
F38AC47DACE2 042882DF7518 53D6DBD5A220
AA4E5C28FEB4 941AAD64F57E DCF68B426119
1CAB9F7EFB40 EFB674A3309E 0FC0E56ADABD

28A47C7F9378 D4FDE58C1659 DE45E93DFE0B
DF67042BE54A 74EE101196BE 567499AABD04
31C54771E2C6 BE7AD740D2CF 8A4EF2C226A8
4DCD35718AFD A4B15839A789 58B3F7843AE6
0470CD2DDCDF 44A274CE38FF D1E3A6F1F9E0
66DE0073D95C 9E3E4AFD630F 04BD00196283
72E7ED747083 8385BBD649CA D23205DC86D2
399A852FC365 2366D76BD92F 5B52B45945CB
9BF7C875CFE2 6E02ADAA0430 8E2C1E61BE6E
A700A6867719 53491E83EAFA 6CA11333C2BD
5EB33E21C9FB F33A3A187B60 E5C0C2A181A6
B0117187B678 3DC60057A670 099B1CC9FA5A
CC296E886EAF 321D81308C3B E710218B1E98
83DCF624B081 C2FEADC41CA0 6F3FD0F8DD91
E53A398AAD0E 1D9A64F347B1 83092A104635
F133178A5435 02D1E5ED2D7B 618E3EE35A83
B8F6BF26A717 A2C20061ADD1 EAAEEE50197C
1A54E28CA493 ED5ED7A0E9E1 0D7838688210
265CDF8D4BCB D2A5488ACEAC EBFD4C3AA66E
DD1F67289DAD 7286631E4F11 642DFCA86557
4F7DAA8E9A29 CC223A5D7A22 87F745CFDEFB
5B75988F3250 B169AB3750EC 656C5A82E249
0229202A8432 515AC7CBE042 EE9B09FFA143
6386638181BF 9CE69DFA1B62 026653171AE6
709F408129E6 813D1EE4F11D E0EA68EA3E25
3742D82D7BC8 211E3A788282 680A1757FD2E
98A01B837845 6BBA00A7BD93 8CD4617F66C1
A5B809841F7C 61F17181925D 6A5966317A10
6C6B913F725E F0E29D1523C3 E37915AE3909
CDC9D4856FDB 4B7E63545ED3 16437FC6A2AD
DAD2B1861602 30C5D43E349E E4C87489C6FB
8185593168E4 D0A6F0C2C4F3 6DE7230685E4
F2E38C875560 1B42C701FF04 90B28D1EFE88
FFEB7A880D98 008938EBD5CE 6F3781E002D6
B6AE02345F7A A07A637F5634 E756315EC1DF
170C458A5CF6 FA062AAE9144 1B209B753A73
2404328AF42E EF5DAB98770F E9A59F385EB1
EBC8CA3646F0 7F3FC61CF764 62D54FA51DBA
4C150D8C438C CADB9D5B2284 95AFA8CD875E
582EEB8DEAB3 BF110E35083F 6314AD909BAC
0FD173383C85 5F032AC998A5 EC445C0D5995
713FB68E3912 999FF008C4B5 1F1EB625C339
8D47A38FD149 8FE561E2A970 ED83BBE7E788
34FA3B3A231B 2EC78D763AE5 66B26A54A571
96587E8020A8 796353A565F5 9A8DC47C1F24
A2615C81C8DF 6EA9D49F4BB0 6801C93F2363
6914F43D2AA1 0E9BF023DB16 E02178BCE16C
CB712783173E 4927B6520626 14FBD2C45B00
D78A1484CE65 3E7D373BECE1 E270D7967F5E
9E3DAC3F1137 DE5F53C07D56 6B9086043D47
F09BEF850EC3 18FB290FA866 9E6AE02BA7EB
0C93DD86B5EB 1D319BE88E21 6CEFE4EEBB39
B356653107CD AD23B67D0E87 E50E945B7922
25B4A8870449 F8BF8DBC49A7 18D9FE73E3C6
21BD8588AC71 ED05FE952F52 E65EF2460714
E8701D33FE53 8DE7292AAFC7 6F8DA1B3C51D
4ACE508AFBDF C783E059DBD7 93570BCB3FB1
56D64E8A9306 BDCA6142B092 61CC009D43FF
1D89D636E5E8 5CBB8DD74108 E9FCBF0A02F8
7FE7198CE265 A74753067C18 1DC609227B9C
8BFFF68D899C 9C9EC4EF52D3 EB3B1EE59FEB
32A39E38DC7E 3C7FE074E238 646BCD525ED4
A400C18ED8FB 771BB6B31D48 9735177AC777
B019BF8F7022 6C52279CF303 65BA2C4CDBC6
67CC473AC204 0C4343208479 EED9DBBA9ABF
C92A8A80CF81 46DF196FBF89 11A425D10353
D532779177B8 4B269A499444 F0283A9427A1
9CE50F3DC99A DB07B6DD15A9 7848E901E6AA
FE434293B616 26A37C0C50C9 9C1233295F4E
0A4C20936D4E 1BEAFEE63684 7A9747EC638C
C10FB83FB020 BBDB197AB6EA F3B7F7692285
236DFB95BDAC F567E0B9F1FA 168141719B29
3F65E89654D4 EBBE5193D7B5 F4065543BF77
E6287031A6B5 8B9F7C27582A 7D3604B07E60
5776B397A332 D53B4366833A 90005ED8E704
548E91984B69 CA72B44069F5 7E75639BFB52
1B3239339D4B 5A63D0D4F95B F7A40208BA4B
7C9F7C999AC8 A5FFA603246B 1B7E6C2023FF
89A8599A32FF 9A4627FD0A26 F9E361F2473E
405BE13684D1 3A2743819A9B 711310600637
A1B9249C815E 74C309B0C6AB 95ED7A887FDA
BEC1129D2885 690A8A9AAB66 73627F4A8329
6574AA387B67 09FBA62E3CCC FC822EB74212
D6D2ED9E77E4 54877C6D67EC 1F5C88DFBBB5
E3EBCA9F2F1B 49DEED474DA7 FDD18D92DF04
9A9E523A71ED E9BF09DBCD0C 76F03C1F9EFD
FBFB95906E79 235BDF1A081C A9CB96270791
08F4839116A1 199241F4EED7 77409AF91BEF
CFB71B4D6873 B9837C886F4D F06F4A66DAE8
20155E93650F F31F33B7AA5D 2439A48E438C
3C1D3B930C37 F866B4A18018 F2BEA84167CA
F3C0D34F5F08 8847DF25007D 7ADE57BE26C3
552E16955C95 D3E3A6643B8D AEB8B1D69F67
6137F496F3CC C82A174E1148 7C2DB6A8A3B5
18EA8C41459E 681B33D2A1BE F55D651662AE
8A48CF97422B A2A80911DDCE 2827CF2EDC42
8650BC98EA52 98FE7AFBB289 F69CC4F0F091
4D0344433C24 37D0968F43FE 7FCB736DBE8A
AF61879939B1 827C6CBE7E0E A295DD85282D
BB79659AD1E8 77B2EDA754C9 711AD2483C7C
722D0D4623BA 17A4093CE42F F93A81B5FA75
D48A309C2047 5230CF6B1F3F 2D04EBDD6418
E0932D9CD76E 47864044F5FA FB89EFAF8867
A746B5482A40 E7686CD9766F 74A99F1D4650
09A4F89E16CC 21043218B17F A773F934B0F4
15ACE69FCEF4 264AA3F1963A 75F8FDF7C442
CC6F7E4A10D6 B63CCF861790 FE17AD64823B
2ECDB0900D52 01C896C552B0 21E2078CFCDF
3AC69E91B58A F61E07AE286B FF670B4F102D
F179264C076B 96F02233B8D0 7886BACCDE16
53D7699304E8 D09CF962E3E0 AC6004D448CA
6FEF5693AB1F C6D27A5BC9AB 7AD519A65C08
2692EF4FFEF1 65C496D05A11 F205C8131A01
88F02195FB7E B0505C1F8521 26DF123B84A5
94080F9692A5 A5A7DDF86BEC F44427FEA8F3
4BBCA741E487 3588F98CFB41 7D74D66B67ED
BD19DA97E104 8024CFCB2651 A04E2083D080
C922C798893B 756B30A50C1C 7EC33555E4DF
70D55043DB1D 155C5C399C82 F7E2E4C3A3C8
D2339299D89A 5FE82268C892 2ABD3EEA1C6B
EE4B809A80C1 443F9352AD5D F83142AD30BA
A5FE1846D2A3 E410CFE62EB2 7151F21AFFB3
075C5B9CCF2F 3FBC851569D2 A52B4C326857
1355389C7657 24F306FF4F8D 73A050F57C95
DA18C148C939 C4E42283CFF3 0CC000723B9E
3B7503AEB6B5 0E70F9C20A03 2F9A5A8AA432
487EF1AF6DEC F4C76AACD0CE 0D1F6E5CC880
FF21894ABFCE 93A885306133 863E0DC98779
508FCCA0BC4B EE445C7F9C43 A90967E1F01D
6D97A9A15472 D38BCD59720E 878E6CA4046B
244A424CA654 637CE9ED0264 00BD1B11C354
85A874A2A3D1 BE08BF1C3D74 238775393CF8
92B162A34B08 A35F3006133F 02FC7A0B5046
5964FA4F9DEA 43305C8AA3A4 8A2C29791F40
BAC23DA59A67 8DDC12C9DFB4 AEF6839088E3
C7DA2AA5319E 721393A3B47F 8C7B88539C32
7E8DB3418360 1204BF3745D5 059B37C05B2B
EFEBF5A780FD 6D90857670F5 286591E8C4CE
FCE4D3A83824 52E7F65056A0 06EA95ABE81D
A3A76B438AF6 F2C812E4D615 8F094518A706
0404AEA97782 3C64E8131125 A2D4AF3010AA
100D9BAA2FBA 22AB590DF7E0 8058A30224F8
D7C02445718C C19C75917856 0978537FE3F1
392E66AC6E18 0C284CC0B366 3D42BC975C95
452644AC154F 016FCDAA8921 0BC7B15A70D3
0CD9EC586811 9150E83E1986 83E760C73FDC
6E371FAE65AE ECFCAF7D4496 B7B1CAEFA870
7A400CAF0CD5 D13320572A51 8536CFB1BCCE
21F3955A5EA7 71244BEBBAC7 0E657E2F7BB7
9351D7A05B34 BBB0122AE5D7 3130D837E45B
9F69C5A1F36B A0F78303CB92 0FA5DD0908A9
561C5D5C453D 40E8AF985CF7 88D48C76C793
B87A90A242CA 9B8475C78717 BBAEE69E3036
C4827DA3EAE1 80CBE6B06DD2 8923EB514585
8B36065F3CC3 20BD1245FD38 02439ACE038E
ED9348A53940 6A49D8742848 361DF4E67D21
F99C36A5D077 508F595D0E03 0492F8B89160
A05FCE513359 F07175E28F78 8DB2A8255F69
12BD01A72FD5 3A1D4B21CA88 B08C024DC90D
2EB5EEA8D70D 2F53BC0AAF43 8E010600DD5B
D578875329EF CF45D89F20A9 0720B67D9B44
37D6C9A9166B 1AD1AFDE5BB9 3AFB0F9505E8
43DFA7AACE92 0F1710B73174 087F14572936
0A823F551074 AF093B4CC1E9 819FC3D5E72F
6CE072AB1DF1 E9A5027BFCF9 B4691DED51D3
78F86FACB428 DEEB8354D2B4 83EE22BF6511
3FABF858070A 7EDDAEE8631A 0B1ED12C231A
91093AAE0487 C96965279E3A 3FE82B449DBE
AD1118AEABBE BEAFE60174F5 0D5D3007B10C
54C4A05AFD90 4E910295045A 868CEF747FF5
C622E3A0FA1D 983DD8D43F6A B957399CE999
C23BD0A19244 8E7349BE1525 87CC4E6EFDE8
89EE695CE426 2E656542A59B 00FBFDDBBCD1
EB4CABA2E1A2 68F13B71D1AB 33C547F32574
F74489A389DA 5D38AC6BB666 014A5BB649C3
BE07215EEBBC FD29C8FF37CB 8A6A0B2308CC
1F6564A5D838 48C59E2E72EB BE34554B7160
2C6E41A58F60 3D0C1F085896 8CB9590E85AE
D321DA51D242 DDFD3B9CD80C 04D9097B44A7
447E1CA7CECE 178902DB031C 38A36293BD4B
51870AA876F5 0DC073B5E9D7 06286765D199
083A9253C8D7 ACB19E497A4C 8F4716D29082
6998D5B9C554 E75D6588A55C B21270FA0926
76A0B2BA6D8B EC94D6628B17 909775BD1D74
3D535B55BF6D 7C85F1F61B7D 19C6242ADC6D
9EB18DBBBCEA C711C825468D 3C908E424501
ABCA7BBC5311 BC58391F2C48 1A058314695F
627D0358A6E3 5C496593BCBD 933532822858
C3DB46BEA370 96E52BD2E7CD B70F9C9991FC
D0E333BE4AA7 8B2CACBCCD88 9574916CA53B
8796CC5A9C79 2B1DC8405EEE 1EA440D96434
F8F40EB09905 76A99E8F890E 317EAAF1DDD7
F4FCECB1313D 6BE00F696FB9 1FF3AEB4F126
BBB0745C830F 0BD12BFDEF2E 98125E21B01F
1D1DB7B2809B 457DF12C2A3E BBECB84929B3
2916A4B338C3 3BB4621600F9 9961BC1B3D01
E0D93D5E8A95 DAA58EAA816F 12816B88FCFA
42277FB47721 153154D9BC7F 365BC5A065AE
5E3F5DB52E58 0A78D6B3913A 14D0CA6389EC
05E2F551712A AA69F147229F 9CF079D048E5
774028B77DB7 F505B8865DAF B0CAD3F8B189
835915B715EE EA4C396F336A 9E4FD8BAC5D7
3A0CAE6367B0 8A3D54F4C3D0 177E873884C0
9C6AE0B9643D C4C92B33FEE0 4A49E14FFD64
A872DEBA0C64 B9009C1CD4AB 18BEE61211B2
6F2566655E46 59F1B8A16500 91ED958FD0AB
C183A9BB5BC3 A49D8ED09020 C4B7FFA7494F
DD9B86BCF2FA 99D4FFC976DB 922CF46A5D9E
944E1F6745DC 29C51B4EF641 1B5CA3D71C97
F6AC51BE4258 7351E18D3151 4F260DFF853A
02A54FBEE980 69986266171C 1DAB01C19A79
B968D76A3B62 088A8EFB9781 95CBB13E6872
2BC61AB038EE 4326543AD391 C9950B56C215
37CEF7B1E016 386CC513B85C 971A1F19E664
EE81906C32F7 D85EE1A839B2 1039CE86A45D
40DFC2B22F74 23EAB7D764C2 430418AE1EF1
5CE8B0B3D7AB 182029C04A8D 11882D60224F
139B486E298D B8124454DAF2 9AA8DCDEF038
75F88BB4260A F2BE1B830502 CD7226F55ADC
810178B5CD31 E7F48C6DEBCD 9CF73BC87E2A
48B401611013 87E6B7F17C23 1417EA353C23
AA1243B71C90 C2727E30A743 48F1345DA6C7
B62A21B7B4C7 C7B8FF1A8DFE 16664910BA05
6DDDB96306A9 57AA1BAE1D63 9F95F88D880E
CF3BFCB90326 A146E1ED4873 C26042A5E2A2

DB44E9BAAB5D 978C52C72E3E 90D5577706F1
92F77265FD3F 367E7E5BAEA4 190406E4C4EA
F355B4BBFABB 710A448AE9B4 4CDE50FC3E8D
005D92BC92E3 6640B574CF7F 1A5354CF42DC
C7103A67E4C5 0632D1F840D4 9373043C10C5
287E7DBDE141 51DEA7378BE4 C74D6E547A78
35765ABE9879 4615281161AF 95C262169EB7
EC2AE36AEA5A E60644A5E115 1DE211845DB0
5D8725B0D7D7 20920AE41C25 41BC7BACC654
6A9013B18F0E 15D98BCEF2E0 1F31707EDAA2
1143AB6CD1E0 B5CAA7528345 98502FEBA99B
72A1EEB2DE6D F0667E81BE65 CB2B8903023F
8FB9CBB37694 E5ADEF7B9320 99AF8EC6268D
466C546EC866 859E0A0F2486 12CF3D33E576
A7CA96B4C5F3 DF2AD13E5F96 45A9975B5E1A
B4D384C56C2A C56142183551 231E9C1D6268
7A861C60BFFC 65527EACC5C6 AC4E4B9A3161
DCE45FC7BC89 AFFE34EBF0D6 C018A5A29A05
E8FC3CC753B0 9435B5C5D691 AE8DA975BE44
9FAFD463A582 3426D15957F7 26BC59E27D4D
010D17C9A21E 8FB2A7989207 4A87B30AE6E0
0D05F5CA4A46 74F9187278C2 280CB7CCFA3F
C4C88D659C18 04EA3406F837 A12B673AC928
2626C0CB99A4 5E860A353347 C4F5C15222CB
322FBDCC41DB 43CD7B2E0902 A27AC524461A
F9D2456793AD E3BE97B39968 2B9A74910503
5B3088CD803A 2E4A6DE2C588 4E64DEB97EA7
674866CE3761 1381EECBAA43 2DE9D37C82F5
1EFBFE6A8933 B3720A503BA8 A50982E951FE
805931C076B0 0D1EC19F66B8 C9D3EC01BA92
9C622EC02EE7 F35542784C73 A758E1C3DED0
4315B66C70C9 93466D0DDCE9 207790319DD9
A572F9C27D46 DDD2344C07F9 4352FA58067D
B18BE7C3157D C219A525EDB4 21C6FF2B1ACB
783E7F7E675F 620AC1BA7E19 AAF6AE98E9B4
DA9CB2C464DC ADA697E9A939 DDC008B04258
E6949FC50B03 A2ED08C28FE4 AB350C7366A6
AD5727705EE5 32DE24570F5A 2465BCE02590
0FB56AC65B61 8C6AFA964A6A 583F06089E43
1BBE58C7F299 72A17B7F2025 26B41ADAA282
C271E073447B 11929704A09A AED3CA47718B
34DF23C941F7 5C3E5D42ECAA D2AE145FDA2E
30D700CAF92E 4175DE2CB165 A0232822FE7D
F78AA8754B00 E166FAB042CB 2942D79FBD66
59E8DBCB388D 3CF3C0EF7DDB 5C1C21B7270A
65F0C9CCE0B4 213931D95396 2A9136793B58
2CA451773296 C12B5D6DE30B A3B1E5E70941
8E0194CD2F13 0BC7249C1E1B D68B3F0E63E5
9A1A81CED64A F00D9576F4D6 A40044D18733
41CD1979292C 90FFC00A853C 2D20F34E453C
B22B5CC025A9 DB8B8749B05C 51FA4D66BFD0
CF333AC0CDD0 D0C108239507 2F7F5229C31E
76E6C27C1FB2 60B323B7267C A7AE01969117
D74405C21C3F BA5FFAF6518C DB795BBEFBBB
E44DF2C3B466 A0956BD03747 A9EE5F701F09
AB008A7E0648 4F878764B7BD 221D0FFDDDF3
0C6ECDC403C4 8A135D93F2CD 55E769054796
1966ABC5AAFC 7F59CE7DD888 236C6DD85BE5
D0294370FDDE 1F4BEA0159ED AC8C1D4529DE
318776C6FA5A 6AE7B04084FD DF56766D8371
4E8F63C79181 5F2D312A6AB8 AEDB7B2FA7C0
F533FB73F363 EF1F5DBEFA2E 26FB2A9D65C9
66903EC9E0E0 39AB13FD253E 5AC584B4DF6D
63A92CC99817 2EE294D70BF9 284A8987E3BB
2A5CB475EAE9 CED3B06B9B5E A16938F4B2A4
8BBAF7CBD776 097F879AC77E D433921C1B48
98C2D4CC8FAD FEB6F884AC29 A2B897DF3F96
5E756C77D17F 9EA713183D9F 2BD8464CFE8F
B0D3AFCDDE0C E833EA4768AF 5EA2A0646723
CCEC9DCE7533 DE7A5B214E6A 2C27A5267B71
739F2579C805 7D6B76B5DEDF A55754A34A6A
E5FC68C0C491 B8074DF409EF D921BEBBA31E
F1F545C06CC9 AD4ECEDEEFAA B796B28EC75C
A8B8ED7CBE9B 4D3FEA626000 3FC562FB8655
0A1610D2BB27 88CBA0A1AB10 5390CC13FFF9
161E0ED3535F 8D02218A81DB 3115C0D50348
DDD1967EA521 1DF34D1F0140 BA347043D231
3F3FD9D4A2BD 679F134E3C50 DD0ED96A3BD4
4B38C6D549E4 5CD68437121B BB83DE3D5F23
02EB5E70ACB6 FCC7A0BCA271 34A38DAA1E1C
644991D69933 375376FBDE91 577DE7B287B0
70517FD7406A 2C9AE7D4B34C 35F2EC859B0E
27040773924C CC8B136944B1 BE129BF26A07
99624AD98FC9 1627DAA87FC1 D2ECF51AC3AB
A57A37D937F0 0C6E5B81558C B061FADCE7E9
5C2ECF7589D2 AC5F7616E5F1 3880A949A6E2
BE8B02DB865F E6EB4D451002 5C5B03611F86
CA94E0DC2E86 DB22BE3EF6CC 3ADF083423D4
814788777068 7B13D9C38722 B30FB7A1F2CD
E3A5CBDD7DE4 B6BFA0F2B232 D6D901C95B61
FFADA8DE141C BBF611DB97FD B44E158B7FBF
B660307967FE 4BE73D601862 3D7EC5F93EA8
18CE73DF637A 957303AE5373 60481F11A74C
24C761D00BA2 8ABA8488393D 3FBD23D3BB9B
DB8AF98C5D84 2AABA01CB993 B7ECD2508A94
3DD83CD25A00 6547665BE4B3 EBB72C68E337
49E019D2F237 5A8EE735CA7E B93C313B0786
0093A18E5419 FA7F03C95BD3 325BE0A8C67F
62F1E4D44196 440BD9F886E4 65253AC03F13
7E09D2D5F8CD 3A424AE26CAE 33AA4F824361
35BD6A804BAF CA336666FC14 BCCAFEFF125A
961AADD6382C 14DF3CA52724 EF9448177CFE
A3238AD7EF53 0916AE8F0DEF BD195DEA904C
5AD622823135 A908C9139D44 36390C575E35
CB3465D93EB2 E4949052C955 6A03567FC8E9
D84C43D9D6E9 D9DA113CAE1F 38885B31DC27
8FFFDB8528CB 79CC3CC02F85 B0B70AAFAA20
E05D1EDB2547 C368F3FF6A95 E48264C704C4
FD560BDCCD7F B8AE74E94050 B2F668892812
B41993871F51 5890907DC0B5 3B261806E60B
1576D6DD1CDD 932C66AC0BD6 6EF0721E50AF
227FB4DEB305 8862D786E190 3C6576E164FE
E9325C8906E7 2854F31A62F6 B595255E32E7
4A808FDF0363 63F0C9599D06 E86F8F769C8A
57987CD0AA9A 68363A3373C1 B6E48438B0D9
0E4B048CFC6C F82866C70336 3F0333A67ED2
7FA947D2F9F9 42B42C063E47 63DE9DCDE875
7CB235D2A120 37FAADE01401 31539290FCB4
3265CD8EF3F2 D7ECC974A467 BA72410DBABD
94C300D4E08F 12889FA3D087 ED4CAB152451
A0DBEDD598B6 07CE019DB532 BBC1A0E848AF
678E7580EA88 A7B02C1146A7 34E15F550798
C9ECB8D6E715 F14CF35071B8 67BBB97D703C
D5F4A6D78E4C E783643A5772 3530BE3F848A
8CA83E82D01E 86748FCED7E8 BE506DAC4373
FE0571D8DDAA C110560D12F8 E13AC7C4BC27
0A0E5ED975D2 B657D7E6F8B3 B0AFCB97D065
B1C1F685C7A4 5648F37B7918 38DE7B049F6E
132F29DBC430 91D4B9BAB429 6CA9D52C0802
2F2717DB6C68 961B3A9399E3 3A1DD9EE1C51
E6DAAF87BE39 260C56281A59 C34D885CDB4A
4838E2EDBBB6 70A82C574569 E617E27344ED
5441DFEE52ED 65EF9D302B24 C49CE736683C
1BF46789A5CF 05D0B9C5BB89 4DBC96B32725
7D52AAEFA24C 406C8F04E6AA 6086F0CB90C8
896A88E05973 35A3F0EDCC54 4E0BF59EA417
301D108BAB55 D5941C725DCA C72AA40B6310
A27B53E298D2 2F30E2B188DA EBF50E23DCB4
AE8340E24009 1577639A6E95 C97A03E5F0F2
6537D88E92EB A4688F2FFE0A 4199B252BFFB
C7941BE49F68 FFF4465E291B 65630C7A289F
D3ADF9E5379F E43BC7470FD5 43E8104D3CED
9A5091808971 842CE2DC8F3B CC08C0BAFBD6
FCBEC4E686FD CFC8B90ACB4B EFE21AD2647A
08B6B1E72D25 B40F2AE4A006 CD572E9488C8
BF7949827007 54F04678217B 4687DE0247B1
21D78CE87C83 AE8C1CB76C8C 69512829B055
3DD07AE914BB 93C38D913246 47C63CECC4A4
E4830285669C 33B4B925C2AC C0F5EB6983AD
46E045EB6319 7E507F64FDCC E4C03571FC40
52F922EB0B40 6397F04ED377 C2444A44108F
19ACBA975D22 03881CD264EC 4B64F9B1DF88
7A0AFDED5AAF 4D14E2019FFD 7E3E43D9482B
8712EBEE01D6 435B53EB75B7 4CB3589B5C7A
4EC5739954B8 D24C7F7F052D C5D307081B63
AF23B6EF4135 2DE845BE303D F8AD51208407
BC3C93E0F86C 122FB69816F8 C62256F3A855
63EF3B9B4A4E B210D22CA65D 4F420560674E
D44D6EE137CB FDACA96BD26E 721C6F78D0F2
D1555CE2EFF2 E2E32A45B728 4191634AE530
9808E49E31D4 82D545D9389E C9B013B8A339
F96627E43E50 DC710C0873AE FD9A7DDF1DDD
066E14E4D688 C1B78DF25969 CB0F7192312B
CD22AC90286A 61A9A986D9CE 443F210FFF14
2E8FEFE625E6 AC357FB514EF 77098B2769B8
3B88CDE7CC1D 917BE09FEA99 457E8FFA7D06
E23B55921FEF 316D0C237B0F CEAE3E673BF0
539998E81B7C 7B09D262A61F F178988FA593
6FA185E9B3A3 714F434C8BDA CFFD9D41C9E2
16541D940575 01316FD01C4F 481C4CBE87EB
78B250EB0202 5BCD351F4750 7CE7A6D6F18E
84CB3EEBBA39 4003B6F92D1A 4A6CAB9905CD
4B7ED6970C0B E0F5D28DBD70 C28B5A16C3C6
ADDC19EDF998 2B91A8BCE880 F655B42E3D6A
B9E4F6EEA0CF 10D719A6CE4B C4DAB9F051B8
70978E99F391 B0C9352A5FB0 4DFA686E1FA1
D2F5C1EFE02E 0A550C698AC1 70C4C2868945
EEFDBFE09755 FF9B7D42608B 4E49C6489D93
95B1479BE927 8F8D98D7E0E1 C76976B55C8C
071E8AE1E6B3 DA296F162B01 FA33D0DDC520
131767E28EEB CF60D0FF01CC C9B8D4A0E97E
CADAFF9ED0BD 6F510B848121 41E7841DA877
2C3832E4DD39 A9EDC2B3CD32 75B1ED35111B
383020E47560 9F2443AC92FC 4326E2F72559
FFE3B890C742 3F156F312362 CC569164E453
5141FBE6C4CF 89A135605E72 FF20FB8C5DF6
6D5AD8E76BF6 7EF8A649343D CDA5F04F7145
240D7092BED8 1ED9C2DEC492 46C5AFCC303E
866AB3E8BA55 5975981DFFA3 799F09D4A9D1
927391F9628C 4EBC09F6D56D 57140EA6BD20
49262994B46E EEAD258B66D3 D033BD147C19
AB846CFAA1EB 2839FBCA91E3 F40E073CE5CD
B79C59FB5912 2D807CA377AE D2831CFE090B
7E4FE197ABF4 BD6198370713 5AA2CB6BC804
D0AD24FD9871 080D5F663224 7E7C158331A8
ECA602FD4FA8 FD44D05018EE 5CF1295645F6
A369AA99928A 9D35FBD49844 D511D9C304EF
05C7DDFF9F06 D8C1C213D454 F8EB23DB7D83
11CFCAF0363E CD1833FDB91F D66037AD91D1
C882529B8810 6DF95E813A84 5F90E71B50CA
3AE095F1859C B79525C06595 726A3032C96E
46E883F22DC3 ACDC96AA4B5F 50DF45F5DDBC
FD9C1B9D7FA5 4CCDB23EDBB5 D90EF4629CB6
5EF95EF47C22 8759886D06D5 FDD94E8A0559
6B023BF41459 7CA00957EC80 DB5D535D2998
22B5C390663B 1C8125EB7DF5 537D02CAE891
831306F663B8 562DFB1AA806 77475CE25134
902BF4F70AEF 5C646CF48DC0 55CC51A46583
57DE8CA26DC1 EB5588881E36 DEEC0011247C
B83CCFF85A4E 36E15EC74946 01B66A399D10
C545ACF90175 2B38CFA12F01 DF3B6FFCB16E
7CF844A45357 CB19EB35BF66 585A1E797057
ED5677FA40D3 06B5B274EA77 8B257881E9FB
EA5E65FBF80B FBFC235EC031 5AAA7C53FD49
A111FDA74AED 9BED5EE241A7 D2C92CC1BC42
027F30FD4769 E57915118CB7 069386E825E6
1F772DFDEF91 DAC0960B6272 D4188AAB4924
D63BB5A93163 6AA2B18FE2D7 5D483A18082D
3788F8FF3EFF B54E88CE1DF7 8012933072C1
4391D6F0D526 AA84F9A8F3A2 5E879803861F
FA446EAB27F8 4A76153C8318 D7B747704408
6CA2A1F12485 8402EB7BBF28 0A81A198BEAC
78BA9EF2CCBC 7A585C5594E3 D8F6A65AD2FB
2F6D26AD1E8E 193A78E92558 512555C790E4
81CB69F31B1B 64D64E185068 85F0BFEF0A97
